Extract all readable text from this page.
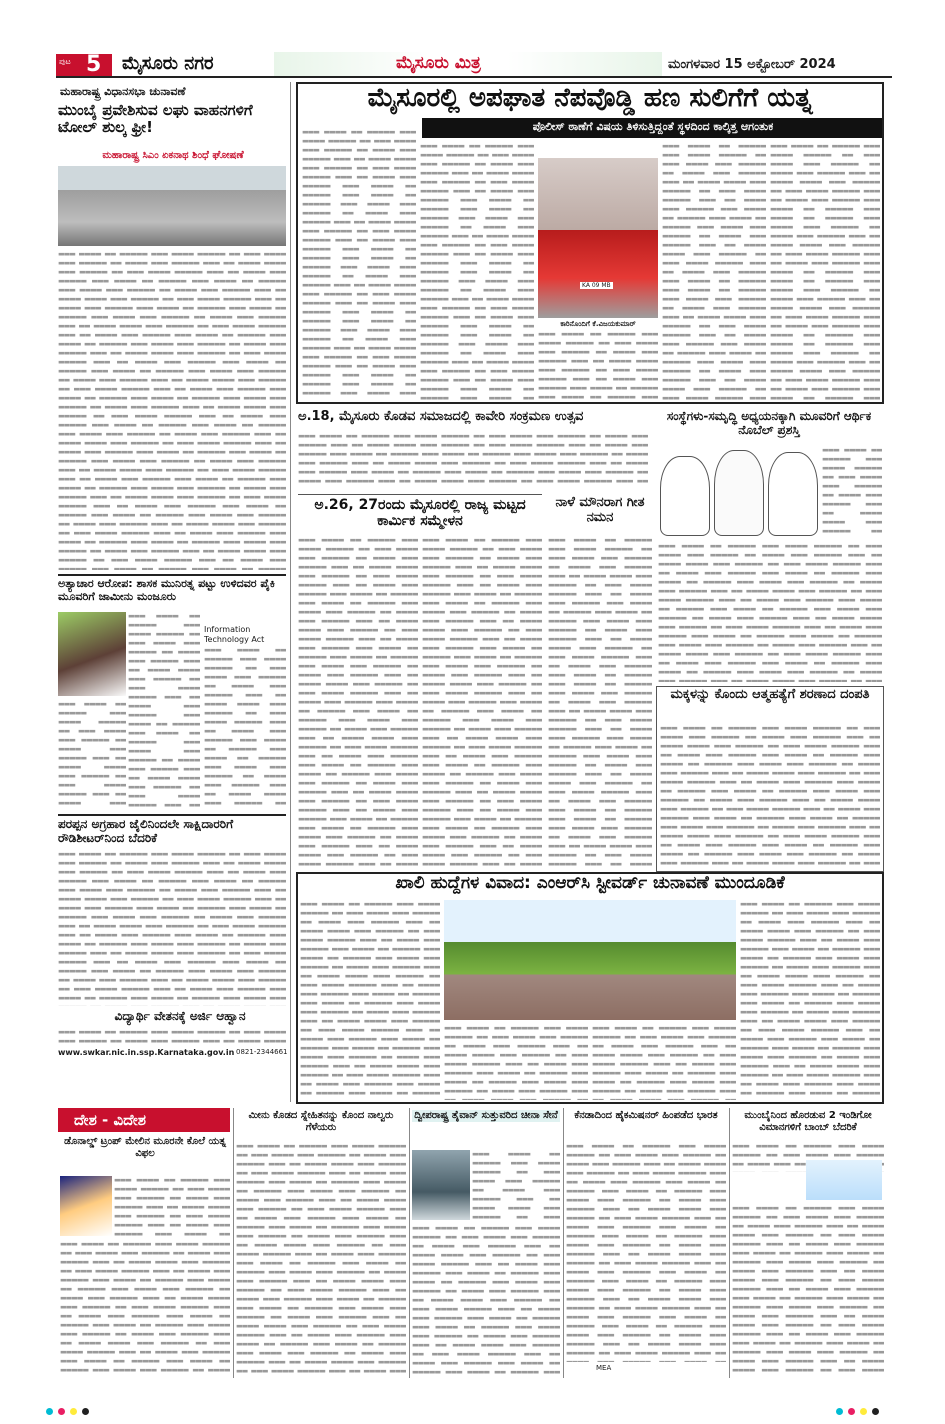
ಪುಟ 5 ಮೈಸೂರು ನಗರ	ಮೈಸೂರು ಮಿತ್ರ	ಮಂಗಳವಾರ 15 ಅಕ್ಟೋಬರ್ 2024
ಮಹಾರಾಷ್ಟ್ರ ವಿಧಾನಸಭಾ ಚುನಾವಣೆ
ಮುಂಬೈ ಪ್ರವೇಶಿಸುವ ಲಘು ವಾಹನಗಳಿಗೆ ಟೋಲ್ ಶುಲ್ಕ ಫ್ರೀ!
ಮಹಾರಾಷ್ಟ್ರ ಸಿಎಂ ಏಕನಾಥ ಶಿಂಧೆ ಘೋಷಣೆ
▬▬▬ ▬▬▬▬ ▬▬ ▬▬▬▬▬ ▬▬▬ ▬▬▬▬ ▬▬▬▬▬ ▬▬ ▬▬▬ ▬▬▬▬ ▬▬▬ ▬▬▬▬▬ ▬▬ ▬▬▬▬ ▬▬▬ ▬▬▬▬▬ ▬▬▬ ▬▬ ▬▬▬▬ ▬▬▬▬ ▬▬▬ ▬▬▬▬▬ ▬▬ ▬▬▬ ▬▬▬▬ ▬▬▬▬▬ ▬▬▬ ▬▬ ▬▬▬▬ ▬▬▬ ▬▬▬▬▬ ▬▬▬ ▬▬▬▬ ▬▬ ▬▬▬▬▬ ▬▬▬ ▬▬▬▬ ▬▬ ▬▬▬▬▬ ▬▬▬ ▬▬▬▬ ▬▬▬ ▬▬▬▬▬ ▬▬ ▬▬▬▬ ▬▬▬ ▬▬▬▬▬ ▬▬▬ ▬▬ ▬▬▬▬ ▬▬▬▬ ▬▬▬ ▬▬▬▬▬ ▬▬ ▬▬▬ ▬▬▬▬ ▬▬▬▬▬ ▬▬▬ ▬▬ ▬▬▬▬ ▬▬▬ ▬▬▬▬▬ ▬▬▬ ▬▬▬▬ ▬▬ ▬▬▬▬▬ ▬▬▬ ▬▬▬▬ ▬▬ ▬▬▬▬▬ ▬▬▬ ▬▬▬▬ ▬▬▬ ▬▬▬▬▬ ▬▬ ▬▬▬▬ ▬▬▬ ▬▬▬▬▬ ▬▬▬ ▬▬ ▬▬▬▬ ▬▬▬▬ ▬▬▬ ▬▬▬▬▬ ▬▬ ▬▬▬ ▬▬▬▬ ▬▬▬▬▬ ▬▬▬ ▬▬ ▬▬▬▬ ▬▬▬ ▬▬▬▬▬ ▬▬▬ ▬▬▬▬ ▬▬ ▬▬▬▬▬ ▬▬▬ ▬▬▬▬ ▬▬ ▬▬▬▬▬ ▬▬▬ ▬▬▬▬ ▬▬▬ ▬▬▬▬▬ ▬▬ ▬▬▬▬ ▬▬▬ ▬▬▬▬▬ ▬▬▬ ▬▬ ▬▬▬▬ ▬▬▬▬ ▬▬▬ ▬▬▬▬▬ ▬▬ ▬▬▬ ▬▬▬▬ ▬▬▬▬▬ ▬▬▬ ▬▬ ▬▬▬▬ ▬▬▬ ▬▬▬▬▬ ▬▬▬ ▬▬▬▬ ▬▬ ▬▬▬▬▬ ▬▬▬ ▬▬▬▬ ▬▬ ▬▬▬▬▬ ▬▬▬ ▬▬▬▬ ▬▬▬ ▬▬▬▬▬ ▬▬ ▬▬▬▬ ▬▬▬ ▬▬▬▬▬ ▬▬▬ ▬▬ ▬▬▬▬ ▬▬▬▬ ▬▬▬ ▬▬▬▬▬ ▬▬ ▬▬▬ ▬▬▬▬ ▬▬▬▬▬ ▬▬▬ ▬▬ ▬▬▬▬ ▬▬▬ ▬▬▬▬▬ ▬▬▬ ▬▬▬▬ ▬▬ ▬▬▬▬▬ ▬▬▬ ▬▬▬▬ ▬▬ ▬▬▬▬▬ ▬▬▬ ▬▬▬▬ ▬▬▬ ▬▬▬▬▬ ▬▬ ▬▬▬▬ ▬▬▬ ▬▬▬▬▬ ▬▬▬ ▬▬ ▬▬▬▬ ▬▬▬▬ ▬▬▬ ▬▬▬▬▬ ▬▬ ▬▬▬ ▬▬▬▬ ▬▬▬▬▬ ▬▬▬ ▬▬ ▬▬▬▬ ▬▬▬ ▬▬▬▬▬ ▬▬▬ ▬▬▬▬ ▬▬ ▬▬▬▬▬ ▬▬▬ ▬▬▬▬ ▬▬ ▬▬▬▬▬ ▬▬▬ ▬▬▬▬ ▬▬▬ ▬▬▬▬▬ ▬▬ ▬▬▬▬ ▬▬▬ ▬▬▬▬▬ ▬▬▬ ▬▬ ▬▬▬▬ ▬▬▬▬ ▬▬▬ ▬▬▬▬▬ ▬▬ ▬▬▬ ▬▬▬▬ ▬▬▬▬▬ ▬▬▬ ▬▬ ▬▬▬▬ ▬▬▬ ▬▬▬▬▬ ▬▬▬ ▬▬▬▬ ▬▬ ▬▬▬▬▬ ▬▬▬ ▬▬▬▬ ▬▬ ▬▬▬▬▬ ▬▬▬ ▬▬▬▬ ▬▬▬ ▬▬▬▬▬ ▬▬ ▬▬▬▬ ▬▬▬ ▬▬▬▬▬ ▬▬▬ ▬▬ ▬▬▬▬ ▬▬▬▬ ▬▬▬ ▬▬▬▬▬ ▬▬ ▬▬▬ ▬▬▬▬ ▬▬▬▬▬ ▬▬▬ ▬▬ ▬▬▬▬ ▬▬▬ ▬▬▬▬▬ ▬▬▬ ▬▬▬▬ ▬▬ ▬▬▬▬▬ ▬▬▬ ▬▬▬▬ ▬▬ ▬▬▬▬▬ ▬▬▬ ▬▬▬▬ ▬▬▬ ▬▬▬▬▬ ▬▬ ▬▬▬▬ ▬▬▬ ▬▬▬▬▬ ▬▬▬ ▬▬ ▬▬▬▬ ▬▬▬▬ ▬▬▬ ▬▬▬▬▬ ▬▬ ▬▬▬ ▬▬▬▬ ▬▬▬▬▬ ▬▬▬ ▬▬ ▬▬▬▬ ▬▬▬ ▬▬▬▬▬ ▬▬▬ ▬▬▬▬ ▬▬ ▬▬▬▬▬ ▬▬▬ ▬▬▬▬ ▬▬ ▬▬▬▬▬ ▬▬▬ ▬▬▬▬ ▬▬▬ ▬▬▬▬▬ ▬▬ ▬▬▬▬ ▬▬▬ ▬▬▬▬▬ ▬▬▬ ▬▬ ▬▬▬▬ ▬▬▬▬ ▬▬▬ ▬▬▬▬▬ ▬▬ ▬▬▬ ▬▬▬▬ ▬▬▬▬▬ ▬▬▬ ▬▬ ▬▬▬▬ ▬▬▬ ▬▬▬▬▬ ▬▬▬ ▬▬▬▬ ▬▬ ▬▬▬▬▬ ▬▬▬ ▬▬▬▬ ▬▬ ▬▬▬▬▬ ▬▬▬ ▬▬▬▬ ▬▬▬ ▬▬▬▬▬ ▬▬ ▬▬▬▬ ▬▬▬ ▬▬▬▬▬ ▬▬▬ ▬▬ ▬▬▬▬ ▬▬▬▬ ▬▬▬ ▬▬▬▬▬ ▬▬ ▬▬▬ ▬▬▬▬ ▬▬▬▬▬ ▬▬▬ ▬▬ ▬▬▬▬ ▬▬▬ ▬▬▬▬▬ ▬▬▬ ▬▬▬▬ ▬▬ ▬▬▬▬▬ ▬▬▬ ▬▬▬▬ ▬▬ ▬▬▬▬▬ ▬▬▬ ▬▬▬▬ ▬▬▬ ▬▬▬▬▬ ▬▬ ▬▬▬▬ ▬▬▬ ▬▬▬▬▬ ▬▬▬ ▬▬ ▬▬▬▬ ▬▬▬▬ ▬▬▬ ▬▬▬▬▬ ▬▬ ▬▬▬ ▬▬▬▬ ▬▬▬▬▬ ▬▬▬ ▬▬ ▬▬▬▬ ▬▬▬ ▬▬▬▬▬ ▬▬▬ ▬▬▬▬ ▬▬ ▬▬▬▬▬ ▬▬▬ ▬▬▬▬ ▬▬ ▬▬▬▬▬ ▬▬▬ ▬▬▬▬ ▬▬▬ ▬▬▬▬▬ ▬▬ ▬▬▬▬ ▬▬▬ ▬▬▬▬▬ ▬▬▬ ▬▬ ▬▬▬▬
ಅತ್ಯಾಚಾರ ಆರೋಪ: ಶಾಸಕ ಮುನಿರತ್ನ ಪಟ್ಟು ಉಳಿದವರ ಪೈಕಿ ಮೂವರಿಗೆ ಜಾಮೀನು ಮಂಜೂರು
▬▬▬ ▬▬▬▬ ▬▬ ▬▬▬▬▬ ▬▬▬ ▬▬▬▬ ▬▬▬▬▬ ▬▬ ▬▬▬ ▬▬▬▬ ▬▬▬ ▬▬▬▬▬ ▬▬ ▬▬▬▬ ▬▬▬ ▬▬▬▬▬ ▬▬▬ ▬▬ ▬▬▬▬ ▬▬▬▬ ▬▬▬ ▬▬▬▬▬ ▬▬ ▬▬▬ ▬▬▬▬ ▬▬▬▬▬ ▬▬▬ ▬▬ ▬▬▬▬ ▬▬▬ ▬▬▬▬▬ ▬▬▬ ▬▬▬▬ ▬▬ ▬▬▬▬▬ ▬▬▬ ▬▬▬▬ ▬▬ ▬▬▬▬▬ ▬▬▬ ▬▬▬▬ ▬▬▬ ▬▬▬▬▬ ▬▬ ▬▬▬▬ ▬▬▬ ▬▬▬▬▬ ▬▬▬ ▬▬ ▬▬▬▬ ▬▬▬▬ ▬▬▬ ▬▬▬▬▬ ▬▬ ▬▬▬ ▬▬▬▬ ▬▬▬▬▬ ▬▬▬ ▬▬ ▬▬▬▬ ▬▬▬ ▬▬▬▬▬ ▬▬▬ ▬▬▬▬ ▬▬ ▬▬▬▬▬ ▬▬▬ ▬▬▬▬ ▬▬ ▬▬▬▬▬ ▬▬▬ ▬▬▬▬ ▬▬▬ ▬▬▬▬▬ ▬▬ ▬▬▬▬ ▬▬▬ ▬▬▬▬▬ ▬▬▬ ▬▬ ▬▬▬▬ ▬▬▬▬ ▬▬▬ ▬▬▬▬▬ ▬▬ ▬▬▬ ▬▬▬▬ ▬▬▬▬▬ ▬▬▬ ▬▬ ▬▬▬▬ ▬▬▬ ▬▬▬▬▬ ▬▬▬ ▬▬▬▬ ▬▬ ▬▬▬▬▬ ▬▬▬ ▬▬▬▬ ▬▬ ▬▬▬▬▬ ▬▬▬ ▬▬▬▬ ▬▬▬ ▬▬▬▬▬ ▬▬ ▬▬▬▬ ▬▬▬ ▬▬▬▬▬ ▬▬▬ ▬▬ ▬▬▬▬ ▬▬▬▬ ▬▬▬ ▬▬▬▬▬ ▬▬ ▬▬▬ ▬▬▬▬ ▬▬▬▬▬ ▬▬▬ ▬▬ ▬▬▬▬ ▬▬▬ ▬▬▬▬▬ ▬▬▬ ▬▬▬▬ ▬▬ ▬▬▬▬▬ ▬▬▬ ▬▬▬▬ ▬▬ ▬▬▬▬▬ ▬▬▬ ▬▬▬▬ ▬▬▬ ▬▬▬▬▬ ▬▬ ▬▬▬▬ ▬▬▬ ▬▬▬▬▬ ▬▬▬ ▬▬ ▬▬▬▬ ▬▬▬▬ ▬▬▬ ▬▬▬▬▬ ▬▬ ▬▬▬ ▬▬▬▬ ▬▬▬▬▬ ▬▬▬ ▬▬ ▬▬▬▬ ▬▬▬ ▬▬▬▬▬ ▬▬▬ ▬▬▬▬ ▬▬ ▬▬▬▬▬ ▬▬▬ ▬▬▬▬ ▬▬ ▬▬▬▬▬ ▬▬▬ ▬▬▬▬ ▬▬▬ ▬▬▬▬▬ ▬▬ ▬▬▬▬ ▬▬▬ ▬▬▬▬▬ ▬▬▬ ▬▬ ▬▬▬▬ ▬▬▬▬ ▬▬▬ ▬▬▬▬▬ ▬▬ ▬▬▬ ▬▬▬▬ ▬▬▬▬▬ ▬▬▬ ▬▬ ▬▬▬▬ ▬▬▬ ▬▬▬▬▬ ▬▬▬ ▬▬▬▬ ▬▬ ▬▬▬▬▬ ▬▬▬ ▬▬▬▬ ▬▬ ▬▬▬▬▬ ▬▬▬ ▬▬▬▬ ▬▬▬ ▬▬▬▬▬ ▬▬ ▬▬▬▬ ▬▬▬ ▬▬▬▬▬ ▬▬▬ ▬▬ ▬▬▬▬ ▬▬▬▬ ▬▬▬ ▬▬▬▬▬ ▬▬ ▬▬▬ ▬▬▬▬ ▬▬▬▬▬ ▬▬▬ ▬▬ ▬▬▬▬ ▬▬▬ ▬▬▬▬▬ ▬▬▬ ▬▬▬▬ ▬▬ ▬▬▬▬▬ ▬▬▬ ▬▬▬▬ ▬▬ ▬▬▬▬▬ ▬▬▬ ▬▬▬▬ ▬▬▬ ▬▬▬▬▬ ▬▬ ▬▬▬▬ ▬▬▬ ▬▬▬▬▬ ▬▬▬ ▬▬ ▬▬▬▬ ▬▬▬▬ ▬▬▬ ▬▬▬▬▬ ▬▬ ▬▬▬ ▬▬▬▬ ▬▬▬▬▬ ▬▬▬ ▬▬ ▬▬▬▬ ▬▬▬ ▬▬▬▬▬ ▬▬▬ ▬▬▬▬ ▬▬ ▬▬▬▬▬ ▬▬▬ ▬▬▬▬ ▬▬ ▬▬▬▬▬ ▬▬▬ ▬▬▬▬ ▬▬▬ ▬▬▬▬▬ ▬▬ ▬▬▬▬ ▬▬▬ ▬▬▬▬▬ ▬▬▬ ▬▬ ▬▬▬▬ ▬▬▬▬ ▬▬▬ ▬▬▬▬▬ ▬▬ ▬▬▬ ▬▬▬▬ ▬▬▬▬▬ ▬▬▬ ▬▬ ▬▬▬▬ ▬▬▬ ▬▬▬▬▬ ▬▬▬ ▬▬▬▬ ▬▬ ▬▬▬▬▬ ▬▬▬ ▬▬▬▬ ▬▬ ▬▬▬▬▬ ▬▬▬ ▬▬▬▬ ▬▬▬ ▬▬▬▬▬ ▬▬ ▬▬▬▬ ▬▬▬ ▬▬▬▬▬ ▬▬▬ ▬▬ ▬▬▬▬ ▬▬▬▬ ▬▬▬ ▬▬▬▬▬ ▬▬ ▬▬▬ ▬▬▬▬ ▬▬▬▬▬ ▬▬▬ ▬▬ ▬▬▬▬ ▬▬▬ ▬▬▬▬▬ ▬▬▬ ▬▬▬▬ ▬▬ ▬▬▬▬▬ ▬▬▬ ▬▬▬▬ ▬▬ ▬▬▬▬▬ ▬▬▬ ▬▬▬▬ ▬▬▬ ▬▬▬▬▬ ▬▬ ▬▬▬▬ ▬▬▬ ▬▬▬▬▬ ▬▬▬ ▬▬ ▬▬▬▬ ▬▬▬▬ ▬▬▬ ▬▬▬▬▬ ▬▬ ▬▬▬ ▬▬▬▬ ▬▬▬▬▬ ▬▬▬ ▬▬ ▬▬▬▬ ▬▬▬ ▬▬▬▬▬ ▬▬▬ ▬▬▬▬ ▬▬ ▬▬▬▬▬ ▬▬▬ ▬▬▬▬ ▬▬ ▬▬▬▬▬ ▬▬▬ ▬▬▬▬ ▬▬▬ ▬▬▬▬▬ ▬▬ ▬▬▬▬ ▬▬▬ ▬▬▬▬▬ ▬▬▬ ▬▬ ▬▬▬▬ ▬▬▬▬ ▬▬▬ ▬▬▬▬▬ ▬▬ ▬▬▬ ▬▬▬▬ ▬▬▬▬▬ ▬▬▬ ▬▬ ▬▬▬▬ ▬▬▬ ▬▬▬▬▬ ▬▬▬ ▬▬▬▬ ▬▬ ▬▬▬▬▬ ▬▬▬ ▬▬▬▬ ▬▬ ▬▬▬▬▬ ▬▬▬ ▬▬▬▬ ▬▬▬ ▬▬▬▬▬ ▬▬ ▬▬▬▬ ▬▬▬ ▬▬▬▬▬ ▬▬▬ ▬▬ ▬▬▬▬
Information Technology Act
▬▬▬ ▬▬▬▬ ▬▬ ▬▬▬▬▬ ▬▬▬ ▬▬▬▬ ▬▬▬▬▬ ▬▬ ▬▬▬ ▬▬▬▬ ▬▬▬ ▬▬▬▬▬ ▬▬ ▬▬▬▬ ▬▬▬ ▬▬▬▬▬ ▬▬▬ ▬▬ ▬▬▬▬ ▬▬▬▬ ▬▬▬ ▬▬▬▬▬ ▬▬ ▬▬▬ ▬▬▬▬ ▬▬▬▬▬ ▬▬▬ ▬▬ ▬▬▬▬ ▬▬▬ ▬▬▬▬▬ ▬▬▬ ▬▬▬▬ ▬▬ ▬▬▬▬▬ ▬▬▬ ▬▬▬▬ ▬▬ ▬▬▬▬▬ ▬▬▬ ▬▬▬▬ ▬▬▬ ▬▬▬▬▬ ▬▬ ▬▬▬▬ ▬▬▬ ▬▬▬▬▬ ▬▬▬ ▬▬ ▬▬▬▬ ▬▬▬▬ ▬▬▬ ▬▬▬▬▬ ▬▬ ▬▬▬ ▬▬▬▬ ▬▬▬▬▬ ▬▬▬ ▬▬ ▬▬▬▬ ▬▬▬ ▬▬▬▬▬ ▬▬▬ ▬▬▬▬ ▬▬ ▬▬▬▬▬ ▬▬▬ ▬▬▬▬ ▬▬ ▬▬▬▬▬ ▬▬▬ ▬▬▬▬ ▬▬▬ ▬▬▬▬▬ ▬▬ ▬▬▬▬ ▬▬▬ ▬▬▬▬▬ ▬▬▬ ▬▬ ▬▬▬▬ ▬▬▬▬ ▬▬▬ ▬▬▬▬▬ ▬▬ ▬▬▬ ▬▬▬▬ ▬▬▬▬▬ ▬▬▬ ▬▬ ▬▬▬▬ ▬▬▬ ▬▬▬▬▬ ▬▬▬ ▬▬▬▬ ▬▬ ▬▬▬▬▬ ▬▬▬ ▬▬▬▬ ▬▬ ▬▬▬▬▬ ▬▬▬ ▬▬▬▬ ▬▬▬ ▬▬▬▬▬ ▬▬ ▬▬▬▬ ▬▬▬ ▬▬▬▬▬ ▬▬▬ ▬▬ ▬▬▬▬ ▬▬▬▬ ▬▬▬ ▬▬▬▬▬ ▬▬ ▬▬▬ ▬▬▬▬ ▬▬▬▬▬ ▬▬▬ ▬▬ ▬▬▬▬ ▬▬▬ ▬▬▬▬▬ ▬▬▬ ▬▬▬▬ ▬▬ ▬▬▬▬▬ ▬▬▬ ▬▬▬▬ ▬▬ ▬▬▬▬▬ ▬▬▬ ▬▬▬▬ ▬▬▬ ▬▬▬▬▬ ▬▬ ▬▬▬▬ ▬▬▬ ▬▬▬▬▬ ▬▬▬ ▬▬ ▬▬▬▬ ▬▬▬▬ ▬▬▬ ▬▬▬▬▬ ▬▬ ▬▬▬ ▬▬▬▬ ▬▬▬▬▬ ▬▬▬ ▬▬ ▬▬▬▬ ▬▬▬ ▬▬▬▬▬ ▬▬▬ ▬▬▬▬ ▬▬ ▬▬▬▬▬ ▬▬▬ ▬▬▬▬ ▬▬ ▬▬▬▬▬ ▬▬▬ ▬▬▬▬ ▬▬▬ ▬▬▬▬▬ ▬▬ ▬▬▬▬ ▬▬▬ ▬▬▬▬▬ ▬▬▬ ▬▬ ▬▬▬▬ ▬▬▬▬ ▬▬▬ ▬▬▬▬▬ ▬▬ ▬▬▬ ▬▬▬▬ ▬▬▬▬▬ ▬▬▬ ▬▬ ▬▬▬▬ ▬▬▬ ▬▬▬▬▬ ▬▬▬ ▬▬▬▬ ▬▬ ▬▬▬▬▬ ▬▬▬ ▬▬▬▬ ▬▬ ▬▬▬▬▬ ▬▬▬ ▬▬▬▬ ▬▬▬ ▬▬▬▬▬ ▬▬ ▬▬▬▬ ▬▬▬ ▬▬▬▬▬ ▬▬▬ ▬▬ ▬▬▬▬ ▬▬▬▬ ▬▬▬ ▬▬▬▬▬ ▬▬ ▬▬▬ ▬▬▬▬ ▬▬▬▬▬ ▬▬▬ ▬▬ ▬▬▬▬ ▬▬▬ ▬▬▬▬▬ ▬▬▬ ▬▬▬▬ ▬▬ ▬▬▬▬▬ ▬▬▬ ▬▬▬▬ ▬▬ ▬▬▬▬▬ ▬▬▬ ▬▬▬▬ ▬▬▬ ▬▬▬▬▬ ▬▬ ▬▬▬▬ ▬▬▬ ▬▬▬▬▬ ▬▬▬ ▬▬ ▬▬▬▬ ▬▬▬▬ ▬▬▬ ▬▬▬▬▬ ▬▬ ▬▬▬ ▬▬▬▬ ▬▬▬▬▬ ▬▬▬ ▬▬ ▬▬▬▬ ▬▬▬ ▬▬▬▬▬ ▬▬▬ ▬▬▬▬ ▬▬ ▬▬▬▬▬ ▬▬▬ ▬▬▬▬ ▬▬ ▬▬▬▬▬ ▬▬▬ ▬▬▬▬ ▬▬▬ ▬▬▬▬▬ ▬▬ ▬▬▬▬ ▬▬▬ ▬▬▬▬▬ ▬▬▬ ▬▬ ▬▬▬▬ ▬▬▬▬ ▬▬▬ ▬▬▬▬▬ ▬▬ ▬▬▬ ▬▬▬▬ ▬▬▬▬▬ ▬▬▬ ▬▬ ▬▬▬▬ ▬▬▬ ▬▬▬▬▬ ▬▬▬ ▬▬▬▬ ▬▬ ▬▬▬▬▬ ▬▬▬ ▬▬▬▬ ▬▬ ▬▬▬▬▬ ▬▬▬ ▬▬▬▬ ▬▬▬ ▬▬▬▬▬ ▬▬ ▬▬▬▬ ▬▬▬ ▬▬▬▬▬ ▬▬▬ ▬▬ ▬▬▬▬ ▬▬▬▬ ▬▬▬ ▬▬▬▬▬ ▬▬ ▬▬▬ ▬▬▬▬ ▬▬▬▬▬ ▬▬▬ ▬▬ ▬▬▬▬ ▬▬▬ ▬▬▬▬▬ ▬▬▬ ▬▬▬▬ ▬▬ ▬▬▬▬▬ ▬▬▬ ▬▬▬▬ ▬▬ ▬▬▬▬▬ ▬▬▬ ▬▬▬▬ ▬▬▬ ▬▬▬▬▬ ▬▬ ▬▬▬▬ ▬▬▬ ▬▬▬▬▬ ▬▬▬ ▬▬ ▬▬▬▬ ▬▬▬▬ ▬▬▬ ▬▬▬▬▬ ▬▬ ▬▬▬ ▬▬▬▬ ▬▬▬▬▬ ▬▬▬ ▬▬ ▬▬▬▬ ▬▬▬ ▬▬▬▬▬ ▬▬▬ ▬▬▬▬ ▬▬ ▬▬▬▬▬ ▬▬▬ ▬▬▬▬ ▬▬ ▬▬▬▬▬ ▬▬▬ ▬▬▬▬ ▬▬▬ ▬▬▬▬▬ ▬▬ ▬▬▬▬ ▬▬▬ ▬▬▬▬▬ ▬▬▬ ▬▬ ▬▬▬▬ ▬▬▬▬ ▬▬▬ ▬▬▬▬▬ ▬▬ ▬▬▬ ▬▬▬▬ ▬▬▬▬▬ ▬▬▬ ▬▬ ▬▬▬▬ ▬▬▬ ▬▬▬▬▬ ▬▬▬ ▬▬▬▬ ▬▬ ▬▬▬▬▬ ▬▬▬ ▬▬▬▬ ▬▬ ▬▬▬▬▬ ▬▬▬ ▬▬▬▬ ▬▬▬ ▬▬▬▬▬ ▬▬ ▬▬▬▬ ▬▬▬ ▬▬▬▬▬ ▬▬▬ ▬▬ ▬▬▬▬
▬▬▬ ▬▬▬▬ ▬▬ ▬▬▬▬▬ ▬▬▬ ▬▬▬▬ ▬▬▬▬▬ ▬▬ ▬▬▬ ▬▬▬▬ ▬▬▬ ▬▬▬▬▬ ▬▬ ▬▬▬▬ ▬▬▬ ▬▬▬▬▬ ▬▬▬ ▬▬ ▬▬▬▬ ▬▬▬▬ ▬▬▬ ▬▬▬▬▬ ▬▬ ▬▬▬ ▬▬▬▬ ▬▬▬▬▬ ▬▬▬ ▬▬ ▬▬▬▬ ▬▬▬ ▬▬▬▬▬ ▬▬▬ ▬▬▬▬ ▬▬ ▬▬▬▬▬ ▬▬▬ ▬▬▬▬ ▬▬ ▬▬▬▬▬ ▬▬▬ ▬▬▬▬ ▬▬▬ ▬▬▬▬▬ ▬▬ ▬▬▬▬ ▬▬▬ ▬▬▬▬▬ ▬▬▬ ▬▬ ▬▬▬▬ ▬▬▬▬ ▬▬▬ ▬▬▬▬▬ ▬▬ ▬▬▬ ▬▬▬▬ ▬▬▬▬▬ ▬▬▬ ▬▬ ▬▬▬▬ ▬▬▬ ▬▬▬▬▬ ▬▬▬ ▬▬▬▬ ▬▬ ▬▬▬▬▬ ▬▬▬ ▬▬▬▬ ▬▬ ▬▬▬▬▬ ▬▬▬ ▬▬▬▬ ▬▬▬ ▬▬▬▬▬ ▬▬ ▬▬▬▬ ▬▬▬ ▬▬▬▬▬ ▬▬▬ ▬▬ ▬▬▬▬ ▬▬▬▬ ▬▬▬ ▬▬▬▬▬ ▬▬ ▬▬▬ ▬▬▬▬ ▬▬▬▬▬ ▬▬▬ ▬▬ ▬▬▬▬ ▬▬▬ ▬▬▬▬▬ ▬▬▬ ▬▬▬▬ ▬▬ ▬▬▬▬▬ ▬▬▬ ▬▬▬▬ ▬▬ ▬▬▬▬▬ ▬▬▬ ▬▬▬▬ ▬▬▬ ▬▬▬▬▬ ▬▬ ▬▬▬▬ ▬▬▬ ▬▬▬▬▬ ▬▬▬ ▬▬ ▬▬▬▬ ▬▬▬▬ ▬▬▬ ▬▬▬▬▬ ▬▬ ▬▬▬ ▬▬▬▬ ▬▬▬▬▬ ▬▬▬ ▬▬ ▬▬▬▬ ▬▬▬ ▬▬▬▬▬ ▬▬▬ ▬▬▬▬ ▬▬ ▬▬▬▬▬ ▬▬▬ ▬▬▬▬ ▬▬ ▬▬▬▬▬ ▬▬▬ ▬▬▬▬ ▬▬▬ ▬▬▬▬▬ ▬▬ ▬▬▬▬ ▬▬▬ ▬▬▬▬▬ ▬▬▬ ▬▬ ▬▬▬▬ ▬▬▬▬ ▬▬▬ ▬▬▬▬▬ ▬▬ ▬▬▬ ▬▬▬▬ ▬▬▬▬▬ ▬▬▬ ▬▬ ▬▬▬▬ ▬▬▬ ▬▬▬▬▬ ▬▬▬ ▬▬▬▬ ▬▬ ▬▬▬▬▬ ▬▬▬ ▬▬▬▬ ▬▬ ▬▬▬▬▬ ▬▬▬ ▬▬▬▬ ▬▬▬ ▬▬▬▬▬ ▬▬ ▬▬▬▬ ▬▬▬ ▬▬▬▬▬ ▬▬▬ ▬▬ ▬▬▬▬ ▬▬▬▬ ▬▬▬ ▬▬▬▬▬ ▬▬ ▬▬▬ ▬▬▬▬ ▬▬▬▬▬ ▬▬▬ ▬▬ ▬▬▬▬ ▬▬▬ ▬▬▬▬▬ ▬▬▬ ▬▬▬▬ ▬▬ ▬▬▬▬▬ ▬▬▬ ▬▬▬▬ ▬▬ ▬▬▬▬▬ ▬▬▬ ▬▬▬▬ ▬▬▬ ▬▬▬▬▬ ▬▬ ▬▬▬▬ ▬▬▬ ▬▬▬▬▬ ▬▬▬ ▬▬ ▬▬▬▬ ▬▬▬▬ ▬▬▬ ▬▬▬▬▬ ▬▬ ▬▬▬ ▬▬▬▬ ▬▬▬▬▬ ▬▬▬ ▬▬ ▬▬▬▬ ▬▬▬ ▬▬▬▬▬ ▬▬▬ ▬▬▬▬ ▬▬ ▬▬▬▬▬ ▬▬▬ ▬▬▬▬ ▬▬ ▬▬▬▬▬ ▬▬▬ ▬▬▬▬ ▬▬▬ ▬▬▬▬▬ ▬▬ ▬▬▬▬ ▬▬▬ ▬▬▬▬▬ ▬▬▬ ▬▬ ▬▬▬▬ ▬▬▬▬ ▬▬▬ ▬▬▬▬▬ ▬▬ ▬▬▬ ▬▬▬▬ ▬▬▬▬▬ ▬▬▬ ▬▬ ▬▬▬▬ ▬▬▬ ▬▬▬▬▬ ▬▬▬ ▬▬▬▬ ▬▬ ▬▬▬▬▬ ▬▬▬ ▬▬▬▬ ▬▬ ▬▬▬▬▬ ▬▬▬ ▬▬▬▬ ▬▬▬ ▬▬▬▬▬ ▬▬ ▬▬▬▬ ▬▬▬ ▬▬▬▬▬ ▬▬▬ ▬▬ ▬▬▬▬ ▬▬▬▬ ▬▬▬ ▬▬▬▬▬ ▬▬ ▬▬▬ ▬▬▬▬ ▬▬▬▬▬ ▬▬▬ ▬▬ ▬▬▬▬ ▬▬▬ ▬▬▬▬▬ ▬▬▬ ▬▬▬▬ ▬▬ ▬▬▬▬▬ ▬▬▬ ▬▬▬▬ ▬▬ ▬▬▬▬▬ ▬▬▬ ▬▬▬▬ ▬▬▬ ▬▬▬▬▬ ▬▬ ▬▬▬▬ ▬▬▬ ▬▬▬▬▬ ▬▬▬ ▬▬ ▬▬▬▬ ▬▬▬▬ ▬▬▬ ▬▬▬▬▬ ▬▬ ▬▬▬ ▬▬▬▬ ▬▬▬▬▬ ▬▬▬ ▬▬ ▬▬▬▬ ▬▬▬ ▬▬▬▬▬ ▬▬▬ ▬▬▬▬ ▬▬ ▬▬▬▬▬ ▬▬▬ ▬▬▬▬ ▬▬ ▬▬▬▬▬ ▬▬▬ ▬▬▬▬ ▬▬▬ ▬▬▬▬▬ ▬▬ ▬▬▬▬ ▬▬▬ ▬▬▬▬▬ ▬▬▬ ▬▬ ▬▬▬▬ ▬▬▬▬ ▬▬▬ ▬▬▬▬▬ ▬▬ ▬▬▬ ▬▬▬▬ ▬▬▬▬▬ ▬▬▬ ▬▬ ▬▬▬▬ ▬▬▬ ▬▬▬▬▬ ▬▬▬ ▬▬▬▬ ▬▬ ▬▬▬▬▬ ▬▬▬ ▬▬▬▬ ▬▬ ▬▬▬▬▬ ▬▬▬ ▬▬▬▬ ▬▬▬ ▬▬▬▬▬ ▬▬ ▬▬▬▬ ▬▬▬ ▬▬▬▬▬ ▬▬▬ ▬▬ ▬▬▬▬ ▬▬▬▬ ▬▬▬ ▬▬▬▬▬ ▬▬ ▬▬▬ ▬▬▬▬ ▬▬▬▬▬ ▬▬▬ ▬▬ ▬▬▬▬ ▬▬▬ ▬▬▬▬▬ ▬▬▬ ▬▬▬▬ ▬▬ ▬▬▬▬▬ ▬▬▬ ▬▬▬▬ ▬▬ ▬▬▬▬▬ ▬▬▬ ▬▬▬▬ ▬▬▬ ▬▬▬▬▬ ▬▬ ▬▬▬▬ ▬▬▬ ▬▬▬▬▬ ▬▬▬ ▬▬ ▬▬▬▬
ಪರಪ್ಪನ ಅಗ್ರಹಾರ ಜೈಲಿನಿಂದಲೇ ಸಾಕ್ಷಿದಾರರಿಗೆ ರೌಡಿಶೀಟರ್‌ನಿಂದ ಬೆದರಿಕೆ
▬▬▬ ▬▬▬▬ ▬▬ ▬▬▬▬▬ ▬▬▬ ▬▬▬▬ ▬▬▬▬▬ ▬▬ ▬▬▬ ▬▬▬▬ ▬▬▬ ▬▬▬▬▬ ▬▬ ▬▬▬▬ ▬▬▬ ▬▬▬▬▬ ▬▬▬ ▬▬ ▬▬▬▬ ▬▬▬▬ ▬▬▬ ▬▬▬▬▬ ▬▬ ▬▬▬ ▬▬▬▬ ▬▬▬▬▬ ▬▬▬ ▬▬ ▬▬▬▬ ▬▬▬ ▬▬▬▬▬ ▬▬▬ ▬▬▬▬ ▬▬ ▬▬▬▬▬ ▬▬▬ ▬▬▬▬ ▬▬ ▬▬▬▬▬ ▬▬▬ ▬▬▬▬ ▬▬▬ ▬▬▬▬▬ ▬▬ ▬▬▬▬ ▬▬▬ ▬▬▬▬▬ ▬▬▬ ▬▬ ▬▬▬▬ ▬▬▬▬ ▬▬▬ ▬▬▬▬▬ ▬▬ ▬▬▬ ▬▬▬▬ ▬▬▬▬▬ ▬▬▬ ▬▬ ▬▬▬▬ ▬▬▬ ▬▬▬▬▬ ▬▬▬ ▬▬▬▬ ▬▬ ▬▬▬▬▬ ▬▬▬ ▬▬▬▬ ▬▬ ▬▬▬▬▬ ▬▬▬ ▬▬▬▬ ▬▬▬ ▬▬▬▬▬ ▬▬ ▬▬▬▬ ▬▬▬ ▬▬▬▬▬ ▬▬▬ ▬▬ ▬▬▬▬ ▬▬▬▬ ▬▬▬ ▬▬▬▬▬ ▬▬ ▬▬▬ ▬▬▬▬ ▬▬▬▬▬ ▬▬▬ ▬▬ ▬▬▬▬ ▬▬▬ ▬▬▬▬▬ ▬▬▬ ▬▬▬▬ ▬▬ ▬▬▬▬▬ ▬▬▬ ▬▬▬▬ ▬▬ ▬▬▬▬▬ ▬▬▬ ▬▬▬▬ ▬▬▬ ▬▬▬▬▬ ▬▬ ▬▬▬▬ ▬▬▬ ▬▬▬▬▬ ▬▬▬ ▬▬ ▬▬▬▬ ▬▬▬▬ ▬▬▬ ▬▬▬▬▬ ▬▬ ▬▬▬ ▬▬▬▬ ▬▬▬▬▬ ▬▬▬ ▬▬ ▬▬▬▬ ▬▬▬ ▬▬▬▬▬ ▬▬▬ ▬▬▬▬ ▬▬ ▬▬▬▬▬ ▬▬▬ ▬▬▬▬ ▬▬ ▬▬▬▬▬ ▬▬▬ ▬▬▬▬ ▬▬▬ ▬▬▬▬▬ ▬▬ ▬▬▬▬ ▬▬▬ ▬▬▬▬▬ ▬▬▬ ▬▬ ▬▬▬▬ ▬▬▬▬ ▬▬▬ ▬▬▬▬▬ ▬▬ ▬▬▬ ▬▬▬▬ ▬▬▬▬▬ ▬▬▬ ▬▬ ▬▬▬▬ ▬▬▬ ▬▬▬▬▬ ▬▬▬ ▬▬▬▬ ▬▬ ▬▬▬▬▬ ▬▬▬ ▬▬▬▬ ▬▬ ▬▬▬▬▬ ▬▬▬ ▬▬▬▬ ▬▬▬ ▬▬▬▬▬ ▬▬ ▬▬▬▬ ▬▬▬ ▬▬▬▬▬ ▬▬▬ ▬▬ ▬▬▬▬ ▬▬▬▬ ▬▬▬ ▬▬▬▬▬ ▬▬ ▬▬▬ ▬▬▬▬ ▬▬▬▬▬ ▬▬▬ ▬▬ ▬▬▬▬ ▬▬▬ ▬▬▬▬▬ ▬▬▬ ▬▬▬▬ ▬▬ ▬▬▬▬▬ ▬▬▬ ▬▬▬▬ ▬▬ ▬▬▬▬▬ ▬▬▬ ▬▬▬▬ ▬▬▬ ▬▬▬▬▬ ▬▬ ▬▬▬▬ ▬▬▬ ▬▬▬▬▬ ▬▬▬ ▬▬ ▬▬▬▬ ▬▬▬▬ ▬▬▬ ▬▬▬▬▬ ▬▬ ▬▬▬ ▬▬▬▬ ▬▬▬▬▬ ▬▬▬ ▬▬ ▬▬▬▬ ▬▬▬ ▬▬▬▬▬ ▬▬▬ ▬▬▬▬ ▬▬ ▬▬▬▬▬ ▬▬▬ ▬▬▬▬ ▬▬ ▬▬▬▬▬ ▬▬▬ ▬▬▬▬ ▬▬▬ ▬▬▬▬▬ ▬▬ ▬▬▬▬ ▬▬▬ ▬▬▬▬▬ ▬▬▬ ▬▬ ▬▬▬▬ ▬▬▬▬ ▬▬▬ ▬▬▬▬▬ ▬▬ ▬▬▬ ▬▬▬▬ ▬▬▬▬▬ ▬▬▬ ▬▬ ▬▬▬▬ ▬▬▬ ▬▬▬▬▬ ▬▬▬ ▬▬▬▬ ▬▬ ▬▬▬▬▬ ▬▬▬ ▬▬▬▬ ▬▬ ▬▬▬▬▬ ▬▬▬ ▬▬▬▬ ▬▬▬ ▬▬▬▬▬ ▬▬ ▬▬▬▬ ▬▬▬ ▬▬▬▬▬ ▬▬▬ ▬▬ ▬▬▬▬ ▬▬▬▬ ▬▬▬ ▬▬▬▬▬ ▬▬ ▬▬▬ ▬▬▬▬ ▬▬▬▬▬ ▬▬▬ ▬▬ ▬▬▬▬ ▬▬▬ ▬▬▬▬▬ ▬▬▬ ▬▬▬▬ ▬▬ ▬▬▬▬▬ ▬▬▬ ▬▬▬▬ ▬▬ ▬▬▬▬▬ ▬▬▬ ▬▬▬▬ ▬▬▬ ▬▬▬▬▬ ▬▬ ▬▬▬▬ ▬▬▬ ▬▬▬▬▬ ▬▬▬ ▬▬ ▬▬▬▬ ▬▬▬▬ ▬▬▬ ▬▬▬▬▬ ▬▬ ▬▬▬ ▬▬▬▬ ▬▬▬▬▬ ▬▬▬ ▬▬ ▬▬▬▬ ▬▬▬ ▬▬▬▬▬ ▬▬▬ ▬▬▬▬ ▬▬ ▬▬▬▬▬ ▬▬▬ ▬▬▬▬ ▬▬ ▬▬▬▬▬ ▬▬▬ ▬▬▬▬ ▬▬▬ ▬▬▬▬▬ ▬▬ ▬▬▬▬ ▬▬▬ ▬▬▬▬▬ ▬▬▬ ▬▬ ▬▬▬▬ ▬▬▬▬ ▬▬▬ ▬▬▬▬▬ ▬▬ ▬▬▬ ▬▬▬▬ ▬▬▬▬▬ ▬▬▬ ▬▬ ▬▬▬▬ ▬▬▬ ▬▬▬▬▬ ▬▬▬ ▬▬▬▬ ▬▬ ▬▬▬▬▬ ▬▬▬ ▬▬▬▬ ▬▬ ▬▬▬▬▬ ▬▬▬ ▬▬▬▬ ▬▬▬ ▬▬▬▬▬ ▬▬ ▬▬▬▬ ▬▬▬ ▬▬▬▬▬ ▬▬▬ ▬▬ ▬▬▬▬ ▬▬▬▬ ▬▬▬ ▬▬▬▬▬ ▬▬ ▬▬▬ ▬▬▬▬ ▬▬▬▬▬ ▬▬▬ ▬▬ ▬▬▬▬ ▬▬▬ ▬▬▬▬▬ ▬▬▬ ▬▬▬▬ ▬▬ ▬▬▬▬▬ ▬▬▬ ▬▬▬▬ ▬▬ ▬▬▬▬▬ ▬▬▬ ▬▬▬▬ ▬▬▬ ▬▬▬▬▬ ▬▬ ▬▬▬▬ ▬▬▬ ▬▬▬▬▬ ▬▬▬ ▬▬ ▬▬▬▬
ವಿದ್ಯಾರ್ಥಿ ವೇತನಕ್ಕೆ ಅರ್ಜಿ ಆಹ್ವಾನ
▬▬▬ ▬▬▬▬ ▬▬ ▬▬▬▬▬ ▬▬▬ ▬▬▬▬ ▬▬▬▬▬ ▬▬ ▬▬▬ ▬▬▬▬ ▬▬▬ ▬▬▬▬▬ ▬▬ ▬▬▬▬ ▬▬▬ ▬▬▬▬▬ ▬▬▬ ▬▬ ▬▬▬▬ ▬▬▬▬ ▬▬▬ ▬▬▬▬▬ ▬▬ ▬▬▬ ▬▬▬▬ ▬▬▬▬▬ ▬▬▬ ▬▬ ▬▬▬▬ ▬▬▬ ▬▬▬▬▬ ▬▬▬ ▬▬▬▬ ▬▬ ▬▬▬▬▬ ▬▬▬ ▬▬▬▬ ▬▬ ▬▬▬▬▬ ▬▬▬ ▬▬▬▬ ▬▬▬ ▬▬▬▬▬ ▬▬ ▬▬▬▬ ▬▬▬ ▬▬▬▬▬ ▬▬▬ ▬▬ ▬▬▬▬ ▬▬▬▬ ▬▬▬ ▬▬▬▬▬ ▬▬ ▬▬▬ ▬▬▬▬ ▬▬▬▬▬ ▬▬▬ ▬▬ ▬▬▬▬ ▬▬▬ ▬▬▬▬▬ ▬▬▬ ▬▬▬▬ ▬▬ ▬▬▬▬▬ ▬▬▬ ▬▬▬▬ ▬▬ ▬▬▬▬▬ ▬▬▬ ▬▬▬▬ ▬▬▬ ▬▬▬▬▬ ▬▬ ▬▬▬▬ ▬▬▬ ▬▬▬▬▬ ▬▬▬ ▬▬ ▬▬▬▬ ▬▬▬▬ ▬▬▬ ▬▬▬▬▬ ▬▬ ▬▬▬ ▬▬▬▬ ▬▬▬▬▬ ▬▬▬ ▬▬ ▬▬▬▬ ▬▬▬ ▬▬▬▬▬ ▬▬▬ ▬▬▬▬ ▬▬ ▬▬▬▬▬ ▬▬▬ ▬▬▬▬ ▬▬ ▬▬▬▬▬ ▬▬▬ ▬▬▬▬ ▬▬▬ ▬▬▬▬▬ ▬▬ ▬▬▬▬ ▬▬▬ ▬▬▬▬▬ ▬▬▬ ▬▬ ▬▬▬▬ ▬▬▬▬ ▬▬▬ ▬▬▬▬▬ ▬▬ ▬▬▬ ▬▬▬▬ ▬▬▬▬▬ ▬▬▬ ▬▬ ▬▬▬▬ ▬▬▬ ▬▬▬▬▬ ▬▬▬ ▬▬▬▬ ▬▬ ▬▬▬▬▬ ▬▬▬ ▬▬▬▬ ▬▬ ▬▬▬▬▬ ▬▬▬ ▬▬▬▬ ▬▬▬ ▬▬▬▬▬ ▬▬ ▬▬▬▬ ▬▬▬ ▬▬▬▬▬ ▬▬▬ ▬▬ ▬▬▬▬ ▬▬▬▬ ▬▬▬ ▬▬▬▬▬ ▬▬ ▬▬▬ ▬▬▬▬ ▬▬▬▬▬ ▬▬▬ ▬▬ ▬▬▬▬ ▬▬▬ ▬▬▬▬▬ ▬▬▬ ▬▬▬▬ ▬▬ ▬▬▬▬▬ ▬▬▬ ▬▬▬▬ ▬▬ ▬▬▬▬▬ ▬▬▬ ▬▬▬▬ ▬▬▬ ▬▬▬▬▬ ▬▬ ▬▬▬▬ ▬▬▬ ▬▬▬▬▬ ▬▬▬ ▬▬ ▬▬▬▬ ▬▬▬▬ ▬▬▬ ▬▬▬▬▬ ▬▬ ▬▬▬ ▬▬▬▬ ▬▬▬▬▬ ▬▬▬ ▬▬ ▬▬▬▬ ▬▬▬ ▬▬▬▬▬ ▬▬▬ ▬▬▬▬ ▬▬ ▬▬▬▬▬ ▬▬▬ ▬▬▬▬ ▬▬ ▬▬▬▬▬ ▬▬▬ ▬▬▬▬ ▬▬▬ ▬▬▬▬▬ ▬▬ ▬▬▬▬ ▬▬▬ ▬▬▬▬▬ ▬▬▬ ▬▬ ▬▬▬▬ ▬▬▬▬ ▬▬▬ ▬▬▬▬▬ ▬▬ ▬▬▬ ▬▬▬▬ ▬▬▬▬▬ ▬▬▬ ▬▬ ▬▬▬▬ ▬▬▬ ▬▬▬▬▬ ▬▬▬ ▬▬▬▬ ▬▬ ▬▬▬▬▬ ▬▬▬ ▬▬▬▬ ▬▬ ▬▬▬▬▬ ▬▬▬ ▬▬▬▬ ▬▬▬ ▬▬▬▬▬ ▬▬ ▬▬▬▬ ▬▬▬ ▬▬▬▬▬ ▬▬▬ ▬▬ ▬▬▬▬ ▬▬▬▬ ▬▬▬ ▬▬▬▬▬ ▬▬ ▬▬▬ ▬▬▬▬ ▬▬▬▬▬ ▬▬▬ ▬▬ ▬▬▬▬ ▬▬▬ ▬▬▬▬▬ ▬▬▬ ▬▬▬▬ ▬▬ ▬▬▬▬▬ ▬▬▬ ▬▬▬▬ ▬▬ ▬▬▬▬▬ ▬▬▬ ▬▬▬▬ ▬▬▬ ▬▬▬▬▬ ▬▬ ▬▬▬▬ ▬▬▬ ▬▬▬▬▬ ▬▬▬ ▬▬ ▬▬▬▬ ▬▬▬▬ ▬▬▬ ▬▬▬▬▬ ▬▬ ▬▬▬ ▬▬▬▬ ▬▬▬▬▬ ▬▬▬ ▬▬ ▬▬▬▬ ▬▬▬ ▬▬▬▬▬ ▬▬▬ ▬▬▬▬ ▬▬ ▬▬▬▬▬ ▬▬▬ ▬▬▬▬ ▬▬ ▬▬▬▬▬ ▬▬▬ ▬▬▬▬ ▬▬▬ ▬▬▬▬▬ ▬▬ ▬▬▬▬ ▬▬▬ ▬▬▬▬▬ ▬▬▬ ▬▬ ▬▬▬▬ ▬▬▬▬ ▬▬▬ ▬▬▬▬▬ ▬▬ ▬▬▬ ▬▬▬▬ ▬▬▬▬▬ ▬▬▬ ▬▬ ▬▬▬▬ ▬▬▬ ▬▬▬▬▬ ▬▬▬ ▬▬▬▬ ▬▬ ▬▬▬▬▬ ▬▬▬ ▬▬▬▬ ▬▬ ▬▬▬▬▬ ▬▬▬ ▬▬▬▬ ▬▬▬ ▬▬▬▬▬ ▬▬ ▬▬▬▬ ▬▬▬ ▬▬▬▬▬ ▬▬▬ ▬▬ ▬▬▬▬ ▬▬▬▬ ▬▬▬ ▬▬▬▬▬ ▬▬ ▬▬▬ ▬▬▬▬ ▬▬▬▬▬ ▬▬▬ ▬▬ ▬▬▬▬ ▬▬▬ ▬▬▬▬▬ ▬▬▬ ▬▬▬▬ ▬▬ ▬▬▬▬▬ ▬▬▬ ▬▬▬▬ ▬▬ ▬▬▬▬▬ ▬▬▬ ▬▬▬▬ ▬▬▬ ▬▬▬▬▬ ▬▬ ▬▬▬▬ ▬▬▬ ▬▬▬▬▬ ▬▬▬ ▬▬ ▬▬▬▬ ▬▬▬▬ ▬▬▬ ▬▬▬▬▬ ▬▬ ▬▬▬ ▬▬▬▬ ▬▬▬▬▬ ▬▬▬ ▬▬ ▬▬▬▬ ▬▬▬ ▬▬▬▬▬ ▬▬▬ ▬▬▬▬ ▬▬ ▬▬▬▬▬ ▬▬▬ ▬▬▬▬ ▬▬ ▬▬▬▬▬ ▬▬▬ ▬▬▬▬ ▬▬▬ ▬▬▬▬▬ ▬▬ ▬▬▬▬ ▬▬▬ ▬▬▬▬▬ ▬▬▬ ▬▬ ▬▬▬▬
www.swkar.nic.in.ssp.Karnataka.gov.in 0821-2344661
ಮೈಸೂರಲ್ಲಿ ಅಪಘಾತ ನೆಪವೊಡ್ಡಿ ಹಣ ಸುಲಿಗೆಗೆ ಯತ್ನ
ಪೊಲೀಸ್ ಠಾಣೆಗೆ ವಿಷಯ ತಿಳಿಸುತ್ತಿದ್ದಂತೆ ಸ್ಥಳದಿಂದ ಕಾಲ್ಕಿತ್ತ ಆಗಂತುಕ
▬▬▬ ▬▬▬▬ ▬▬ ▬▬▬▬▬ ▬▬▬ ▬▬▬▬ ▬▬▬▬▬ ▬▬ ▬▬▬ ▬▬▬▬ ▬▬▬ ▬▬▬▬▬ ▬▬ ▬▬▬▬ ▬▬▬ ▬▬▬▬▬ ▬▬▬ ▬▬ ▬▬▬▬ ▬▬▬▬ ▬▬▬ ▬▬▬▬▬ ▬▬ ▬▬▬ ▬▬▬▬ ▬▬▬▬▬ ▬▬▬ ▬▬ ▬▬▬▬ ▬▬▬ ▬▬▬▬▬ ▬▬▬ ▬▬▬▬ ▬▬ ▬▬▬▬▬ ▬▬▬ ▬▬▬▬ ▬▬ ▬▬▬▬▬ ▬▬▬ ▬▬▬▬ ▬▬▬ ▬▬▬▬▬ ▬▬ ▬▬▬▬ ▬▬▬ ▬▬▬▬▬ ▬▬▬ ▬▬ ▬▬▬▬ ▬▬▬▬ ▬▬▬ ▬▬▬▬▬ ▬▬ ▬▬▬ ▬▬▬▬ ▬▬▬▬▬ ▬▬▬ ▬▬ ▬▬▬▬ ▬▬▬ ▬▬▬▬▬ ▬▬▬ ▬▬▬▬ ▬▬ ▬▬▬▬▬ ▬▬▬ ▬▬▬▬ ▬▬ ▬▬▬▬▬ ▬▬▬ ▬▬▬▬ ▬▬▬ ▬▬▬▬▬ ▬▬ ▬▬▬▬ ▬▬▬ ▬▬▬▬▬ ▬▬▬ ▬▬ ▬▬▬▬ ▬▬▬▬ ▬▬▬ ▬▬▬▬▬ ▬▬ ▬▬▬ ▬▬▬▬ ▬▬▬▬▬ ▬▬▬ ▬▬ ▬▬▬▬ ▬▬▬ ▬▬▬▬▬ ▬▬▬ ▬▬▬▬ ▬▬ ▬▬▬▬▬ ▬▬▬ ▬▬▬▬ ▬▬ ▬▬▬▬▬ ▬▬▬ ▬▬▬▬ ▬▬▬ ▬▬▬▬▬ ▬▬ ▬▬▬▬ ▬▬▬ ▬▬▬▬▬ ▬▬▬ ▬▬ ▬▬▬▬ ▬▬▬▬ ▬▬▬ ▬▬▬▬▬ ▬▬ ▬▬▬ ▬▬▬▬ ▬▬▬▬▬ ▬▬▬ ▬▬ ▬▬▬▬ ▬▬▬ ▬▬▬▬▬ ▬▬▬ ▬▬▬▬ ▬▬ ▬▬▬▬▬ ▬▬▬ ▬▬▬▬ ▬▬ ▬▬▬▬▬ ▬▬▬ ▬▬▬▬ ▬▬▬ ▬▬▬▬▬ ▬▬ ▬▬▬▬ ▬▬▬ ▬▬▬▬▬ ▬▬▬ ▬▬ ▬▬▬▬ ▬▬▬▬ ▬▬▬ ▬▬▬▬▬ ▬▬ ▬▬▬ ▬▬▬▬ ▬▬▬▬▬ ▬▬▬ ▬▬ ▬▬▬▬ ▬▬▬ ▬▬▬▬▬ ▬▬▬ ▬▬▬▬ ▬▬ ▬▬▬▬▬ ▬▬▬ ▬▬▬▬ ▬▬ ▬▬▬▬▬ ▬▬▬ ▬▬▬▬ ▬▬▬ ▬▬▬▬▬ ▬▬ ▬▬▬▬ ▬▬▬ ▬▬▬▬▬ ▬▬▬ ▬▬ ▬▬▬▬ ▬▬▬▬ ▬▬▬ ▬▬▬▬▬ ▬▬ ▬▬▬ ▬▬▬▬ ▬▬▬▬▬ ▬▬▬ ▬▬ ▬▬▬▬ ▬▬▬ ▬▬▬▬▬ ▬▬▬ ▬▬▬▬ ▬▬ ▬▬▬▬▬ ▬▬▬ ▬▬▬▬ ▬▬ ▬▬▬▬▬ ▬▬▬ ▬▬▬▬ ▬▬▬ ▬▬▬▬▬ ▬▬ ▬▬▬▬ ▬▬▬ ▬▬▬▬▬ ▬▬▬ ▬▬ ▬▬▬▬ ▬▬▬▬ ▬▬▬ ▬▬▬▬▬ ▬▬ ▬▬▬ ▬▬▬▬ ▬▬▬▬▬ ▬▬▬ ▬▬ ▬▬▬▬ ▬▬▬ ▬▬▬▬▬ ▬▬▬ ▬▬▬▬ ▬▬ ▬▬▬▬▬ ▬▬▬ ▬▬▬▬ ▬▬ ▬▬▬▬▬ ▬▬▬ ▬▬▬▬ ▬▬▬ ▬▬▬▬▬ ▬▬ ▬▬▬▬ ▬▬▬ ▬▬▬▬▬ ▬▬▬ ▬▬ ▬▬▬▬ ▬▬▬▬ ▬▬▬ ▬▬▬▬▬ ▬▬ ▬▬▬ ▬▬▬▬ ▬▬▬▬▬ ▬▬▬ ▬▬ ▬▬▬▬ ▬▬▬ ▬▬▬▬▬ ▬▬▬ ▬▬▬▬ ▬▬ ▬▬▬▬▬ ▬▬▬ ▬▬▬▬ ▬▬ ▬▬▬▬▬ ▬▬▬ ▬▬▬▬ ▬▬▬ ▬▬▬▬▬ ▬▬ ▬▬▬▬ ▬▬▬ ▬▬▬▬▬ ▬▬▬ ▬▬ ▬▬▬▬ ▬▬▬▬ ▬▬▬ ▬▬▬▬▬ ▬▬ ▬▬▬ ▬▬▬▬ ▬▬▬▬▬ ▬▬▬ ▬▬ ▬▬▬▬ ▬▬▬ ▬▬▬▬▬ ▬▬▬ ▬▬▬▬ ▬▬ ▬▬▬▬▬ ▬▬▬ ▬▬▬▬ ▬▬ ▬▬▬▬▬ ▬▬▬ ▬▬▬▬ ▬▬▬ ▬▬▬▬▬ ▬▬ ▬▬▬▬ ▬▬▬ ▬▬▬▬▬ ▬▬▬ ▬▬ ▬▬▬▬ ▬▬▬▬ ▬▬▬ ▬▬▬▬▬ ▬▬ ▬▬▬ ▬▬▬▬ ▬▬▬▬▬ ▬▬▬ ▬▬ ▬▬▬▬ ▬▬▬ ▬▬▬▬▬ ▬▬▬ ▬▬▬▬ ▬▬ ▬▬▬▬▬ ▬▬▬ ▬▬▬▬ ▬▬ ▬▬▬▬▬ ▬▬▬ ▬▬▬▬ ▬▬▬ ▬▬▬▬▬ ▬▬ ▬▬▬▬ ▬▬▬ ▬▬▬▬▬ ▬▬▬ ▬▬ ▬▬▬▬ ▬▬▬▬ ▬▬▬ ▬▬▬▬▬ ▬▬ ▬▬▬ ▬▬▬▬ ▬▬▬▬▬ ▬▬▬ ▬▬ ▬▬▬▬ ▬▬▬ ▬▬▬▬▬ ▬▬▬ ▬▬▬▬ ▬▬ ▬▬▬▬▬ ▬▬▬ ▬▬▬▬ ▬▬ ▬▬▬▬▬ ▬▬▬ ▬▬▬▬ ▬▬▬ ▬▬▬▬▬ ▬▬ ▬▬▬▬ ▬▬▬ ▬▬▬▬▬ ▬▬▬ ▬▬ ▬▬▬▬ ▬▬▬▬ ▬▬▬ ▬▬▬▬▬ ▬▬ ▬▬▬ ▬▬▬▬ ▬▬▬▬▬ ▬▬▬ ▬▬ ▬▬▬▬ ▬▬▬ ▬▬▬▬▬ ▬▬▬ ▬▬▬▬ ▬▬ ▬▬▬▬▬ ▬▬▬ ▬▬▬▬ ▬▬ ▬▬▬▬▬ ▬▬▬ ▬▬▬▬ ▬▬▬ ▬▬▬▬▬ ▬▬ ▬▬▬▬ ▬▬▬ ▬▬▬▬▬ ▬▬▬ ▬▬ ▬▬▬▬
▬▬▬ ▬▬▬▬ ▬▬ ▬▬▬▬▬ ▬▬▬ ▬▬▬▬ ▬▬▬▬▬ ▬▬ ▬▬▬ ▬▬▬▬ ▬▬▬ ▬▬▬▬▬ ▬▬ ▬▬▬▬ ▬▬▬ ▬▬▬▬▬ ▬▬▬ ▬▬ ▬▬▬▬ ▬▬▬▬ ▬▬▬ ▬▬▬▬▬ ▬▬ ▬▬▬ ▬▬▬▬ ▬▬▬▬▬ ▬▬▬ ▬▬ ▬▬▬▬ ▬▬▬ ▬▬▬▬▬ ▬▬▬ ▬▬▬▬ ▬▬ ▬▬▬▬▬ ▬▬▬ ▬▬▬▬ ▬▬ ▬▬▬▬▬ ▬▬▬ ▬▬▬▬ ▬▬▬ ▬▬▬▬▬ ▬▬ ▬▬▬▬ ▬▬▬ ▬▬▬▬▬ ▬▬▬ ▬▬ ▬▬▬▬ ▬▬▬▬ ▬▬▬ ▬▬▬▬▬ ▬▬ ▬▬▬ ▬▬▬▬ ▬▬▬▬▬ ▬▬▬ ▬▬ ▬▬▬▬ ▬▬▬ ▬▬▬▬▬ ▬▬▬ ▬▬▬▬ ▬▬ ▬▬▬▬▬ ▬▬▬ ▬▬▬▬ ▬▬ ▬▬▬▬▬ ▬▬▬ ▬▬▬▬ ▬▬▬ ▬▬▬▬▬ ▬▬ ▬▬▬▬ ▬▬▬ ▬▬▬▬▬ ▬▬▬ ▬▬ ▬▬▬▬ ▬▬▬▬ ▬▬▬ ▬▬▬▬▬ ▬▬ ▬▬▬ ▬▬▬▬ ▬▬▬▬▬ ▬▬▬ ▬▬ ▬▬▬▬ ▬▬▬ ▬▬▬▬▬ ▬▬▬ ▬▬▬▬ ▬▬ ▬▬▬▬▬ ▬▬▬ ▬▬▬▬ ▬▬ ▬▬▬▬▬ ▬▬▬ ▬▬▬▬ ▬▬▬ ▬▬▬▬▬ ▬▬ ▬▬▬▬ ▬▬▬ ▬▬▬▬▬ ▬▬▬ ▬▬ ▬▬▬▬ ▬▬▬▬ ▬▬▬ ▬▬▬▬▬ ▬▬ ▬▬▬ ▬▬▬▬ ▬▬▬▬▬ ▬▬▬ ▬▬ ▬▬▬▬ ▬▬▬ ▬▬▬▬▬ ▬▬▬ ▬▬▬▬ ▬▬ ▬▬▬▬▬ ▬▬▬ ▬▬▬▬ ▬▬ ▬▬▬▬▬ ▬▬▬ ▬▬▬▬ ▬▬▬ ▬▬▬▬▬ ▬▬ ▬▬▬▬ ▬▬▬ ▬▬▬▬▬ ▬▬▬ ▬▬ ▬▬▬▬ ▬▬▬▬ ▬▬▬ ▬▬▬▬▬ ▬▬ ▬▬▬ ▬▬▬▬ ▬▬▬▬▬ ▬▬▬ ▬▬ ▬▬▬▬ ▬▬▬ ▬▬▬▬▬ ▬▬▬ ▬▬▬▬ ▬▬ ▬▬▬▬▬ ▬▬▬ ▬▬▬▬ ▬▬ ▬▬▬▬▬ ▬▬▬ ▬▬▬▬ ▬▬▬ ▬▬▬▬▬ ▬▬ ▬▬▬▬ ▬▬▬ ▬▬▬▬▬ ▬▬▬ ▬▬ ▬▬▬▬ ▬▬▬▬ ▬▬▬ ▬▬▬▬▬ ▬▬ ▬▬▬ ▬▬▬▬ ▬▬▬▬▬ ▬▬▬ ▬▬ ▬▬▬▬ ▬▬▬ ▬▬▬▬▬ ▬▬▬ ▬▬▬▬ ▬▬ ▬▬▬▬▬ ▬▬▬ ▬▬▬▬ ▬▬ ▬▬▬▬▬ ▬▬▬ ▬▬▬▬ ▬▬▬ ▬▬▬▬▬ ▬▬ ▬▬▬▬ ▬▬▬ ▬▬▬▬▬ ▬▬▬ ▬▬ ▬▬▬▬ ▬▬▬▬ ▬▬▬ ▬▬▬▬▬ ▬▬ ▬▬▬ ▬▬▬▬ ▬▬▬▬▬ ▬▬▬ ▬▬ ▬▬▬▬ ▬▬▬ ▬▬▬▬▬ ▬▬▬ ▬▬▬▬ ▬▬ ▬▬▬▬▬ ▬▬▬ ▬▬▬▬ ▬▬ ▬▬▬▬▬ ▬▬▬ ▬▬▬▬ ▬▬▬ ▬▬▬▬▬ ▬▬ ▬▬▬▬ ▬▬▬ ▬▬▬▬▬ ▬▬▬ ▬▬ ▬▬▬▬ ▬▬▬▬ ▬▬▬ ▬▬▬▬▬ ▬▬ ▬▬▬ ▬▬▬▬ ▬▬▬▬▬ ▬▬▬ ▬▬ ▬▬▬▬ ▬▬▬ ▬▬▬▬▬ ▬▬▬ ▬▬▬▬ ▬▬ ▬▬▬▬▬ ▬▬▬ ▬▬▬▬ ▬▬ ▬▬▬▬▬ ▬▬▬ ▬▬▬▬ ▬▬▬ ▬▬▬▬▬ ▬▬ ▬▬▬▬ ▬▬▬ ▬▬▬▬▬ ▬▬▬ ▬▬ ▬▬▬▬ ▬▬▬▬ ▬▬▬ ▬▬▬▬▬ ▬▬ ▬▬▬ ▬▬▬▬ ▬▬▬▬▬ ▬▬▬ ▬▬ ▬▬▬▬ ▬▬▬ ▬▬▬▬▬ ▬▬▬ ▬▬▬▬ ▬▬ ▬▬▬▬▬ ▬▬▬ ▬▬▬▬ ▬▬ ▬▬▬▬▬ ▬▬▬ ▬▬▬▬ ▬▬▬ ▬▬▬▬▬ ▬▬ ▬▬▬▬ ▬▬▬ ▬▬▬▬▬ ▬▬▬ ▬▬ ▬▬▬▬ ▬▬▬▬ ▬▬▬ ▬▬▬▬▬ ▬▬ ▬▬▬ ▬▬▬▬ ▬▬▬▬▬ ▬▬▬ ▬▬ ▬▬▬▬ ▬▬▬ ▬▬▬▬▬ ▬▬▬ ▬▬▬▬ ▬▬ ▬▬▬▬▬ ▬▬▬ ▬▬▬▬ ▬▬ ▬▬▬▬▬ ▬▬▬ ▬▬▬▬ ▬▬▬ ▬▬▬▬▬ ▬▬ ▬▬▬▬ ▬▬▬ ▬▬▬▬▬ ▬▬▬ ▬▬ ▬▬▬▬ ▬▬▬▬ ▬▬▬ ▬▬▬▬▬ ▬▬ ▬▬▬ ▬▬▬▬ ▬▬▬▬▬ ▬▬▬ ▬▬ ▬▬▬▬ ▬▬▬ ▬▬▬▬▬ ▬▬▬ ▬▬▬▬ ▬▬ ▬▬▬▬▬ ▬▬▬ ▬▬▬▬ ▬▬ ▬▬▬▬▬ ▬▬▬ ▬▬▬▬ ▬▬▬ ▬▬▬▬▬ ▬▬ ▬▬▬▬ ▬▬▬ ▬▬▬▬▬ ▬▬▬ ▬▬ ▬▬▬▬ ▬▬▬▬ ▬▬▬ ▬▬▬▬▬ ▬▬ ▬▬▬ ▬▬▬▬ ▬▬▬▬▬ ▬▬▬ ▬▬ ▬▬▬▬ ▬▬▬ ▬▬▬▬▬ ▬▬▬ ▬▬▬▬ ▬▬ ▬▬▬▬▬ ▬▬▬ ▬▬▬▬ ▬▬ ▬▬▬▬▬ ▬▬▬ ▬▬▬▬ ▬▬▬ ▬▬▬▬▬ ▬▬ ▬▬▬▬ ▬▬▬ ▬▬▬▬▬ ▬▬▬ ▬▬ ▬▬▬▬
KA 09 MB
ಕಾರಿನೊಂದಿಗೆ ಕೆ.ವಿಜಯಕುಮಾರ್
▬▬▬ ▬▬▬▬ ▬▬ ▬▬▬▬▬ ▬▬▬ ▬▬▬▬ ▬▬▬▬▬ ▬▬ ▬▬▬ ▬▬▬▬ ▬▬▬ ▬▬▬▬▬ ▬▬ ▬▬▬▬ ▬▬▬ ▬▬▬▬▬ ▬▬▬ ▬▬ ▬▬▬▬ ▬▬▬▬ ▬▬▬ ▬▬▬▬▬ ▬▬ ▬▬▬ ▬▬▬▬ ▬▬▬▬▬ ▬▬▬ ▬▬ ▬▬▬▬ ▬▬▬ ▬▬▬▬▬ ▬▬▬ ▬▬▬▬ ▬▬ ▬▬▬▬▬ ▬▬▬ ▬▬▬▬ ▬▬ ▬▬▬▬▬ ▬▬▬ ▬▬▬▬ ▬▬▬ ▬▬▬▬▬ ▬▬ ▬▬▬▬ ▬▬▬ ▬▬▬▬▬ ▬▬▬ ▬▬ ▬▬▬▬ ▬▬▬▬ ▬▬▬ ▬▬▬▬▬ ▬▬ ▬▬▬ ▬▬▬▬ ▬▬▬▬▬ ▬▬▬ ▬▬ ▬▬▬▬ ▬▬▬ ▬▬▬▬▬ ▬▬▬ ▬▬▬▬ ▬▬ ▬▬▬▬▬ ▬▬▬ ▬▬▬▬ ▬▬ ▬▬▬▬▬ ▬▬▬ ▬▬▬▬ ▬▬▬ ▬▬▬▬▬ ▬▬ ▬▬▬▬ ▬▬▬ ▬▬▬▬▬ ▬▬▬ ▬▬ ▬▬▬▬ ▬▬▬▬ ▬▬▬ ▬▬▬▬▬ ▬▬ ▬▬▬ ▬▬▬▬ ▬▬▬▬▬ ▬▬▬ ▬▬ ▬▬▬▬ ▬▬▬ ▬▬▬▬▬ ▬▬▬ ▬▬▬▬ ▬▬ ▬▬▬▬▬ ▬▬▬ ▬▬▬▬ ▬▬ ▬▬▬▬▬ ▬▬▬ ▬▬▬▬ ▬▬▬ ▬▬▬▬▬ ▬▬ ▬▬▬▬ ▬▬▬ ▬▬▬▬▬ ▬▬▬ ▬▬ ▬▬▬▬ ▬▬▬▬ ▬▬▬ ▬▬▬▬▬ ▬▬ ▬▬▬ ▬▬▬▬ ▬▬▬▬▬ ▬▬▬ ▬▬ ▬▬▬▬ ▬▬▬ ▬▬▬▬▬ ▬▬▬ ▬▬▬▬ ▬▬ ▬▬▬▬▬ ▬▬▬ ▬▬▬▬ ▬▬ ▬▬▬▬▬ ▬▬▬ ▬▬▬▬ ▬▬▬ ▬▬▬▬▬ ▬▬ ▬▬▬▬ ▬▬▬ ▬▬▬▬▬ ▬▬▬ ▬▬ ▬▬▬▬ ▬▬▬▬ ▬▬▬ ▬▬▬▬▬ ▬▬ ▬▬▬ ▬▬▬▬ ▬▬▬▬▬ ▬▬▬ ▬▬ ▬▬▬▬ ▬▬▬ ▬▬▬▬▬ ▬▬▬ ▬▬▬▬ ▬▬ ▬▬▬▬▬ ▬▬▬ ▬▬▬▬ ▬▬ ▬▬▬▬▬ ▬▬▬ ▬▬▬▬ ▬▬▬ ▬▬▬▬▬ ▬▬ ▬▬▬▬ ▬▬▬ ▬▬▬▬▬ ▬▬▬ ▬▬ ▬▬▬▬ ▬▬▬▬ ▬▬▬ ▬▬▬▬▬ ▬▬ ▬▬▬ ▬▬▬▬ ▬▬▬▬▬ ▬▬▬ ▬▬ ▬▬▬▬ ▬▬▬ ▬▬▬▬▬ ▬▬▬ ▬▬▬▬ ▬▬ ▬▬▬▬▬ ▬▬▬ ▬▬▬▬ ▬▬ ▬▬▬▬▬ ▬▬▬ ▬▬▬▬ ▬▬▬ ▬▬▬▬▬ ▬▬ ▬▬▬▬ ▬▬▬ ▬▬▬▬▬ ▬▬▬ ▬▬ ▬▬▬▬ ▬▬▬▬ ▬▬▬ ▬▬▬▬▬ ▬▬ ▬▬▬ ▬▬▬▬ ▬▬▬▬▬ ▬▬▬ ▬▬ ▬▬▬▬ ▬▬▬ ▬▬▬▬▬ ▬▬▬ ▬▬▬▬ ▬▬ ▬▬▬▬▬ ▬▬▬ ▬▬▬▬ ▬▬ ▬▬▬▬▬ ▬▬▬ ▬▬▬▬ ▬▬▬ ▬▬▬▬▬ ▬▬ ▬▬▬▬ ▬▬▬ ▬▬▬▬▬ ▬▬▬ ▬▬ ▬▬▬▬ ▬▬▬▬ ▬▬▬ ▬▬▬▬▬ ▬▬ ▬▬▬ ▬▬▬▬ ▬▬▬▬▬ ▬▬▬ ▬▬ ▬▬▬▬ ▬▬▬ ▬▬▬▬▬ ▬▬▬ ▬▬▬▬ ▬▬ ▬▬▬▬▬ ▬▬▬ ▬▬▬▬ ▬▬ ▬▬▬▬▬ ▬▬▬ ▬▬▬▬ ▬▬▬ ▬▬▬▬▬ ▬▬ ▬▬▬▬ ▬▬▬ ▬▬▬▬▬ ▬▬▬ ▬▬ ▬▬▬▬ ▬▬▬▬ ▬▬▬ ▬▬▬▬▬ ▬▬ ▬▬▬ ▬▬▬▬ ▬▬▬▬▬ ▬▬▬ ▬▬ ▬▬▬▬ ▬▬▬ ▬▬▬▬▬ ▬▬▬ ▬▬▬▬ ▬▬ ▬▬▬▬▬ ▬▬▬ ▬▬▬▬ ▬▬ ▬▬▬▬▬ ▬▬▬ ▬▬▬▬ ▬▬▬ ▬▬▬▬▬ ▬▬ ▬▬▬▬ ▬▬▬ ▬▬▬▬▬ ▬▬▬ ▬▬ ▬▬▬▬ ▬▬▬▬ ▬▬▬ ▬▬▬▬▬ ▬▬ ▬▬▬ ▬▬▬▬ ▬▬▬▬▬ ▬▬▬ ▬▬ ▬▬▬▬ ▬▬▬ ▬▬▬▬▬ ▬▬▬ ▬▬▬▬ ▬▬ ▬▬▬▬▬ ▬▬▬ ▬▬▬▬ ▬▬ ▬▬▬▬▬ ▬▬▬ ▬▬▬▬ ▬▬▬ ▬▬▬▬▬ ▬▬ ▬▬▬▬ ▬▬▬ ▬▬▬▬▬ ▬▬▬ ▬▬ ▬▬▬▬ ▬▬▬▬ ▬▬▬ ▬▬▬▬▬ ▬▬ ▬▬▬ ▬▬▬▬ ▬▬▬▬▬ ▬▬▬ ▬▬ ▬▬▬▬ ▬▬▬ ▬▬▬▬▬ ▬▬▬ ▬▬▬▬ ▬▬ ▬▬▬▬▬ ▬▬▬ ▬▬▬▬ ▬▬ ▬▬▬▬▬ ▬▬▬ ▬▬▬▬ ▬▬▬ ▬▬▬▬▬ ▬▬ ▬▬▬▬ ▬▬▬ ▬▬▬▬▬ ▬▬▬ ▬▬ ▬▬▬▬ ▬▬▬▬ ▬▬▬ ▬▬▬▬▬ ▬▬ ▬▬▬ ▬▬▬▬ ▬▬▬▬▬ ▬▬▬ ▬▬ ▬▬▬▬ ▬▬▬ ▬▬▬▬▬ ▬▬▬ ▬▬▬▬ ▬▬ ▬▬▬▬▬ ▬▬▬ ▬▬▬▬ ▬▬ ▬▬▬▬▬ ▬▬▬ ▬▬▬▬ ▬▬▬ ▬▬▬▬▬ ▬▬ ▬▬▬▬ ▬▬▬ ▬▬▬▬▬ ▬▬▬ ▬▬ ▬▬▬▬
▬▬▬ ▬▬▬▬ ▬▬ ▬▬▬▬▬ ▬▬▬ ▬▬▬▬ ▬▬▬▬▬ ▬▬ ▬▬▬ ▬▬▬▬ ▬▬▬ ▬▬▬▬▬ ▬▬ ▬▬▬▬ ▬▬▬ ▬▬▬▬▬ ▬▬▬ ▬▬ ▬▬▬▬ ▬▬▬▬ ▬▬▬ ▬▬▬▬▬ ▬▬ ▬▬▬ ▬▬▬▬ ▬▬▬▬▬ ▬▬▬ ▬▬ ▬▬▬▬ ▬▬▬ ▬▬▬▬▬ ▬▬▬ ▬▬▬▬ ▬▬ ▬▬▬▬▬ ▬▬▬ ▬▬▬▬ ▬▬ ▬▬▬▬▬ ▬▬▬ ▬▬▬▬ ▬▬▬ ▬▬▬▬▬ ▬▬ ▬▬▬▬ ▬▬▬ ▬▬▬▬▬ ▬▬▬ ▬▬ ▬▬▬▬ ▬▬▬▬ ▬▬▬ ▬▬▬▬▬ ▬▬ ▬▬▬ ▬▬▬▬ ▬▬▬▬▬ ▬▬▬ ▬▬ ▬▬▬▬ ▬▬▬ ▬▬▬▬▬ ▬▬▬ ▬▬▬▬ ▬▬ ▬▬▬▬▬ ▬▬▬ ▬▬▬▬ ▬▬ ▬▬▬▬▬ ▬▬▬ ▬▬▬▬ ▬▬▬ ▬▬▬▬▬ ▬▬ ▬▬▬▬ ▬▬▬ ▬▬▬▬▬ ▬▬▬ ▬▬ ▬▬▬▬ ▬▬▬▬ ▬▬▬ ▬▬▬▬▬ ▬▬ ▬▬▬ ▬▬▬▬ ▬▬▬▬▬ ▬▬▬ ▬▬ ▬▬▬▬ ▬▬▬ ▬▬▬▬▬ ▬▬▬ ▬▬▬▬ ▬▬ ▬▬▬▬▬ ▬▬▬ ▬▬▬▬ ▬▬ ▬▬▬▬▬ ▬▬▬ ▬▬▬▬ ▬▬▬ ▬▬▬▬▬ ▬▬ ▬▬▬▬ ▬▬▬ ▬▬▬▬▬ ▬▬▬ ▬▬ ▬▬▬▬ ▬▬▬▬ ▬▬▬ ▬▬▬▬▬ ▬▬ ▬▬▬ ▬▬▬▬ ▬▬▬▬▬ ▬▬▬ ▬▬ ▬▬▬▬ ▬▬▬ ▬▬▬▬▬ ▬▬▬ ▬▬▬▬ ▬▬ ▬▬▬▬▬ ▬▬▬ ▬▬▬▬ ▬▬ ▬▬▬▬▬ ▬▬▬ ▬▬▬▬ ▬▬▬ ▬▬▬▬▬ ▬▬ ▬▬▬▬ ▬▬▬ ▬▬▬▬▬ ▬▬▬ ▬▬ ▬▬▬▬ ▬▬▬▬ ▬▬▬ ▬▬▬▬▬ ▬▬ ▬▬▬ ▬▬▬▬ ▬▬▬▬▬ ▬▬▬ ▬▬ ▬▬▬▬ ▬▬▬ ▬▬▬▬▬ ▬▬▬ ▬▬▬▬ ▬▬ ▬▬▬▬▬ ▬▬▬ ▬▬▬▬ ▬▬ ▬▬▬▬▬ ▬▬▬ ▬▬▬▬ ▬▬▬ ▬▬▬▬▬ ▬▬ ▬▬▬▬ ▬▬▬ ▬▬▬▬▬ ▬▬▬ ▬▬ ▬▬▬▬ ▬▬▬▬ ▬▬▬ ▬▬▬▬▬ ▬▬ ▬▬▬ ▬▬▬▬ ▬▬▬▬▬ ▬▬▬ ▬▬ ▬▬▬▬ ▬▬▬ ▬▬▬▬▬ ▬▬▬ ▬▬▬▬ ▬▬ ▬▬▬▬▬ ▬▬▬ ▬▬▬▬ ▬▬ ▬▬▬▬▬ ▬▬▬ ▬▬▬▬ ▬▬▬ ▬▬▬▬▬ ▬▬ ▬▬▬▬ ▬▬▬ ▬▬▬▬▬ ▬▬▬ ▬▬ ▬▬▬▬ ▬▬▬▬ ▬▬▬ ▬▬▬▬▬ ▬▬ ▬▬▬ ▬▬▬▬ ▬▬▬▬▬ ▬▬▬ ▬▬ ▬▬▬▬ ▬▬▬ ▬▬▬▬▬ ▬▬▬ ▬▬▬▬ ▬▬ ▬▬▬▬▬ ▬▬▬ ▬▬▬▬ ▬▬ ▬▬▬▬▬ ▬▬▬ ▬▬▬▬ ▬▬▬ ▬▬▬▬▬ ▬▬ ▬▬▬▬ ▬▬▬ ▬▬▬▬▬ ▬▬▬ ▬▬ ▬▬▬▬ ▬▬▬▬ ▬▬▬ ▬▬▬▬▬ ▬▬ ▬▬▬ ▬▬▬▬ ▬▬▬▬▬ ▬▬▬ ▬▬ ▬▬▬▬ ▬▬▬ ▬▬▬▬▬ ▬▬▬ ▬▬▬▬ ▬▬ ▬▬▬▬▬ ▬▬▬ ▬▬▬▬ ▬▬ ▬▬▬▬▬ ▬▬▬ ▬▬▬▬ ▬▬▬ ▬▬▬▬▬ ▬▬ ▬▬▬▬ ▬▬▬ ▬▬▬▬▬ ▬▬▬ ▬▬ ▬▬▬▬ ▬▬▬▬ ▬▬▬ ▬▬▬▬▬ ▬▬ ▬▬▬ ▬▬▬▬ ▬▬▬▬▬ ▬▬▬ ▬▬ ▬▬▬▬ ▬▬▬ ▬▬▬▬▬ ▬▬▬ ▬▬▬▬ ▬▬ ▬▬▬▬▬ ▬▬▬ ▬▬▬▬ ▬▬ ▬▬▬▬▬ ▬▬▬ ▬▬▬▬ ▬▬▬ ▬▬▬▬▬ ▬▬ ▬▬▬▬ ▬▬▬ ▬▬▬▬▬ ▬▬▬ ▬▬ ▬▬▬▬ ▬▬▬▬ ▬▬▬ ▬▬▬▬▬ ▬▬ ▬▬▬ ▬▬▬▬ ▬▬▬▬▬ ▬▬▬ ▬▬ ▬▬▬▬ ▬▬▬ ▬▬▬▬▬ ▬▬▬ ▬▬▬▬ ▬▬ ▬▬▬▬▬ ▬▬▬ ▬▬▬▬ ▬▬ ▬▬▬▬▬ ▬▬▬ ▬▬▬▬ ▬▬▬ ▬▬▬▬▬ ▬▬ ▬▬▬▬ ▬▬▬ ▬▬▬▬▬ ▬▬▬ ▬▬ ▬▬▬▬ ▬▬▬▬ ▬▬▬ ▬▬▬▬▬ ▬▬ ▬▬▬ ▬▬▬▬ ▬▬▬▬▬ ▬▬▬ ▬▬ ▬▬▬▬ ▬▬▬ ▬▬▬▬▬ ▬▬▬ ▬▬▬▬ ▬▬ ▬▬▬▬▬ ▬▬▬ ▬▬▬▬ ▬▬ ▬▬▬▬▬ ▬▬▬ ▬▬▬▬ ▬▬▬ ▬▬▬▬▬ ▬▬ ▬▬▬▬ ▬▬▬ ▬▬▬▬▬ ▬▬▬ ▬▬ ▬▬▬▬ ▬▬▬▬ ▬▬▬ ▬▬▬▬▬ ▬▬ ▬▬▬ ▬▬▬▬ ▬▬▬▬▬ ▬▬▬ ▬▬ ▬▬▬▬ ▬▬▬ ▬▬▬▬▬ ▬▬▬ ▬▬▬▬ ▬▬ ▬▬▬▬▬ ▬▬▬ ▬▬▬▬ ▬▬ ▬▬▬▬▬ ▬▬▬ ▬▬▬▬ ▬▬▬ ▬▬▬▬▬ ▬▬ ▬▬▬▬ ▬▬▬ ▬▬▬▬▬ ▬▬▬ ▬▬ ▬▬▬▬
▬▬▬ ▬▬▬▬ ▬▬ ▬▬▬▬▬ ▬▬▬ ▬▬▬▬ ▬▬▬▬▬ ▬▬ ▬▬▬ ▬▬▬▬ ▬▬▬ ▬▬▬▬▬ ▬▬ ▬▬▬▬ ▬▬▬ ▬▬▬▬▬ ▬▬▬ ▬▬ ▬▬▬▬ ▬▬▬▬ ▬▬▬ ▬▬▬▬▬ ▬▬ ▬▬▬ ▬▬▬▬ ▬▬▬▬▬ ▬▬▬ ▬▬ ▬▬▬▬ ▬▬▬ ▬▬▬▬▬ ▬▬▬ ▬▬▬▬ ▬▬ ▬▬▬▬▬ ▬▬▬ ▬▬▬▬ ▬▬ ▬▬▬▬▬ ▬▬▬ ▬▬▬▬ ▬▬▬ ▬▬▬▬▬ ▬▬ ▬▬▬▬ ▬▬▬ ▬▬▬▬▬ ▬▬▬ ▬▬ ▬▬▬▬ ▬▬▬▬ ▬▬▬ ▬▬▬▬▬ ▬▬ ▬▬▬ ▬▬▬▬ ▬▬▬▬▬ ▬▬▬ ▬▬ ▬▬▬▬ ▬▬▬ ▬▬▬▬▬ ▬▬▬ ▬▬▬▬ ▬▬ ▬▬▬▬▬ ▬▬▬ ▬▬▬▬ ▬▬ ▬▬▬▬▬ ▬▬▬ ▬▬▬▬ ▬▬▬ ▬▬▬▬▬ ▬▬ ▬▬▬▬ ▬▬▬ ▬▬▬▬▬ ▬▬▬ ▬▬ ▬▬▬▬ ▬▬▬▬ ▬▬▬ ▬▬▬▬▬ ▬▬ ▬▬▬ ▬▬▬▬ ▬▬▬▬▬ ▬▬▬ ▬▬ ▬▬▬▬ ▬▬▬ ▬▬▬▬▬ ▬▬▬ ▬▬▬▬ ▬▬ ▬▬▬▬▬ ▬▬▬ ▬▬▬▬ ▬▬ ▬▬▬▬▬ ▬▬▬ ▬▬▬▬ ▬▬▬ ▬▬▬▬▬ ▬▬ ▬▬▬▬ ▬▬▬ ▬▬▬▬▬ ▬▬▬ ▬▬ ▬▬▬▬ ▬▬▬▬ ▬▬▬ ▬▬▬▬▬ ▬▬ ▬▬▬ ▬▬▬▬ ▬▬▬▬▬ ▬▬▬ ▬▬ ▬▬▬▬ ▬▬▬ ▬▬▬▬▬ ▬▬▬ ▬▬▬▬ ▬▬ ▬▬▬▬▬ ▬▬▬ ▬▬▬▬ ▬▬ ▬▬▬▬▬ ▬▬▬ ▬▬▬▬ ▬▬▬ ▬▬▬▬▬ ▬▬ ▬▬▬▬ ▬▬▬ ▬▬▬▬▬ ▬▬▬ ▬▬ ▬▬▬▬ ▬▬▬▬ ▬▬▬ ▬▬▬▬▬ ▬▬ ▬▬▬ ▬▬▬▬ ▬▬▬▬▬ ▬▬▬ ▬▬ ▬▬▬▬ ▬▬▬ ▬▬▬▬▬ ▬▬▬ ▬▬▬▬ ▬▬ ▬▬▬▬▬ ▬▬▬ ▬▬▬▬ ▬▬ ▬▬▬▬▬ ▬▬▬ ▬▬▬▬ ▬▬▬ ▬▬▬▬▬ ▬▬ ▬▬▬▬ ▬▬▬ ▬▬▬▬▬ ▬▬▬ ▬▬ ▬▬▬▬ ▬▬▬▬ ▬▬▬ ▬▬▬▬▬ ▬▬ ▬▬▬ ▬▬▬▬ ▬▬▬▬▬ ▬▬▬ ▬▬ ▬▬▬▬ ▬▬▬ ▬▬▬▬▬ ▬▬▬ ▬▬▬▬ ▬▬ ▬▬▬▬▬ ▬▬▬ ▬▬▬▬ ▬▬ ▬▬▬▬▬ ▬▬▬ ▬▬▬▬ ▬▬▬ ▬▬▬▬▬ ▬▬ ▬▬▬▬ ▬▬▬ ▬▬▬▬▬ ▬▬▬ ▬▬ ▬▬▬▬ ▬▬▬▬ ▬▬▬ ▬▬▬▬▬ ▬▬ ▬▬▬ ▬▬▬▬ ▬▬▬▬▬ ▬▬▬ ▬▬ ▬▬▬▬ ▬▬▬ ▬▬▬▬▬ ▬▬▬ ▬▬▬▬ ▬▬ ▬▬▬▬▬ ▬▬▬ ▬▬▬▬ ▬▬ ▬▬▬▬▬ ▬▬▬ ▬▬▬▬ ▬▬▬ ▬▬▬▬▬ ▬▬ ▬▬▬▬ ▬▬▬ ▬▬▬▬▬ ▬▬▬ ▬▬ ▬▬▬▬ ▬▬▬▬ ▬▬▬ ▬▬▬▬▬ ▬▬ ▬▬▬ ▬▬▬▬ ▬▬▬▬▬ ▬▬▬ ▬▬ ▬▬▬▬ ▬▬▬ ▬▬▬▬▬ ▬▬▬ ▬▬▬▬ ▬▬ ▬▬▬▬▬ ▬▬▬ ▬▬▬▬ ▬▬ ▬▬▬▬▬ ▬▬▬ ▬▬▬▬ ▬▬▬ ▬▬▬▬▬ ▬▬ ▬▬▬▬ ▬▬▬ ▬▬▬▬▬ ▬▬▬ ▬▬ ▬▬▬▬ ▬▬▬▬ ▬▬▬ ▬▬▬▬▬ ▬▬ ▬▬▬ ▬▬▬▬ ▬▬▬▬▬ ▬▬▬ ▬▬ ▬▬▬▬ ▬▬▬ ▬▬▬▬▬ ▬▬▬ ▬▬▬▬ ▬▬ ▬▬▬▬▬ ▬▬▬ ▬▬▬▬ ▬▬ ▬▬▬▬▬ ▬▬▬ ▬▬▬▬ ▬▬▬ ▬▬▬▬▬ ▬▬ ▬▬▬▬ ▬▬▬ ▬▬▬▬▬ ▬▬▬ ▬▬ ▬▬▬▬ ▬▬▬▬ ▬▬▬ ▬▬▬▬▬ ▬▬ ▬▬▬ ▬▬▬▬ ▬▬▬▬▬ ▬▬▬ ▬▬ ▬▬▬▬ ▬▬▬ ▬▬▬▬▬ ▬▬▬ ▬▬▬▬ ▬▬ ▬▬▬▬▬ ▬▬▬ ▬▬▬▬ ▬▬ ▬▬▬▬▬ ▬▬▬ ▬▬▬▬ ▬▬▬ ▬▬▬▬▬ ▬▬ ▬▬▬▬ ▬▬▬ ▬▬▬▬▬ ▬▬▬ ▬▬ ▬▬▬▬ ▬▬▬▬ ▬▬▬ ▬▬▬▬▬ ▬▬ ▬▬▬ ▬▬▬▬ ▬▬▬▬▬ ▬▬▬ ▬▬ ▬▬▬▬ ▬▬▬ ▬▬▬▬▬ ▬▬▬ ▬▬▬▬ ▬▬ ▬▬▬▬▬ ▬▬▬ ▬▬▬▬ ▬▬ ▬▬▬▬▬ ▬▬▬ ▬▬▬▬ ▬▬▬ ▬▬▬▬▬ ▬▬ ▬▬▬▬ ▬▬▬ ▬▬▬▬▬ ▬▬▬ ▬▬ ▬▬▬▬ ▬▬▬▬ ▬▬▬ ▬▬▬▬▬ ▬▬ ▬▬▬ ▬▬▬▬ ▬▬▬▬▬ ▬▬▬ ▬▬ ▬▬▬▬ ▬▬▬ ▬▬▬▬▬ ▬▬▬ ▬▬▬▬ ▬▬ ▬▬▬▬▬ ▬▬▬ ▬▬▬▬ ▬▬ ▬▬▬▬▬ ▬▬▬ ▬▬▬▬ ▬▬▬ ▬▬▬▬▬ ▬▬ ▬▬▬▬ ▬▬▬ ▬▬▬▬▬ ▬▬▬ ▬▬ ▬▬▬▬
ಅ.18, ಮೈಸೂರು ಕೊಡವ ಸಮಾಜದಲ್ಲಿ ಕಾವೇರಿ ಸಂಕ್ರಮಣ ಉತ್ಸವ
▬▬▬ ▬▬▬▬ ▬▬ ▬▬▬▬▬ ▬▬▬ ▬▬▬▬ ▬▬▬▬▬ ▬▬ ▬▬▬ ▬▬▬▬ ▬▬▬ ▬▬▬▬▬ ▬▬ ▬▬▬▬ ▬▬▬ ▬▬▬▬▬ ▬▬▬ ▬▬ ▬▬▬▬ ▬▬▬▬ ▬▬▬ ▬▬▬▬▬ ▬▬ ▬▬▬ ▬▬▬▬ ▬▬▬▬▬ ▬▬▬ ▬▬ ▬▬▬▬ ▬▬▬ ▬▬▬▬▬ ▬▬▬ ▬▬▬▬ ▬▬ ▬▬▬▬▬ ▬▬▬ ▬▬▬▬ ▬▬ ▬▬▬▬▬ ▬▬▬ ▬▬▬▬ ▬▬▬ ▬▬▬▬▬ ▬▬ ▬▬▬▬ ▬▬▬ ▬▬▬▬▬ ▬▬▬ ▬▬ ▬▬▬▬ ▬▬▬▬ ▬▬▬ ▬▬▬▬▬ ▬▬ ▬▬▬ ▬▬▬▬ ▬▬▬▬▬ ▬▬▬ ▬▬ ▬▬▬▬ ▬▬▬ ▬▬▬▬▬ ▬▬▬ ▬▬▬▬ ▬▬ ▬▬▬▬▬ ▬▬▬ ▬▬▬▬ ▬▬ ▬▬▬▬▬ ▬▬▬ ▬▬▬▬ ▬▬▬ ▬▬▬▬▬ ▬▬ ▬▬▬▬ ▬▬▬ ▬▬▬▬▬ ▬▬▬ ▬▬ ▬▬▬▬ ▬▬▬▬ ▬▬▬ ▬▬▬▬▬ ▬▬ ▬▬▬ ▬▬▬▬ ▬▬▬▬▬ ▬▬▬ ▬▬ ▬▬▬▬ ▬▬▬ ▬▬▬▬▬ ▬▬▬ ▬▬▬▬ ▬▬ ▬▬▬▬▬ ▬▬▬ ▬▬▬▬ ▬▬ ▬▬▬▬▬ ▬▬▬ ▬▬▬▬ ▬▬▬ ▬▬▬▬▬ ▬▬ ▬▬▬▬ ▬▬▬ ▬▬▬▬▬ ▬▬▬ ▬▬ ▬▬▬▬ ▬▬▬▬ ▬▬▬ ▬▬▬▬▬ ▬▬ ▬▬▬ ▬▬▬▬ ▬▬▬▬▬ ▬▬▬ ▬▬ ▬▬▬▬ ▬▬▬ ▬▬▬▬▬ ▬▬▬ ▬▬▬▬ ▬▬ ▬▬▬▬▬ ▬▬▬ ▬▬▬▬ ▬▬ ▬▬▬▬▬ ▬▬▬ ▬▬▬▬ ▬▬▬ ▬▬▬▬▬ ▬▬ ▬▬▬▬ ▬▬▬ ▬▬▬▬▬ ▬▬▬ ▬▬ ▬▬▬▬ ▬▬▬▬ ▬▬▬ ▬▬▬▬▬ ▬▬ ▬▬▬ ▬▬▬▬ ▬▬▬▬▬ ▬▬▬ ▬▬ ▬▬▬▬ ▬▬▬ ▬▬▬▬▬ ▬▬▬ ▬▬▬▬ ▬▬ ▬▬▬▬▬ ▬▬▬ ▬▬▬▬ ▬▬ ▬▬▬▬▬ ▬▬▬ ▬▬▬▬ ▬▬▬ ▬▬▬▬▬ ▬▬ ▬▬▬▬ ▬▬▬ ▬▬▬▬▬ ▬▬▬ ▬▬ ▬▬▬▬ ▬▬▬▬ ▬▬▬ ▬▬▬▬▬ ▬▬ ▬▬▬ ▬▬▬▬ ▬▬▬▬▬ ▬▬▬ ▬▬ ▬▬▬▬ ▬▬▬ ▬▬▬▬▬ ▬▬▬ ▬▬▬▬ ▬▬ ▬▬▬▬▬ ▬▬▬ ▬▬▬▬ ▬▬ ▬▬▬▬▬ ▬▬▬ ▬▬▬▬ ▬▬▬ ▬▬▬▬▬ ▬▬ ▬▬▬▬ ▬▬▬ ▬▬▬▬▬ ▬▬▬ ▬▬ ▬▬▬▬ ▬▬▬▬ ▬▬▬ ▬▬▬▬▬ ▬▬ ▬▬▬ ▬▬▬▬ ▬▬▬▬▬ ▬▬▬ ▬▬ ▬▬▬▬ ▬▬▬ ▬▬▬▬▬ ▬▬▬ ▬▬▬▬ ▬▬ ▬▬▬▬▬ ▬▬▬ ▬▬▬▬ ▬▬ ▬▬▬▬▬ ▬▬▬ ▬▬▬▬ ▬▬▬ ▬▬▬▬▬ ▬▬ ▬▬▬▬ ▬▬▬ ▬▬▬▬▬ ▬▬▬ ▬▬ ▬▬▬▬ ▬▬▬▬ ▬▬▬ ▬▬▬▬▬ ▬▬ ▬▬▬ ▬▬▬▬ ▬▬▬▬▬ ▬▬▬ ▬▬ ▬▬▬▬ ▬▬▬ ▬▬▬▬▬ ▬▬▬ ▬▬▬▬ ▬▬ ▬▬▬▬▬ ▬▬▬ ▬▬▬▬ ▬▬ ▬▬▬▬▬ ▬▬▬ ▬▬▬▬ ▬▬▬ ▬▬▬▬▬ ▬▬ ▬▬▬▬ ▬▬▬ ▬▬▬▬▬ ▬▬▬ ▬▬ ▬▬▬▬ ▬▬▬▬ ▬▬▬ ▬▬▬▬▬ ▬▬ ▬▬▬ ▬▬▬▬ ▬▬▬▬▬ ▬▬▬ ▬▬ ▬▬▬▬ ▬▬▬ ▬▬▬▬▬ ▬▬▬ ▬▬▬▬ ▬▬ ▬▬▬▬▬ ▬▬▬ ▬▬▬▬ ▬▬ ▬▬▬▬▬ ▬▬▬ ▬▬▬▬ ▬▬▬ ▬▬▬▬▬ ▬▬ ▬▬▬▬ ▬▬▬ ▬▬▬▬▬ ▬▬▬ ▬▬ ▬▬▬▬ ▬▬▬▬ ▬▬▬ ▬▬▬▬▬ ▬▬ ▬▬▬ ▬▬▬▬ ▬▬▬▬▬ ▬▬▬ ▬▬ ▬▬▬▬ ▬▬▬ ▬▬▬▬▬ ▬▬▬ ▬▬▬▬ ▬▬ ▬▬▬▬▬ ▬▬▬ ▬▬▬▬ ▬▬ ▬▬▬▬▬ ▬▬▬ ▬▬▬▬ ▬▬▬ ▬▬▬▬▬ ▬▬ ▬▬▬▬ ▬▬▬ ▬▬▬▬▬ ▬▬▬ ▬▬ ▬▬▬▬ ▬▬▬▬ ▬▬▬ ▬▬▬▬▬ ▬▬ ▬▬▬ ▬▬▬▬ ▬▬▬▬▬ ▬▬▬ ▬▬ ▬▬▬▬ ▬▬▬ ▬▬▬▬▬ ▬▬▬ ▬▬▬▬ ▬▬ ▬▬▬▬▬ ▬▬▬ ▬▬▬▬ ▬▬ ▬▬▬▬▬ ▬▬▬ ▬▬▬▬ ▬▬▬ ▬▬▬▬▬ ▬▬ ▬▬▬▬ ▬▬▬ ▬▬▬▬▬ ▬▬▬ ▬▬ ▬▬▬▬ ▬▬▬▬ ▬▬▬ ▬▬▬▬▬ ▬▬ ▬▬▬ ▬▬▬▬ ▬▬▬▬▬ ▬▬▬ ▬▬ ▬▬▬▬ ▬▬▬ ▬▬▬▬▬ ▬▬▬ ▬▬▬▬ ▬▬ ▬▬▬▬▬ ▬▬▬ ▬▬▬▬ ▬▬ ▬▬▬▬▬ ▬▬▬ ▬▬▬▬ ▬▬▬ ▬▬▬▬▬ ▬▬ ▬▬▬▬ ▬▬▬ ▬▬▬▬▬ ▬▬▬ ▬▬ ▬▬▬▬	ಸಂಸ್ಥೆಗಳು-ಸಮೃದ್ಧಿ ಅಧ್ಯಯನಕ್ಕಾಗಿ ಮೂವರಿಗೆ ಆರ್ಥಿಕ ನೊಬೆಲ್ ಪ್ರಶಸ್ತಿ
▬▬▬ ▬▬▬▬ ▬▬ ▬▬▬▬▬ ▬▬▬ ▬▬▬▬ ▬▬▬▬▬ ▬▬ ▬▬▬ ▬▬▬▬ ▬▬▬ ▬▬▬▬▬ ▬▬ ▬▬▬▬ ▬▬▬ ▬▬▬▬▬ ▬▬▬ ▬▬ ▬▬▬▬ ▬▬▬▬ ▬▬▬ ▬▬▬▬▬ ▬▬ ▬▬▬ ▬▬▬▬ ▬▬▬▬▬ ▬▬▬ ▬▬ ▬▬▬▬ ▬▬▬ ▬▬▬▬▬ ▬▬▬ ▬▬▬▬ ▬▬ ▬▬▬▬▬ ▬▬▬ ▬▬▬▬ ▬▬ ▬▬▬▬▬ ▬▬▬ ▬▬▬▬ ▬▬▬ ▬▬▬▬▬ ▬▬ ▬▬▬▬ ▬▬▬ ▬▬▬▬▬ ▬▬▬ ▬▬ ▬▬▬▬ ▬▬▬▬ ▬▬▬ ▬▬▬▬▬ ▬▬ ▬▬▬ ▬▬▬▬ ▬▬▬▬▬ ▬▬▬ ▬▬ ▬▬▬▬ ▬▬▬ ▬▬▬▬▬ ▬▬▬ ▬▬▬▬ ▬▬ ▬▬▬▬▬ ▬▬▬ ▬▬▬▬ ▬▬ ▬▬▬▬▬ ▬▬▬ ▬▬▬▬ ▬▬▬ ▬▬▬▬▬ ▬▬ ▬▬▬▬ ▬▬▬ ▬▬▬▬▬ ▬▬▬ ▬▬ ▬▬▬▬ ▬▬▬▬ ▬▬▬ ▬▬▬▬▬ ▬▬ ▬▬▬ ▬▬▬▬ ▬▬▬▬▬ ▬▬▬ ▬▬ ▬▬▬▬ ▬▬▬ ▬▬▬▬▬ ▬▬▬ ▬▬▬▬ ▬▬ ▬▬▬▬▬ ▬▬▬ ▬▬▬▬ ▬▬ ▬▬▬▬▬ ▬▬▬ ▬▬▬▬ ▬▬▬ ▬▬▬▬▬ ▬▬ ▬▬▬▬ ▬▬▬ ▬▬▬▬▬ ▬▬▬ ▬▬ ▬▬▬▬ ▬▬▬▬ ▬▬▬ ▬▬▬▬▬ ▬▬ ▬▬▬ ▬▬▬▬ ▬▬▬▬▬ ▬▬▬ ▬▬ ▬▬▬▬ ▬▬▬ ▬▬▬▬▬ ▬▬▬ ▬▬▬▬ ▬▬ ▬▬▬▬▬ ▬▬▬ ▬▬▬▬ ▬▬ ▬▬▬▬▬ ▬▬▬ ▬▬▬▬ ▬▬▬ ▬▬▬▬▬ ▬▬ ▬▬▬▬ ▬▬▬ ▬▬▬▬▬ ▬▬▬ ▬▬ ▬▬▬▬ ▬▬▬▬ ▬▬▬ ▬▬▬▬▬ ▬▬ ▬▬▬ ▬▬▬▬ ▬▬▬▬▬ ▬▬▬ ▬▬ ▬▬▬▬ ▬▬▬ ▬▬▬▬▬ ▬▬▬ ▬▬▬▬ ▬▬ ▬▬▬▬▬ ▬▬▬ ▬▬▬▬ ▬▬ ▬▬▬▬▬ ▬▬▬ ▬▬▬▬ ▬▬▬ ▬▬▬▬▬ ▬▬ ▬▬▬▬ ▬▬▬ ▬▬▬▬▬ ▬▬▬ ▬▬ ▬▬▬▬ ▬▬▬▬ ▬▬▬ ▬▬▬▬▬ ▬▬ ▬▬▬ ▬▬▬▬ ▬▬▬▬▬ ▬▬▬ ▬▬ ▬▬▬▬ ▬▬▬ ▬▬▬▬▬ ▬▬▬ ▬▬▬▬ ▬▬ ▬▬▬▬▬ ▬▬▬ ▬▬▬▬ ▬▬ ▬▬▬▬▬ ▬▬▬ ▬▬▬▬ ▬▬▬ ▬▬▬▬▬ ▬▬ ▬▬▬▬ ▬▬▬ ▬▬▬▬▬ ▬▬▬ ▬▬ ▬▬▬▬ ▬▬▬▬ ▬▬▬ ▬▬▬▬▬ ▬▬ ▬▬▬ ▬▬▬▬ ▬▬▬▬▬ ▬▬▬ ▬▬ ▬▬▬▬ ▬▬▬ ▬▬▬▬▬ ▬▬▬ ▬▬▬▬ ▬▬ ▬▬▬▬▬ ▬▬▬ ▬▬▬▬ ▬▬ ▬▬▬▬▬ ▬▬▬ ▬▬▬▬ ▬▬▬ ▬▬▬▬▬ ▬▬ ▬▬▬▬ ▬▬▬ ▬▬▬▬▬ ▬▬▬ ▬▬ ▬▬▬▬ ▬▬▬▬ ▬▬▬ ▬▬▬▬▬ ▬▬ ▬▬▬ ▬▬▬▬ ▬▬▬▬▬ ▬▬▬ ▬▬ ▬▬▬▬ ▬▬▬ ▬▬▬▬▬ ▬▬▬ ▬▬▬▬ ▬▬ ▬▬▬▬▬ ▬▬▬ ▬▬▬▬ ▬▬ ▬▬▬▬▬ ▬▬▬ ▬▬▬▬ ▬▬▬ ▬▬▬▬▬ ▬▬ ▬▬▬▬ ▬▬▬ ▬▬▬▬▬ ▬▬▬ ▬▬ ▬▬▬▬ ▬▬▬▬ ▬▬▬ ▬▬▬▬▬ ▬▬ ▬▬▬ ▬▬▬▬ ▬▬▬▬▬ ▬▬▬ ▬▬ ▬▬▬▬ ▬▬▬ ▬▬▬▬▬ ▬▬▬ ▬▬▬▬ ▬▬ ▬▬▬▬▬ ▬▬▬ ▬▬▬▬ ▬▬ ▬▬▬▬▬ ▬▬▬ ▬▬▬▬ ▬▬▬ ▬▬▬▬▬ ▬▬ ▬▬▬▬ ▬▬▬ ▬▬▬▬▬ ▬▬▬ ▬▬ ▬▬▬▬ ▬▬▬▬ ▬▬▬ ▬▬▬▬▬ ▬▬ ▬▬▬ ▬▬▬▬ ▬▬▬▬▬ ▬▬▬ ▬▬ ▬▬▬▬ ▬▬▬ ▬▬▬▬▬ ▬▬▬ ▬▬▬▬ ▬▬ ▬▬▬▬▬ ▬▬▬ ▬▬▬▬ ▬▬ ▬▬▬▬▬ ▬▬▬ ▬▬▬▬ ▬▬▬ ▬▬▬▬▬ ▬▬ ▬▬▬▬ ▬▬▬ ▬▬▬▬▬ ▬▬▬ ▬▬ ▬▬▬▬ ▬▬▬▬ ▬▬▬ ▬▬▬▬▬ ▬▬ ▬▬▬ ▬▬▬▬ ▬▬▬▬▬ ▬▬▬ ▬▬ ▬▬▬▬ ▬▬▬ ▬▬▬▬▬ ▬▬▬ ▬▬▬▬ ▬▬ ▬▬▬▬▬ ▬▬▬ ▬▬▬▬ ▬▬ ▬▬▬▬▬ ▬▬▬ ▬▬▬▬ ▬▬▬ ▬▬▬▬▬ ▬▬ ▬▬▬▬ ▬▬▬ ▬▬▬▬▬ ▬▬▬ ▬▬ ▬▬▬▬ ▬▬▬▬ ▬▬▬ ▬▬▬▬▬ ▬▬ ▬▬▬ ▬▬▬▬ ▬▬▬▬▬ ▬▬▬ ▬▬ ▬▬▬▬ ▬▬▬ ▬▬▬▬▬ ▬▬▬ ▬▬▬▬ ▬▬ ▬▬▬▬▬ ▬▬▬ ▬▬▬▬ ▬▬ ▬▬▬▬▬ ▬▬▬ ▬▬▬▬ ▬▬▬ ▬▬▬▬▬ ▬▬ ▬▬▬▬ ▬▬▬ ▬▬▬▬▬ ▬▬▬ ▬▬ ▬▬▬▬
▬▬▬ ▬▬▬▬ ▬▬ ▬▬▬▬▬ ▬▬▬ ▬▬▬▬ ▬▬▬▬▬ ▬▬ ▬▬▬ ▬▬▬▬ ▬▬▬ ▬▬▬▬▬ ▬▬ ▬▬▬▬ ▬▬▬ ▬▬▬▬▬ ▬▬▬ ▬▬ ▬▬▬▬ ▬▬▬▬ ▬▬▬ ▬▬▬▬▬ ▬▬ ▬▬▬ ▬▬▬▬ ▬▬▬▬▬ ▬▬▬ ▬▬ ▬▬▬▬ ▬▬▬ ▬▬▬▬▬ ▬▬▬ ▬▬▬▬ ▬▬ ▬▬▬▬▬ ▬▬▬ ▬▬▬▬ ▬▬ ▬▬▬▬▬ ▬▬▬ ▬▬▬▬ ▬▬▬ ▬▬▬▬▬ ▬▬ ▬▬▬▬ ▬▬▬ ▬▬▬▬▬ ▬▬▬ ▬▬ ▬▬▬▬ ▬▬▬▬ ▬▬▬ ▬▬▬▬▬ ▬▬ ▬▬▬ ▬▬▬▬ ▬▬▬▬▬ ▬▬▬ ▬▬ ▬▬▬▬ ▬▬▬ ▬▬▬▬▬ ▬▬▬ ▬▬▬▬ ▬▬ ▬▬▬▬▬ ▬▬▬ ▬▬▬▬ ▬▬ ▬▬▬▬▬ ▬▬▬ ▬▬▬▬ ▬▬▬ ▬▬▬▬▬ ▬▬ ▬▬▬▬ ▬▬▬ ▬▬▬▬▬ ▬▬▬ ▬▬ ▬▬▬▬ ▬▬▬▬ ▬▬▬ ▬▬▬▬▬ ▬▬ ▬▬▬ ▬▬▬▬ ▬▬▬▬▬ ▬▬▬ ▬▬ ▬▬▬▬ ▬▬▬ ▬▬▬▬▬ ▬▬▬ ▬▬▬▬ ▬▬ ▬▬▬▬▬ ▬▬▬ ▬▬▬▬ ▬▬ ▬▬▬▬▬ ▬▬▬ ▬▬▬▬ ▬▬▬ ▬▬▬▬▬ ▬▬ ▬▬▬▬ ▬▬▬ ▬▬▬▬▬ ▬▬▬ ▬▬ ▬▬▬▬ ▬▬▬▬ ▬▬▬ ▬▬▬▬▬ ▬▬ ▬▬▬ ▬▬▬▬ ▬▬▬▬▬ ▬▬▬ ▬▬ ▬▬▬▬ ▬▬▬ ▬▬▬▬▬ ▬▬▬ ▬▬▬▬ ▬▬ ▬▬▬▬▬ ▬▬▬ ▬▬▬▬ ▬▬ ▬▬▬▬▬ ▬▬▬ ▬▬▬▬ ▬▬▬ ▬▬▬▬▬ ▬▬ ▬▬▬▬ ▬▬▬ ▬▬▬▬▬ ▬▬▬ ▬▬ ▬▬▬▬ ▬▬▬▬ ▬▬▬ ▬▬▬▬▬ ▬▬ ▬▬▬ ▬▬▬▬ ▬▬▬▬▬ ▬▬▬ ▬▬ ▬▬▬▬ ▬▬▬ ▬▬▬▬▬ ▬▬▬ ▬▬▬▬ ▬▬ ▬▬▬▬▬ ▬▬▬ ▬▬▬▬ ▬▬ ▬▬▬▬▬ ▬▬▬ ▬▬▬▬ ▬▬▬ ▬▬▬▬▬ ▬▬ ▬▬▬▬ ▬▬▬ ▬▬▬▬▬ ▬▬▬ ▬▬ ▬▬▬▬ ▬▬▬▬ ▬▬▬ ▬▬▬▬▬ ▬▬ ▬▬▬ ▬▬▬▬ ▬▬▬▬▬ ▬▬▬ ▬▬ ▬▬▬▬ ▬▬▬ ▬▬▬▬▬ ▬▬▬ ▬▬▬▬ ▬▬ ▬▬▬▬▬ ▬▬▬ ▬▬▬▬ ▬▬ ▬▬▬▬▬ ▬▬▬ ▬▬▬▬ ▬▬▬ ▬▬▬▬▬ ▬▬ ▬▬▬▬ ▬▬▬ ▬▬▬▬▬ ▬▬▬ ▬▬ ▬▬▬▬ ▬▬▬▬ ▬▬▬ ▬▬▬▬▬ ▬▬ ▬▬▬ ▬▬▬▬ ▬▬▬▬▬ ▬▬▬ ▬▬ ▬▬▬▬ ▬▬▬ ▬▬▬▬▬ ▬▬▬ ▬▬▬▬ ▬▬ ▬▬▬▬▬ ▬▬▬ ▬▬▬▬ ▬▬ ▬▬▬▬▬ ▬▬▬ ▬▬▬▬ ▬▬▬ ▬▬▬▬▬ ▬▬ ▬▬▬▬ ▬▬▬ ▬▬▬▬▬ ▬▬▬ ▬▬ ▬▬▬▬ ▬▬▬▬ ▬▬▬ ▬▬▬▬▬ ▬▬ ▬▬▬ ▬▬▬▬ ▬▬▬▬▬ ▬▬▬ ▬▬ ▬▬▬▬ ▬▬▬ ▬▬▬▬▬ ▬▬▬ ▬▬▬▬ ▬▬ ▬▬▬▬▬ ▬▬▬ ▬▬▬▬ ▬▬ ▬▬▬▬▬ ▬▬▬ ▬▬▬▬ ▬▬▬ ▬▬▬▬▬ ▬▬ ▬▬▬▬ ▬▬▬ ▬▬▬▬▬ ▬▬▬ ▬▬ ▬▬▬▬ ▬▬▬▬ ▬▬▬ ▬▬▬▬▬ ▬▬ ▬▬▬ ▬▬▬▬ ▬▬▬▬▬ ▬▬▬ ▬▬ ▬▬▬▬ ▬▬▬ ▬▬▬▬▬ ▬▬▬ ▬▬▬▬ ▬▬ ▬▬▬▬▬ ▬▬▬ ▬▬▬▬ ▬▬ ▬▬▬▬▬ ▬▬▬ ▬▬▬▬ ▬▬▬ ▬▬▬▬▬ ▬▬ ▬▬▬▬ ▬▬▬ ▬▬▬▬▬ ▬▬▬ ▬▬ ▬▬▬▬ ▬▬▬▬ ▬▬▬ ▬▬▬▬▬ ▬▬ ▬▬▬ ▬▬▬▬ ▬▬▬▬▬ ▬▬▬ ▬▬ ▬▬▬▬ ▬▬▬ ▬▬▬▬▬ ▬▬▬ ▬▬▬▬ ▬▬ ▬▬▬▬▬ ▬▬▬ ▬▬▬▬ ▬▬ ▬▬▬▬▬ ▬▬▬ ▬▬▬▬ ▬▬▬ ▬▬▬▬▬ ▬▬ ▬▬▬▬ ▬▬▬ ▬▬▬▬▬ ▬▬▬ ▬▬ ▬▬▬▬ ▬▬▬▬ ▬▬▬ ▬▬▬▬▬ ▬▬ ▬▬▬ ▬▬▬▬ ▬▬▬▬▬ ▬▬▬ ▬▬ ▬▬▬▬ ▬▬▬ ▬▬▬▬▬ ▬▬▬ ▬▬▬▬ ▬▬ ▬▬▬▬▬ ▬▬▬ ▬▬▬▬ ▬▬ ▬▬▬▬▬ ▬▬▬ ▬▬▬▬ ▬▬▬ ▬▬▬▬▬ ▬▬ ▬▬▬▬ ▬▬▬ ▬▬▬▬▬ ▬▬▬ ▬▬ ▬▬▬▬ ▬▬▬▬ ▬▬▬ ▬▬▬▬▬ ▬▬ ▬▬▬ ▬▬▬▬ ▬▬▬▬▬ ▬▬▬ ▬▬ ▬▬▬▬ ▬▬▬ ▬▬▬▬▬ ▬▬▬ ▬▬▬▬ ▬▬ ▬▬▬▬▬ ▬▬▬ ▬▬▬▬ ▬▬ ▬▬▬▬▬ ▬▬▬ ▬▬▬▬ ▬▬▬ ▬▬▬▬▬ ▬▬ ▬▬▬▬ ▬▬▬ ▬▬▬▬▬ ▬▬▬ ▬▬ ▬▬▬▬
ಅ.26, 27ರಂದು ಮೈಸೂರಲ್ಲಿ ರಾಜ್ಯ ಮಟ್ಟದ ಕಾರ್ಮಿಕ ಸಮ್ಮೇಳನ
▬▬▬ ▬▬▬▬ ▬▬ ▬▬▬▬▬ ▬▬▬ ▬▬▬▬ ▬▬▬▬▬ ▬▬ ▬▬▬ ▬▬▬▬ ▬▬▬ ▬▬▬▬▬ ▬▬ ▬▬▬▬ ▬▬▬ ▬▬▬▬▬ ▬▬▬ ▬▬ ▬▬▬▬ ▬▬▬▬ ▬▬▬ ▬▬▬▬▬ ▬▬ ▬▬▬ ▬▬▬▬ ▬▬▬▬▬ ▬▬▬ ▬▬ ▬▬▬▬ ▬▬▬ ▬▬▬▬▬ ▬▬▬ ▬▬▬▬ ▬▬ ▬▬▬▬▬ ▬▬▬ ▬▬▬▬ ▬▬ ▬▬▬▬▬ ▬▬▬ ▬▬▬▬ ▬▬▬ ▬▬▬▬▬ ▬▬ ▬▬▬▬ ▬▬▬ ▬▬▬▬▬ ▬▬▬ ▬▬ ▬▬▬▬ ▬▬▬▬ ▬▬▬ ▬▬▬▬▬ ▬▬ ▬▬▬ ▬▬▬▬ ▬▬▬▬▬ ▬▬▬ ▬▬ ▬▬▬▬ ▬▬▬ ▬▬▬▬▬ ▬▬▬ ▬▬▬▬ ▬▬ ▬▬▬▬▬ ▬▬▬ ▬▬▬▬ ▬▬ ▬▬▬▬▬ ▬▬▬ ▬▬▬▬ ▬▬▬ ▬▬▬▬▬ ▬▬ ▬▬▬▬ ▬▬▬ ▬▬▬▬▬ ▬▬▬ ▬▬ ▬▬▬▬ ▬▬▬▬ ▬▬▬ ▬▬▬▬▬ ▬▬ ▬▬▬ ▬▬▬▬ ▬▬▬▬▬ ▬▬▬ ▬▬ ▬▬▬▬ ▬▬▬ ▬▬▬▬▬ ▬▬▬ ▬▬▬▬ ▬▬ ▬▬▬▬▬ ▬▬▬ ▬▬▬▬ ▬▬ ▬▬▬▬▬ ▬▬▬ ▬▬▬▬ ▬▬▬ ▬▬▬▬▬ ▬▬ ▬▬▬▬ ▬▬▬ ▬▬▬▬▬ ▬▬▬ ▬▬ ▬▬▬▬ ▬▬▬▬ ▬▬▬ ▬▬▬▬▬ ▬▬ ▬▬▬ ▬▬▬▬ ▬▬▬▬▬ ▬▬▬ ▬▬ ▬▬▬▬ ▬▬▬ ▬▬▬▬▬ ▬▬▬ ▬▬▬▬ ▬▬ ▬▬▬▬▬ ▬▬▬ ▬▬▬▬ ▬▬ ▬▬▬▬▬ ▬▬▬ ▬▬▬▬ ▬▬▬ ▬▬▬▬▬ ▬▬ ▬▬▬▬ ▬▬▬ ▬▬▬▬▬ ▬▬▬ ▬▬ ▬▬▬▬ ▬▬▬▬ ▬▬▬ ▬▬▬▬▬ ▬▬ ▬▬▬ ▬▬▬▬ ▬▬▬▬▬ ▬▬▬ ▬▬ ▬▬▬▬ ▬▬▬ ▬▬▬▬▬ ▬▬▬ ▬▬▬▬ ▬▬ ▬▬▬▬▬ ▬▬▬ ▬▬▬▬ ▬▬ ▬▬▬▬▬ ▬▬▬ ▬▬▬▬ ▬▬▬ ▬▬▬▬▬ ▬▬ ▬▬▬▬ ▬▬▬ ▬▬▬▬▬ ▬▬▬ ▬▬ ▬▬▬▬ ▬▬▬▬ ▬▬▬ ▬▬▬▬▬ ▬▬ ▬▬▬ ▬▬▬▬ ▬▬▬▬▬ ▬▬▬ ▬▬ ▬▬▬▬ ▬▬▬ ▬▬▬▬▬ ▬▬▬ ▬▬▬▬ ▬▬ ▬▬▬▬▬ ▬▬▬ ▬▬▬▬ ▬▬ ▬▬▬▬▬ ▬▬▬ ▬▬▬▬ ▬▬▬ ▬▬▬▬▬ ▬▬ ▬▬▬▬ ▬▬▬ ▬▬▬▬▬ ▬▬▬ ▬▬ ▬▬▬▬ ▬▬▬▬ ▬▬▬ ▬▬▬▬▬ ▬▬ ▬▬▬ ▬▬▬▬ ▬▬▬▬▬ ▬▬▬ ▬▬ ▬▬▬▬ ▬▬▬ ▬▬▬▬▬ ▬▬▬ ▬▬▬▬ ▬▬ ▬▬▬▬▬ ▬▬▬ ▬▬▬▬ ▬▬ ▬▬▬▬▬ ▬▬▬ ▬▬▬▬ ▬▬▬ ▬▬▬▬▬ ▬▬ ▬▬▬▬ ▬▬▬ ▬▬▬▬▬ ▬▬▬ ▬▬ ▬▬▬▬ ▬▬▬▬ ▬▬▬ ▬▬▬▬▬ ▬▬ ▬▬▬ ▬▬▬▬ ▬▬▬▬▬ ▬▬▬ ▬▬ ▬▬▬▬ ▬▬▬ ▬▬▬▬▬ ▬▬▬ ▬▬▬▬ ▬▬ ▬▬▬▬▬ ▬▬▬ ▬▬▬▬ ▬▬ ▬▬▬▬▬ ▬▬▬ ▬▬▬▬ ▬▬▬ ▬▬▬▬▬ ▬▬ ▬▬▬▬ ▬▬▬ ▬▬▬▬▬ ▬▬▬ ▬▬ ▬▬▬▬ ▬▬▬▬ ▬▬▬ ▬▬▬▬▬ ▬▬ ▬▬▬ ▬▬▬▬ ▬▬▬▬▬ ▬▬▬ ▬▬ ▬▬▬▬ ▬▬▬ ▬▬▬▬▬ ▬▬▬ ▬▬▬▬ ▬▬ ▬▬▬▬▬ ▬▬▬ ▬▬▬▬ ▬▬ ▬▬▬▬▬ ▬▬▬ ▬▬▬▬ ▬▬▬ ▬▬▬▬▬ ▬▬ ▬▬▬▬ ▬▬▬ ▬▬▬▬▬ ▬▬▬ ▬▬ ▬▬▬▬ ▬▬▬▬ ▬▬▬ ▬▬▬▬▬ ▬▬ ▬▬▬ ▬▬▬▬ ▬▬▬▬▬ ▬▬▬ ▬▬ ▬▬▬▬ ▬▬▬ ▬▬▬▬▬ ▬▬▬ ▬▬▬▬ ▬▬ ▬▬▬▬▬ ▬▬▬ ▬▬▬▬ ▬▬ ▬▬▬▬▬ ▬▬▬ ▬▬▬▬ ▬▬▬ ▬▬▬▬▬ ▬▬ ▬▬▬▬ ▬▬▬ ▬▬▬▬▬ ▬▬▬ ▬▬ ▬▬▬▬ ▬▬▬▬ ▬▬▬ ▬▬▬▬▬ ▬▬ ▬▬▬ ▬▬▬▬ ▬▬▬▬▬ ▬▬▬ ▬▬ ▬▬▬▬ ▬▬▬ ▬▬▬▬▬ ▬▬▬ ▬▬▬▬ ▬▬ ▬▬▬▬▬ ▬▬▬ ▬▬▬▬ ▬▬ ▬▬▬▬▬ ▬▬▬ ▬▬▬▬ ▬▬▬ ▬▬▬▬▬ ▬▬ ▬▬▬▬ ▬▬▬ ▬▬▬▬▬ ▬▬▬ ▬▬ ▬▬▬▬ ▬▬▬▬ ▬▬▬ ▬▬▬▬▬ ▬▬ ▬▬▬ ▬▬▬▬ ▬▬▬▬▬ ▬▬▬ ▬▬ ▬▬▬▬ ▬▬▬ ▬▬▬▬▬ ▬▬▬ ▬▬▬▬ ▬▬ ▬▬▬▬▬ ▬▬▬ ▬▬▬▬ ▬▬ ▬▬▬▬▬ ▬▬▬ ▬▬▬▬ ▬▬▬ ▬▬▬▬▬ ▬▬ ▬▬▬▬ ▬▬▬ ▬▬▬▬▬ ▬▬▬ ▬▬ ▬▬▬▬
▬▬▬ ▬▬▬▬ ▬▬ ▬▬▬▬▬ ▬▬▬ ▬▬▬▬ ▬▬▬▬▬ ▬▬ ▬▬▬ ▬▬▬▬ ▬▬▬ ▬▬▬▬▬ ▬▬ ▬▬▬▬ ▬▬▬ ▬▬▬▬▬ ▬▬▬ ▬▬ ▬▬▬▬ ▬▬▬▬ ▬▬▬ ▬▬▬▬▬ ▬▬ ▬▬▬ ▬▬▬▬ ▬▬▬▬▬ ▬▬▬ ▬▬ ▬▬▬▬ ▬▬▬ ▬▬▬▬▬ ▬▬▬ ▬▬▬▬ ▬▬ ▬▬▬▬▬ ▬▬▬ ▬▬▬▬ ▬▬ ▬▬▬▬▬ ▬▬▬ ▬▬▬▬ ▬▬▬ ▬▬▬▬▬ ▬▬ ▬▬▬▬ ▬▬▬ ▬▬▬▬▬ ▬▬▬ ▬▬ ▬▬▬▬ ▬▬▬▬ ▬▬▬ ▬▬▬▬▬ ▬▬ ▬▬▬ ▬▬▬▬ ▬▬▬▬▬ ▬▬▬ ▬▬ ▬▬▬▬ ▬▬▬ ▬▬▬▬▬ ▬▬▬ ▬▬▬▬ ▬▬ ▬▬▬▬▬ ▬▬▬ ▬▬▬▬ ▬▬ ▬▬▬▬▬ ▬▬▬ ▬▬▬▬ ▬▬▬ ▬▬▬▬▬ ▬▬ ▬▬▬▬ ▬▬▬ ▬▬▬▬▬ ▬▬▬ ▬▬ ▬▬▬▬ ▬▬▬▬ ▬▬▬ ▬▬▬▬▬ ▬▬ ▬▬▬ ▬▬▬▬ ▬▬▬▬▬ ▬▬▬ ▬▬ ▬▬▬▬ ▬▬▬ ▬▬▬▬▬ ▬▬▬ ▬▬▬▬ ▬▬ ▬▬▬▬▬ ▬▬▬ ▬▬▬▬ ▬▬ ▬▬▬▬▬ ▬▬▬ ▬▬▬▬ ▬▬▬ ▬▬▬▬▬ ▬▬ ▬▬▬▬ ▬▬▬ ▬▬▬▬▬ ▬▬▬ ▬▬ ▬▬▬▬ ▬▬▬▬ ▬▬▬ ▬▬▬▬▬ ▬▬ ▬▬▬ ▬▬▬▬ ▬▬▬▬▬ ▬▬▬ ▬▬ ▬▬▬▬ ▬▬▬ ▬▬▬▬▬ ▬▬▬ ▬▬▬▬ ▬▬ ▬▬▬▬▬ ▬▬▬ ▬▬▬▬ ▬▬ ▬▬▬▬▬ ▬▬▬ ▬▬▬▬ ▬▬▬ ▬▬▬▬▬ ▬▬ ▬▬▬▬ ▬▬▬ ▬▬▬▬▬ ▬▬▬ ▬▬ ▬▬▬▬ ▬▬▬▬ ▬▬▬ ▬▬▬▬▬ ▬▬ ▬▬▬ ▬▬▬▬ ▬▬▬▬▬ ▬▬▬ ▬▬ ▬▬▬▬ ▬▬▬ ▬▬▬▬▬ ▬▬▬ ▬▬▬▬ ▬▬ ▬▬▬▬▬ ▬▬▬ ▬▬▬▬ ▬▬ ▬▬▬▬▬ ▬▬▬ ▬▬▬▬ ▬▬▬ ▬▬▬▬▬ ▬▬ ▬▬▬▬ ▬▬▬ ▬▬▬▬▬ ▬▬▬ ▬▬ ▬▬▬▬ ▬▬▬▬ ▬▬▬ ▬▬▬▬▬ ▬▬ ▬▬▬ ▬▬▬▬ ▬▬▬▬▬ ▬▬▬ ▬▬ ▬▬▬▬ ▬▬▬ ▬▬▬▬▬ ▬▬▬ ▬▬▬▬ ▬▬ ▬▬▬▬▬ ▬▬▬ ▬▬▬▬ ▬▬ ▬▬▬▬▬ ▬▬▬ ▬▬▬▬ ▬▬▬ ▬▬▬▬▬ ▬▬ ▬▬▬▬ ▬▬▬ ▬▬▬▬▬ ▬▬▬ ▬▬ ▬▬▬▬ ▬▬▬▬ ▬▬▬ ▬▬▬▬▬ ▬▬ ▬▬▬ ▬▬▬▬ ▬▬▬▬▬ ▬▬▬ ▬▬ ▬▬▬▬ ▬▬▬ ▬▬▬▬▬ ▬▬▬ ▬▬▬▬ ▬▬ ▬▬▬▬▬ ▬▬▬ ▬▬▬▬ ▬▬ ▬▬▬▬▬ ▬▬▬ ▬▬▬▬ ▬▬▬ ▬▬▬▬▬ ▬▬ ▬▬▬▬ ▬▬▬ ▬▬▬▬▬ ▬▬▬ ▬▬ ▬▬▬▬ ▬▬▬▬ ▬▬▬ ▬▬▬▬▬ ▬▬ ▬▬▬ ▬▬▬▬ ▬▬▬▬▬ ▬▬▬ ▬▬ ▬▬▬▬ ▬▬▬ ▬▬▬▬▬ ▬▬▬ ▬▬▬▬ ▬▬ ▬▬▬▬▬ ▬▬▬ ▬▬▬▬ ▬▬ ▬▬▬▬▬ ▬▬▬ ▬▬▬▬ ▬▬▬ ▬▬▬▬▬ ▬▬ ▬▬▬▬ ▬▬▬ ▬▬▬▬▬ ▬▬▬ ▬▬ ▬▬▬▬ ▬▬▬▬ ▬▬▬ ▬▬▬▬▬ ▬▬ ▬▬▬ ▬▬▬▬ ▬▬▬▬▬ ▬▬▬ ▬▬ ▬▬▬▬ ▬▬▬ ▬▬▬▬▬ ▬▬▬ ▬▬▬▬ ▬▬ ▬▬▬▬▬ ▬▬▬ ▬▬▬▬ ▬▬ ▬▬▬▬▬ ▬▬▬ ▬▬▬▬ ▬▬▬ ▬▬▬▬▬ ▬▬ ▬▬▬▬ ▬▬▬ ▬▬▬▬▬ ▬▬▬ ▬▬ ▬▬▬▬ ▬▬▬▬ ▬▬▬ ▬▬▬▬▬ ▬▬ ▬▬▬ ▬▬▬▬ ▬▬▬▬▬ ▬▬▬ ▬▬ ▬▬▬▬ ▬▬▬ ▬▬▬▬▬ ▬▬▬ ▬▬▬▬ ▬▬ ▬▬▬▬▬ ▬▬▬ ▬▬▬▬ ▬▬ ▬▬▬▬▬ ▬▬▬ ▬▬▬▬ ▬▬▬ ▬▬▬▬▬ ▬▬ ▬▬▬▬ ▬▬▬ ▬▬▬▬▬ ▬▬▬ ▬▬ ▬▬▬▬ ▬▬▬▬ ▬▬▬ ▬▬▬▬▬ ▬▬ ▬▬▬ ▬▬▬▬ ▬▬▬▬▬ ▬▬▬ ▬▬ ▬▬▬▬ ▬▬▬ ▬▬▬▬▬ ▬▬▬ ▬▬▬▬ ▬▬ ▬▬▬▬▬ ▬▬▬ ▬▬▬▬ ▬▬ ▬▬▬▬▬ ▬▬▬ ▬▬▬▬ ▬▬▬ ▬▬▬▬▬ ▬▬ ▬▬▬▬ ▬▬▬ ▬▬▬▬▬ ▬▬▬ ▬▬ ▬▬▬▬ ▬▬▬▬ ▬▬▬ ▬▬▬▬▬ ▬▬ ▬▬▬ ▬▬▬▬ ▬▬▬▬▬ ▬▬▬ ▬▬ ▬▬▬▬ ▬▬▬ ▬▬▬▬▬ ▬▬▬ ▬▬▬▬ ▬▬ ▬▬▬▬▬ ▬▬▬ ▬▬▬▬ ▬▬ ▬▬▬▬▬ ▬▬▬ ▬▬▬▬ ▬▬▬ ▬▬▬▬▬ ▬▬ ▬▬▬▬ ▬▬▬ ▬▬▬▬▬ ▬▬▬ ▬▬ ▬▬▬▬
ನಾಳೆ ಮೌನರಾಗ ಗೀತ ನಮನ
▬▬▬ ▬▬▬▬ ▬▬ ▬▬▬▬▬ ▬▬▬ ▬▬▬▬ ▬▬▬▬▬ ▬▬ ▬▬▬ ▬▬▬▬ ▬▬▬ ▬▬▬▬▬ ▬▬ ▬▬▬▬ ▬▬▬ ▬▬▬▬▬ ▬▬▬ ▬▬ ▬▬▬▬ ▬▬▬▬ ▬▬▬ ▬▬▬▬▬ ▬▬ ▬▬▬ ▬▬▬▬ ▬▬▬▬▬ ▬▬▬ ▬▬ ▬▬▬▬ ▬▬▬ ▬▬▬▬▬ ▬▬▬ ▬▬▬▬ ▬▬ ▬▬▬▬▬ ▬▬▬ ▬▬▬▬ ▬▬ ▬▬▬▬▬ ▬▬▬ ▬▬▬▬ ▬▬▬ ▬▬▬▬▬ ▬▬ ▬▬▬▬ ▬▬▬ ▬▬▬▬▬ ▬▬▬ ▬▬ ▬▬▬▬ ▬▬▬▬ ▬▬▬ ▬▬▬▬▬ ▬▬ ▬▬▬ ▬▬▬▬ ▬▬▬▬▬ ▬▬▬ ▬▬ ▬▬▬▬ ▬▬▬ ▬▬▬▬▬ ▬▬▬ ▬▬▬▬ ▬▬ ▬▬▬▬▬ ▬▬▬ ▬▬▬▬ ▬▬ ▬▬▬▬▬ ▬▬▬ ▬▬▬▬ ▬▬▬ ▬▬▬▬▬ ▬▬ ▬▬▬▬ ▬▬▬ ▬▬▬▬▬ ▬▬▬ ▬▬ ▬▬▬▬ ▬▬▬▬ ▬▬▬ ▬▬▬▬▬ ▬▬ ▬▬▬ ▬▬▬▬ ▬▬▬▬▬ ▬▬▬ ▬▬ ▬▬▬▬ ▬▬▬ ▬▬▬▬▬ ▬▬▬ ▬▬▬▬ ▬▬ ▬▬▬▬▬ ▬▬▬ ▬▬▬▬ ▬▬ ▬▬▬▬▬ ▬▬▬ ▬▬▬▬ ▬▬▬ ▬▬▬▬▬ ▬▬ ▬▬▬▬ ▬▬▬ ▬▬▬▬▬ ▬▬▬ ▬▬ ▬▬▬▬ ▬▬▬▬ ▬▬▬ ▬▬▬▬▬ ▬▬ ▬▬▬ ▬▬▬▬ ▬▬▬▬▬ ▬▬▬ ▬▬ ▬▬▬▬ ▬▬▬ ▬▬▬▬▬ ▬▬▬ ▬▬▬▬ ▬▬ ▬▬▬▬▬ ▬▬▬ ▬▬▬▬ ▬▬ ▬▬▬▬▬ ▬▬▬ ▬▬▬▬ ▬▬▬ ▬▬▬▬▬ ▬▬ ▬▬▬▬ ▬▬▬ ▬▬▬▬▬ ▬▬▬ ▬▬ ▬▬▬▬ ▬▬▬▬ ▬▬▬ ▬▬▬▬▬ ▬▬ ▬▬▬ ▬▬▬▬ ▬▬▬▬▬ ▬▬▬ ▬▬ ▬▬▬▬ ▬▬▬ ▬▬▬▬▬ ▬▬▬ ▬▬▬▬ ▬▬ ▬▬▬▬▬ ▬▬▬ ▬▬▬▬ ▬▬ ▬▬▬▬▬ ▬▬▬ ▬▬▬▬ ▬▬▬ ▬▬▬▬▬ ▬▬ ▬▬▬▬ ▬▬▬ ▬▬▬▬▬ ▬▬▬ ▬▬ ▬▬▬▬ ▬▬▬▬ ▬▬▬ ▬▬▬▬▬ ▬▬ ▬▬▬ ▬▬▬▬ ▬▬▬▬▬ ▬▬▬ ▬▬ ▬▬▬▬ ▬▬▬ ▬▬▬▬▬ ▬▬▬ ▬▬▬▬ ▬▬ ▬▬▬▬▬ ▬▬▬ ▬▬▬▬ ▬▬ ▬▬▬▬▬ ▬▬▬ ▬▬▬▬ ▬▬▬ ▬▬▬▬▬ ▬▬ ▬▬▬▬ ▬▬▬ ▬▬▬▬▬ ▬▬▬ ▬▬ ▬▬▬▬ ▬▬▬▬ ▬▬▬ ▬▬▬▬▬ ▬▬ ▬▬▬ ▬▬▬▬ ▬▬▬▬▬ ▬▬▬ ▬▬ ▬▬▬▬ ▬▬▬ ▬▬▬▬▬ ▬▬▬ ▬▬▬▬ ▬▬ ▬▬▬▬▬ ▬▬▬ ▬▬▬▬ ▬▬ ▬▬▬▬▬ ▬▬▬ ▬▬▬▬ ▬▬▬ ▬▬▬▬▬ ▬▬ ▬▬▬▬ ▬▬▬ ▬▬▬▬▬ ▬▬▬ ▬▬ ▬▬▬▬ ▬▬▬▬ ▬▬▬ ▬▬▬▬▬ ▬▬ ▬▬▬ ▬▬▬▬ ▬▬▬▬▬ ▬▬▬ ▬▬ ▬▬▬▬ ▬▬▬ ▬▬▬▬▬ ▬▬▬ ▬▬▬▬ ▬▬ ▬▬▬▬▬ ▬▬▬ ▬▬▬▬ ▬▬ ▬▬▬▬▬ ▬▬▬ ▬▬▬▬ ▬▬▬ ▬▬▬▬▬ ▬▬ ▬▬▬▬ ▬▬▬ ▬▬▬▬▬ ▬▬▬ ▬▬ ▬▬▬▬ ▬▬▬▬ ▬▬▬ ▬▬▬▬▬ ▬▬ ▬▬▬ ▬▬▬▬ ▬▬▬▬▬ ▬▬▬ ▬▬ ▬▬▬▬ ▬▬▬ ▬▬▬▬▬ ▬▬▬ ▬▬▬▬ ▬▬ ▬▬▬▬▬ ▬▬▬ ▬▬▬▬ ▬▬ ▬▬▬▬▬ ▬▬▬ ▬▬▬▬ ▬▬▬ ▬▬▬▬▬ ▬▬ ▬▬▬▬ ▬▬▬ ▬▬▬▬▬ ▬▬▬ ▬▬ ▬▬▬▬ ▬▬▬▬ ▬▬▬ ▬▬▬▬▬ ▬▬ ▬▬▬ ▬▬▬▬ ▬▬▬▬▬ ▬▬▬ ▬▬ ▬▬▬▬ ▬▬▬ ▬▬▬▬▬ ▬▬▬ ▬▬▬▬ ▬▬ ▬▬▬▬▬ ▬▬▬ ▬▬▬▬ ▬▬ ▬▬▬▬▬ ▬▬▬ ▬▬▬▬ ▬▬▬ ▬▬▬▬▬ ▬▬ ▬▬▬▬ ▬▬▬ ▬▬▬▬▬ ▬▬▬ ▬▬ ▬▬▬▬ ▬▬▬▬ ▬▬▬ ▬▬▬▬▬ ▬▬ ▬▬▬ ▬▬▬▬ ▬▬▬▬▬ ▬▬▬ ▬▬ ▬▬▬▬ ▬▬▬ ▬▬▬▬▬ ▬▬▬ ▬▬▬▬ ▬▬ ▬▬▬▬▬ ▬▬▬ ▬▬▬▬ ▬▬ ▬▬▬▬▬ ▬▬▬ ▬▬▬▬ ▬▬▬ ▬▬▬▬▬ ▬▬ ▬▬▬▬ ▬▬▬ ▬▬▬▬▬ ▬▬▬ ▬▬ ▬▬▬▬ ▬▬▬▬ ▬▬▬ ▬▬▬▬▬ ▬▬ ▬▬▬ ▬▬▬▬ ▬▬▬▬▬ ▬▬▬ ▬▬ ▬▬▬▬ ▬▬▬ ▬▬▬▬▬ ▬▬▬ ▬▬▬▬ ▬▬ ▬▬▬▬▬ ▬▬▬ ▬▬▬▬ ▬▬ ▬▬▬▬▬ ▬▬▬ ▬▬▬▬ ▬▬▬ ▬▬▬▬▬ ▬▬ ▬▬▬▬ ▬▬▬ ▬▬▬▬▬ ▬▬▬ ▬▬ ▬▬▬▬
ಮಕ್ಕಳನ್ನು ಕೊಂದು ಆತ್ಮಹತ್ಯೆಗೆ ಶರಣಾದ ದಂಪತಿ
▬▬▬ ▬▬▬▬ ▬▬ ▬▬▬▬▬ ▬▬▬ ▬▬▬▬ ▬▬▬▬▬ ▬▬ ▬▬▬ ▬▬▬▬ ▬▬▬ ▬▬▬▬▬ ▬▬ ▬▬▬▬ ▬▬▬ ▬▬▬▬▬ ▬▬▬ ▬▬ ▬▬▬▬ ▬▬▬▬ ▬▬▬ ▬▬▬▬▬ ▬▬ ▬▬▬ ▬▬▬▬ ▬▬▬▬▬ ▬▬▬ ▬▬ ▬▬▬▬ ▬▬▬ ▬▬▬▬▬ ▬▬▬ ▬▬▬▬ ▬▬ ▬▬▬▬▬ ▬▬▬ ▬▬▬▬ ▬▬ ▬▬▬▬▬ ▬▬▬ ▬▬▬▬ ▬▬▬ ▬▬▬▬▬ ▬▬ ▬▬▬▬ ▬▬▬ ▬▬▬▬▬ ▬▬▬ ▬▬ ▬▬▬▬ ▬▬▬▬ ▬▬▬ ▬▬▬▬▬ ▬▬ ▬▬▬ ▬▬▬▬ ▬▬▬▬▬ ▬▬▬ ▬▬ ▬▬▬▬ ▬▬▬ ▬▬▬▬▬ ▬▬▬ ▬▬▬▬ ▬▬ ▬▬▬▬▬ ▬▬▬ ▬▬▬▬ ▬▬ ▬▬▬▬▬ ▬▬▬ ▬▬▬▬ ▬▬▬ ▬▬▬▬▬ ▬▬ ▬▬▬▬ ▬▬▬ ▬▬▬▬▬ ▬▬▬ ▬▬ ▬▬▬▬ ▬▬▬▬ ▬▬▬ ▬▬▬▬▬ ▬▬ ▬▬▬ ▬▬▬▬ ▬▬▬▬▬ ▬▬▬ ▬▬ ▬▬▬▬ ▬▬▬ ▬▬▬▬▬ ▬▬▬ ▬▬▬▬ ▬▬ ▬▬▬▬▬ ▬▬▬ ▬▬▬▬ ▬▬ ▬▬▬▬▬ ▬▬▬ ▬▬▬▬ ▬▬▬ ▬▬▬▬▬ ▬▬ ▬▬▬▬ ▬▬▬ ▬▬▬▬▬ ▬▬▬ ▬▬ ▬▬▬▬ ▬▬▬▬ ▬▬▬ ▬▬▬▬▬ ▬▬ ▬▬▬ ▬▬▬▬ ▬▬▬▬▬ ▬▬▬ ▬▬ ▬▬▬▬ ▬▬▬ ▬▬▬▬▬ ▬▬▬ ▬▬▬▬ ▬▬ ▬▬▬▬▬ ▬▬▬ ▬▬▬▬ ▬▬ ▬▬▬▬▬ ▬▬▬ ▬▬▬▬ ▬▬▬ ▬▬▬▬▬ ▬▬ ▬▬▬▬ ▬▬▬ ▬▬▬▬▬ ▬▬▬ ▬▬ ▬▬▬▬ ▬▬▬▬ ▬▬▬ ▬▬▬▬▬ ▬▬ ▬▬▬ ▬▬▬▬ ▬▬▬▬▬ ▬▬▬ ▬▬ ▬▬▬▬ ▬▬▬ ▬▬▬▬▬ ▬▬▬ ▬▬▬▬ ▬▬ ▬▬▬▬▬ ▬▬▬ ▬▬▬▬ ▬▬ ▬▬▬▬▬ ▬▬▬ ▬▬▬▬ ▬▬▬ ▬▬▬▬▬ ▬▬ ▬▬▬▬ ▬▬▬ ▬▬▬▬▬ ▬▬▬ ▬▬ ▬▬▬▬ ▬▬▬▬ ▬▬▬ ▬▬▬▬▬ ▬▬ ▬▬▬ ▬▬▬▬ ▬▬▬▬▬ ▬▬▬ ▬▬ ▬▬▬▬ ▬▬▬ ▬▬▬▬▬ ▬▬▬ ▬▬▬▬ ▬▬ ▬▬▬▬▬ ▬▬▬ ▬▬▬▬ ▬▬ ▬▬▬▬▬ ▬▬▬ ▬▬▬▬ ▬▬▬ ▬▬▬▬▬ ▬▬ ▬▬▬▬ ▬▬▬ ▬▬▬▬▬ ▬▬▬ ▬▬ ▬▬▬▬ ▬▬▬▬ ▬▬▬ ▬▬▬▬▬ ▬▬ ▬▬▬ ▬▬▬▬ ▬▬▬▬▬ ▬▬▬ ▬▬ ▬▬▬▬ ▬▬▬ ▬▬▬▬▬ ▬▬▬ ▬▬▬▬ ▬▬ ▬▬▬▬▬ ▬▬▬ ▬▬▬▬ ▬▬ ▬▬▬▬▬ ▬▬▬ ▬▬▬▬ ▬▬▬ ▬▬▬▬▬ ▬▬ ▬▬▬▬ ▬▬▬ ▬▬▬▬▬ ▬▬▬ ▬▬ ▬▬▬▬ ▬▬▬▬ ▬▬▬ ▬▬▬▬▬ ▬▬ ▬▬▬ ▬▬▬▬ ▬▬▬▬▬ ▬▬▬ ▬▬ ▬▬▬▬ ▬▬▬ ▬▬▬▬▬ ▬▬▬ ▬▬▬▬ ▬▬ ▬▬▬▬▬ ▬▬▬ ▬▬▬▬ ▬▬ ▬▬▬▬▬ ▬▬▬ ▬▬▬▬ ▬▬▬ ▬▬▬▬▬ ▬▬ ▬▬▬▬ ▬▬▬ ▬▬▬▬▬ ▬▬▬ ▬▬ ▬▬▬▬ ▬▬▬▬ ▬▬▬ ▬▬▬▬▬ ▬▬ ▬▬▬ ▬▬▬▬ ▬▬▬▬▬ ▬▬▬ ▬▬ ▬▬▬▬ ▬▬▬ ▬▬▬▬▬ ▬▬▬ ▬▬▬▬ ▬▬ ▬▬▬▬▬ ▬▬▬ ▬▬▬▬ ▬▬ ▬▬▬▬▬ ▬▬▬ ▬▬▬▬ ▬▬▬ ▬▬▬▬▬ ▬▬ ▬▬▬▬ ▬▬▬ ▬▬▬▬▬ ▬▬▬ ▬▬ ▬▬▬▬ ▬▬▬▬ ▬▬▬ ▬▬▬▬▬ ▬▬ ▬▬▬ ▬▬▬▬ ▬▬▬▬▬ ▬▬▬ ▬▬ ▬▬▬▬ ▬▬▬ ▬▬▬▬▬ ▬▬▬ ▬▬▬▬ ▬▬ ▬▬▬▬▬ ▬▬▬ ▬▬▬▬ ▬▬ ▬▬▬▬▬ ▬▬▬ ▬▬▬▬ ▬▬▬ ▬▬▬▬▬ ▬▬ ▬▬▬▬ ▬▬▬ ▬▬▬▬▬ ▬▬▬ ▬▬ ▬▬▬▬ ▬▬▬▬ ▬▬▬ ▬▬▬▬▬ ▬▬ ▬▬▬ ▬▬▬▬ ▬▬▬▬▬ ▬▬▬ ▬▬ ▬▬▬▬ ▬▬▬ ▬▬▬▬▬ ▬▬▬ ▬▬▬▬ ▬▬ ▬▬▬▬▬ ▬▬▬ ▬▬▬▬ ▬▬ ▬▬▬▬▬ ▬▬▬ ▬▬▬▬ ▬▬▬ ▬▬▬▬▬ ▬▬ ▬▬▬▬ ▬▬▬ ▬▬▬▬▬ ▬▬▬ ▬▬ ▬▬▬▬ ▬▬▬▬ ▬▬▬ ▬▬▬▬▬ ▬▬ ▬▬▬ ▬▬▬▬ ▬▬▬▬▬ ▬▬▬ ▬▬ ▬▬▬▬ ▬▬▬ ▬▬▬▬▬ ▬▬▬ ▬▬▬▬ ▬▬ ▬▬▬▬▬ ▬▬▬ ▬▬▬▬ ▬▬ ▬▬▬▬▬ ▬▬▬ ▬▬▬▬ ▬▬▬ ▬▬▬▬▬ ▬▬ ▬▬▬▬ ▬▬▬ ▬▬▬▬▬ ▬▬▬ ▬▬ ▬▬▬▬
ಖಾಲಿ ಹುದ್ದೆಗಳ ವಿವಾದ: ಎಂಆರ್‌ಸಿ ಸ್ಟೀವರ್ಡ್ ಚುನಾವಣೆ ಮುಂದೂಡಿಕೆ
▬▬▬ ▬▬▬▬ ▬▬ ▬▬▬▬▬ ▬▬▬ ▬▬▬▬ ▬▬▬▬▬ ▬▬ ▬▬▬ ▬▬▬▬ ▬▬▬ ▬▬▬▬▬ ▬▬ ▬▬▬▬ ▬▬▬ ▬▬▬▬▬ ▬▬▬ ▬▬ ▬▬▬▬ ▬▬▬▬ ▬▬▬ ▬▬▬▬▬ ▬▬ ▬▬▬ ▬▬▬▬ ▬▬▬▬▬ ▬▬▬ ▬▬ ▬▬▬▬ ▬▬▬ ▬▬▬▬▬ ▬▬▬ ▬▬▬▬ ▬▬ ▬▬▬▬▬ ▬▬▬ ▬▬▬▬ ▬▬ ▬▬▬▬▬ ▬▬▬ ▬▬▬▬ ▬▬▬ ▬▬▬▬▬ ▬▬ ▬▬▬▬ ▬▬▬ ▬▬▬▬▬ ▬▬▬ ▬▬ ▬▬▬▬ ▬▬▬▬ ▬▬▬ ▬▬▬▬▬ ▬▬ ▬▬▬ ▬▬▬▬ ▬▬▬▬▬ ▬▬▬ ▬▬ ▬▬▬▬ ▬▬▬ ▬▬▬▬▬ ▬▬▬ ▬▬▬▬ ▬▬ ▬▬▬▬▬ ▬▬▬ ▬▬▬▬ ▬▬ ▬▬▬▬▬ ▬▬▬ ▬▬▬▬ ▬▬▬ ▬▬▬▬▬ ▬▬ ▬▬▬▬ ▬▬▬ ▬▬▬▬▬ ▬▬▬ ▬▬ ▬▬▬▬ ▬▬▬▬ ▬▬▬ ▬▬▬▬▬ ▬▬ ▬▬▬ ▬▬▬▬ ▬▬▬▬▬ ▬▬▬ ▬▬ ▬▬▬▬ ▬▬▬ ▬▬▬▬▬ ▬▬▬ ▬▬▬▬ ▬▬ ▬▬▬▬▬ ▬▬▬ ▬▬▬▬ ▬▬ ▬▬▬▬▬ ▬▬▬ ▬▬▬▬ ▬▬▬ ▬▬▬▬▬ ▬▬ ▬▬▬▬ ▬▬▬ ▬▬▬▬▬ ▬▬▬ ▬▬ ▬▬▬▬ ▬▬▬▬ ▬▬▬ ▬▬▬▬▬ ▬▬ ▬▬▬ ▬▬▬▬ ▬▬▬▬▬ ▬▬▬ ▬▬ ▬▬▬▬ ▬▬▬ ▬▬▬▬▬ ▬▬▬ ▬▬▬▬ ▬▬ ▬▬▬▬▬ ▬▬▬ ▬▬▬▬ ▬▬ ▬▬▬▬▬ ▬▬▬ ▬▬▬▬ ▬▬▬ ▬▬▬▬▬ ▬▬ ▬▬▬▬ ▬▬▬ ▬▬▬▬▬ ▬▬▬ ▬▬ ▬▬▬▬ ▬▬▬▬ ▬▬▬ ▬▬▬▬▬ ▬▬ ▬▬▬ ▬▬▬▬ ▬▬▬▬▬ ▬▬▬ ▬▬ ▬▬▬▬ ▬▬▬ ▬▬▬▬▬ ▬▬▬ ▬▬▬▬ ▬▬ ▬▬▬▬▬ ▬▬▬ ▬▬▬▬ ▬▬ ▬▬▬▬▬ ▬▬▬ ▬▬▬▬ ▬▬▬ ▬▬▬▬▬ ▬▬ ▬▬▬▬ ▬▬▬ ▬▬▬▬▬ ▬▬▬ ▬▬ ▬▬▬▬ ▬▬▬▬ ▬▬▬ ▬▬▬▬▬ ▬▬ ▬▬▬ ▬▬▬▬ ▬▬▬▬▬ ▬▬▬ ▬▬ ▬▬▬▬ ▬▬▬ ▬▬▬▬▬ ▬▬▬ ▬▬▬▬ ▬▬ ▬▬▬▬▬ ▬▬▬ ▬▬▬▬ ▬▬ ▬▬▬▬▬ ▬▬▬ ▬▬▬▬ ▬▬▬ ▬▬▬▬▬ ▬▬ ▬▬▬▬ ▬▬▬ ▬▬▬▬▬ ▬▬▬ ▬▬ ▬▬▬▬ ▬▬▬▬ ▬▬▬ ▬▬▬▬▬ ▬▬ ▬▬▬ ▬▬▬▬ ▬▬▬▬▬ ▬▬▬ ▬▬ ▬▬▬▬ ▬▬▬ ▬▬▬▬▬ ▬▬▬ ▬▬▬▬ ▬▬ ▬▬▬▬▬ ▬▬▬ ▬▬▬▬ ▬▬ ▬▬▬▬▬ ▬▬▬ ▬▬▬▬ ▬▬▬ ▬▬▬▬▬ ▬▬ ▬▬▬▬ ▬▬▬ ▬▬▬▬▬ ▬▬▬ ▬▬ ▬▬▬▬ ▬▬▬▬ ▬▬▬ ▬▬▬▬▬ ▬▬ ▬▬▬ ▬▬▬▬ ▬▬▬▬▬ ▬▬▬ ▬▬ ▬▬▬▬ ▬▬▬ ▬▬▬▬▬ ▬▬▬ ▬▬▬▬ ▬▬ ▬▬▬▬▬ ▬▬▬ ▬▬▬▬ ▬▬ ▬▬▬▬▬ ▬▬▬ ▬▬▬▬ ▬▬▬ ▬▬▬▬▬ ▬▬ ▬▬▬▬ ▬▬▬ ▬▬▬▬▬ ▬▬▬ ▬▬ ▬▬▬▬ ▬▬▬▬ ▬▬▬ ▬▬▬▬▬ ▬▬ ▬▬▬ ▬▬▬▬ ▬▬▬▬▬ ▬▬▬ ▬▬ ▬▬▬▬ ▬▬▬ ▬▬▬▬▬ ▬▬▬ ▬▬▬▬ ▬▬ ▬▬▬▬▬ ▬▬▬ ▬▬▬▬ ▬▬ ▬▬▬▬▬ ▬▬▬ ▬▬▬▬ ▬▬▬ ▬▬▬▬▬ ▬▬ ▬▬▬▬ ▬▬▬ ▬▬▬▬▬ ▬▬▬ ▬▬ ▬▬▬▬ ▬▬▬▬ ▬▬▬ ▬▬▬▬▬ ▬▬ ▬▬▬ ▬▬▬▬ ▬▬▬▬▬ ▬▬▬ ▬▬ ▬▬▬▬ ▬▬▬ ▬▬▬▬▬ ▬▬▬ ▬▬▬▬ ▬▬ ▬▬▬▬▬ ▬▬▬ ▬▬▬▬ ▬▬ ▬▬▬▬▬ ▬▬▬ ▬▬▬▬ ▬▬▬ ▬▬▬▬▬ ▬▬ ▬▬▬▬ ▬▬▬ ▬▬▬▬▬ ▬▬▬ ▬▬ ▬▬▬▬ ▬▬▬▬ ▬▬▬ ▬▬▬▬▬ ▬▬ ▬▬▬ ▬▬▬▬ ▬▬▬▬▬ ▬▬▬ ▬▬ ▬▬▬▬ ▬▬▬ ▬▬▬▬▬ ▬▬▬ ▬▬▬▬ ▬▬ ▬▬▬▬▬ ▬▬▬ ▬▬▬▬ ▬▬ ▬▬▬▬▬ ▬▬▬ ▬▬▬▬ ▬▬▬ ▬▬▬▬▬ ▬▬ ▬▬▬▬ ▬▬▬ ▬▬▬▬▬ ▬▬▬ ▬▬ ▬▬▬▬ ▬▬▬▬ ▬▬▬ ▬▬▬▬▬ ▬▬ ▬▬▬ ▬▬▬▬ ▬▬▬▬▬ ▬▬▬ ▬▬ ▬▬▬▬ ▬▬▬ ▬▬▬▬▬ ▬▬▬ ▬▬▬▬ ▬▬ ▬▬▬▬▬ ▬▬▬ ▬▬▬▬ ▬▬ ▬▬▬▬▬ ▬▬▬ ▬▬▬▬ ▬▬▬ ▬▬▬▬▬ ▬▬ ▬▬▬▬ ▬▬▬ ▬▬▬▬▬ ▬▬▬ ▬▬ ▬▬▬▬
▬▬▬ ▬▬▬▬ ▬▬ ▬▬▬▬▬ ▬▬▬ ▬▬▬▬ ▬▬▬▬▬ ▬▬ ▬▬▬ ▬▬▬▬ ▬▬▬ ▬▬▬▬▬ ▬▬ ▬▬▬▬ ▬▬▬ ▬▬▬▬▬ ▬▬▬ ▬▬ ▬▬▬▬ ▬▬▬▬ ▬▬▬ ▬▬▬▬▬ ▬▬ ▬▬▬ ▬▬▬▬ ▬▬▬▬▬ ▬▬▬ ▬▬ ▬▬▬▬ ▬▬▬ ▬▬▬▬▬ ▬▬▬ ▬▬▬▬ ▬▬ ▬▬▬▬▬ ▬▬▬ ▬▬▬▬ ▬▬ ▬▬▬▬▬ ▬▬▬ ▬▬▬▬ ▬▬▬ ▬▬▬▬▬ ▬▬ ▬▬▬▬ ▬▬▬ ▬▬▬▬▬ ▬▬▬ ▬▬ ▬▬▬▬ ▬▬▬▬ ▬▬▬ ▬▬▬▬▬ ▬▬ ▬▬▬ ▬▬▬▬ ▬▬▬▬▬ ▬▬▬ ▬▬ ▬▬▬▬ ▬▬▬ ▬▬▬▬▬ ▬▬▬ ▬▬▬▬ ▬▬ ▬▬▬▬▬ ▬▬▬ ▬▬▬▬ ▬▬ ▬▬▬▬▬ ▬▬▬ ▬▬▬▬ ▬▬▬ ▬▬▬▬▬ ▬▬ ▬▬▬▬ ▬▬▬ ▬▬▬▬▬ ▬▬▬ ▬▬ ▬▬▬▬ ▬▬▬▬ ▬▬▬ ▬▬▬▬▬ ▬▬ ▬▬▬ ▬▬▬▬ ▬▬▬▬▬ ▬▬▬ ▬▬ ▬▬▬▬ ▬▬▬ ▬▬▬▬▬ ▬▬▬ ▬▬▬▬ ▬▬ ▬▬▬▬▬ ▬▬▬ ▬▬▬▬ ▬▬ ▬▬▬▬▬ ▬▬▬ ▬▬▬▬ ▬▬▬ ▬▬▬▬▬ ▬▬ ▬▬▬▬ ▬▬▬ ▬▬▬▬▬ ▬▬▬ ▬▬ ▬▬▬▬ ▬▬▬▬ ▬▬▬ ▬▬▬▬▬ ▬▬ ▬▬▬ ▬▬▬▬ ▬▬▬▬▬ ▬▬▬ ▬▬ ▬▬▬▬ ▬▬▬ ▬▬▬▬▬ ▬▬▬ ▬▬▬▬ ▬▬ ▬▬▬▬▬ ▬▬▬ ▬▬▬▬ ▬▬ ▬▬▬▬▬ ▬▬▬ ▬▬▬▬ ▬▬▬ ▬▬▬▬▬ ▬▬ ▬▬▬▬ ▬▬▬ ▬▬▬▬▬ ▬▬▬ ▬▬ ▬▬▬▬ ▬▬▬▬ ▬▬▬ ▬▬▬▬▬ ▬▬ ▬▬▬ ▬▬▬▬ ▬▬▬▬▬ ▬▬▬ ▬▬ ▬▬▬▬ ▬▬▬ ▬▬▬▬▬ ▬▬▬ ▬▬▬▬ ▬▬ ▬▬▬▬▬ ▬▬▬ ▬▬▬▬ ▬▬ ▬▬▬▬▬ ▬▬▬ ▬▬▬▬ ▬▬▬ ▬▬▬▬▬ ▬▬ ▬▬▬▬ ▬▬▬ ▬▬▬▬▬ ▬▬▬ ▬▬ ▬▬▬▬ ▬▬▬▬ ▬▬▬ ▬▬▬▬▬ ▬▬ ▬▬▬ ▬▬▬▬ ▬▬▬▬▬ ▬▬▬ ▬▬ ▬▬▬▬ ▬▬▬ ▬▬▬▬▬ ▬▬▬ ▬▬▬▬ ▬▬ ▬▬▬▬▬ ▬▬▬ ▬▬▬▬ ▬▬ ▬▬▬▬▬ ▬▬▬ ▬▬▬▬ ▬▬▬ ▬▬▬▬▬ ▬▬ ▬▬▬▬ ▬▬▬ ▬▬▬▬▬ ▬▬▬ ▬▬ ▬▬▬▬ ▬▬▬▬ ▬▬▬ ▬▬▬▬▬ ▬▬ ▬▬▬ ▬▬▬▬ ▬▬▬▬▬ ▬▬▬ ▬▬ ▬▬▬▬ ▬▬▬ ▬▬▬▬▬ ▬▬▬ ▬▬▬▬ ▬▬ ▬▬▬▬▬ ▬▬▬ ▬▬▬▬ ▬▬ ▬▬▬▬▬ ▬▬▬ ▬▬▬▬ ▬▬▬ ▬▬▬▬▬ ▬▬ ▬▬▬▬ ▬▬▬ ▬▬▬▬▬ ▬▬▬ ▬▬ ▬▬▬▬ ▬▬▬▬ ▬▬▬ ▬▬▬▬▬ ▬▬ ▬▬▬ ▬▬▬▬ ▬▬▬▬▬ ▬▬▬ ▬▬ ▬▬▬▬ ▬▬▬ ▬▬▬▬▬ ▬▬▬ ▬▬▬▬ ▬▬ ▬▬▬▬▬ ▬▬▬ ▬▬▬▬ ▬▬ ▬▬▬▬▬ ▬▬▬ ▬▬▬▬ ▬▬▬ ▬▬▬▬▬ ▬▬ ▬▬▬▬ ▬▬▬ ▬▬▬▬▬ ▬▬▬ ▬▬ ▬▬▬▬ ▬▬▬▬ ▬▬▬ ▬▬▬▬▬ ▬▬ ▬▬▬ ▬▬▬▬ ▬▬▬▬▬ ▬▬▬ ▬▬ ▬▬▬▬ ▬▬▬ ▬▬▬▬▬ ▬▬▬ ▬▬▬▬ ▬▬ ▬▬▬▬▬ ▬▬▬ ▬▬▬▬ ▬▬ ▬▬▬▬▬ ▬▬▬ ▬▬▬▬ ▬▬▬ ▬▬▬▬▬ ▬▬ ▬▬▬▬ ▬▬▬ ▬▬▬▬▬ ▬▬▬ ▬▬ ▬▬▬▬ ▬▬▬▬ ▬▬▬ ▬▬▬▬▬ ▬▬ ▬▬▬ ▬▬▬▬ ▬▬▬▬▬ ▬▬▬ ▬▬ ▬▬▬▬ ▬▬▬ ▬▬▬▬▬ ▬▬▬ ▬▬▬▬ ▬▬ ▬▬▬▬▬ ▬▬▬ ▬▬▬▬ ▬▬ ▬▬▬▬▬ ▬▬▬ ▬▬▬▬ ▬▬▬ ▬▬▬▬▬ ▬▬ ▬▬▬▬ ▬▬▬ ▬▬▬▬▬ ▬▬▬ ▬▬ ▬▬▬▬ ▬▬▬▬ ▬▬▬ ▬▬▬▬▬ ▬▬ ▬▬▬ ▬▬▬▬ ▬▬▬▬▬ ▬▬▬ ▬▬ ▬▬▬▬ ▬▬▬ ▬▬▬▬▬ ▬▬▬ ▬▬▬▬ ▬▬ ▬▬▬▬▬ ▬▬▬ ▬▬▬▬ ▬▬ ▬▬▬▬▬ ▬▬▬ ▬▬▬▬ ▬▬▬ ▬▬▬▬▬ ▬▬ ▬▬▬▬ ▬▬▬ ▬▬▬▬▬ ▬▬▬ ▬▬ ▬▬▬▬ ▬▬▬▬ ▬▬▬ ▬▬▬▬▬ ▬▬ ▬▬▬ ▬▬▬▬ ▬▬▬▬▬ ▬▬▬ ▬▬ ▬▬▬▬ ▬▬▬ ▬▬▬▬▬ ▬▬▬ ▬▬▬▬ ▬▬ ▬▬▬▬▬ ▬▬▬ ▬▬▬▬ ▬▬ ▬▬▬▬▬ ▬▬▬ ▬▬▬▬ ▬▬▬ ▬▬▬▬▬ ▬▬ ▬▬▬▬ ▬▬▬ ▬▬▬▬▬ ▬▬▬ ▬▬ ▬▬▬▬
▬▬▬ ▬▬▬▬ ▬▬ ▬▬▬▬▬ ▬▬▬ ▬▬▬▬ ▬▬▬▬▬ ▬▬ ▬▬▬ ▬▬▬▬ ▬▬▬ ▬▬▬▬▬ ▬▬ ▬▬▬▬ ▬▬▬ ▬▬▬▬▬ ▬▬▬ ▬▬ ▬▬▬▬ ▬▬▬▬ ▬▬▬ ▬▬▬▬▬ ▬▬ ▬▬▬ ▬▬▬▬ ▬▬▬▬▬ ▬▬▬ ▬▬ ▬▬▬▬ ▬▬▬ ▬▬▬▬▬ ▬▬▬ ▬▬▬▬ ▬▬ ▬▬▬▬▬ ▬▬▬ ▬▬▬▬ ▬▬ ▬▬▬▬▬ ▬▬▬ ▬▬▬▬ ▬▬▬ ▬▬▬▬▬ ▬▬ ▬▬▬▬ ▬▬▬ ▬▬▬▬▬ ▬▬▬ ▬▬ ▬▬▬▬ ▬▬▬▬ ▬▬▬ ▬▬▬▬▬ ▬▬ ▬▬▬ ▬▬▬▬ ▬▬▬▬▬ ▬▬▬ ▬▬ ▬▬▬▬ ▬▬▬ ▬▬▬▬▬ ▬▬▬ ▬▬▬▬ ▬▬ ▬▬▬▬▬ ▬▬▬ ▬▬▬▬ ▬▬ ▬▬▬▬▬ ▬▬▬ ▬▬▬▬ ▬▬▬ ▬▬▬▬▬ ▬▬ ▬▬▬▬ ▬▬▬ ▬▬▬▬▬ ▬▬▬ ▬▬ ▬▬▬▬ ▬▬▬▬ ▬▬▬ ▬▬▬▬▬ ▬▬ ▬▬▬ ▬▬▬▬ ▬▬▬▬▬ ▬▬▬ ▬▬ ▬▬▬▬ ▬▬▬ ▬▬▬▬▬ ▬▬▬ ▬▬▬▬ ▬▬ ▬▬▬▬▬ ▬▬▬ ▬▬▬▬ ▬▬ ▬▬▬▬▬ ▬▬▬ ▬▬▬▬ ▬▬▬ ▬▬▬▬▬ ▬▬ ▬▬▬▬ ▬▬▬ ▬▬▬▬▬ ▬▬▬ ▬▬ ▬▬▬▬ ▬▬▬▬ ▬▬▬ ▬▬▬▬▬ ▬▬ ▬▬▬ ▬▬▬▬ ▬▬▬▬▬ ▬▬▬ ▬▬ ▬▬▬▬ ▬▬▬ ▬▬▬▬▬ ▬▬▬ ▬▬▬▬ ▬▬ ▬▬▬▬▬ ▬▬▬ ▬▬▬▬ ▬▬ ▬▬▬▬▬ ▬▬▬ ▬▬▬▬ ▬▬▬ ▬▬▬▬▬ ▬▬ ▬▬▬▬ ▬▬▬ ▬▬▬▬▬ ▬▬▬ ▬▬ ▬▬▬▬ ▬▬▬▬ ▬▬▬ ▬▬▬▬▬ ▬▬ ▬▬▬ ▬▬▬▬ ▬▬▬▬▬ ▬▬▬ ▬▬ ▬▬▬▬ ▬▬▬ ▬▬▬▬▬ ▬▬▬ ▬▬▬▬ ▬▬ ▬▬▬▬▬ ▬▬▬ ▬▬▬▬ ▬▬ ▬▬▬▬▬ ▬▬▬ ▬▬▬▬ ▬▬▬ ▬▬▬▬▬ ▬▬ ▬▬▬▬ ▬▬▬ ▬▬▬▬▬ ▬▬▬ ▬▬ ▬▬▬▬ ▬▬▬▬ ▬▬▬ ▬▬▬▬▬ ▬▬ ▬▬▬ ▬▬▬▬ ▬▬▬▬▬ ▬▬▬ ▬▬ ▬▬▬▬ ▬▬▬ ▬▬▬▬▬ ▬▬▬ ▬▬▬▬ ▬▬ ▬▬▬▬▬ ▬▬▬ ▬▬▬▬ ▬▬ ▬▬▬▬▬ ▬▬▬ ▬▬▬▬ ▬▬▬ ▬▬▬▬▬ ▬▬ ▬▬▬▬ ▬▬▬ ▬▬▬▬▬ ▬▬▬ ▬▬ ▬▬▬▬ ▬▬▬▬ ▬▬▬ ▬▬▬▬▬ ▬▬ ▬▬▬ ▬▬▬▬ ▬▬▬▬▬ ▬▬▬ ▬▬ ▬▬▬▬ ▬▬▬ ▬▬▬▬▬ ▬▬▬ ▬▬▬▬ ▬▬ ▬▬▬▬▬ ▬▬▬ ▬▬▬▬ ▬▬ ▬▬▬▬▬ ▬▬▬ ▬▬▬▬ ▬▬▬ ▬▬▬▬▬ ▬▬ ▬▬▬▬ ▬▬▬ ▬▬▬▬▬ ▬▬▬ ▬▬ ▬▬▬▬ ▬▬▬▬ ▬▬▬ ▬▬▬▬▬ ▬▬ ▬▬▬ ▬▬▬▬ ▬▬▬▬▬ ▬▬▬ ▬▬ ▬▬▬▬ ▬▬▬ ▬▬▬▬▬ ▬▬▬ ▬▬▬▬ ▬▬ ▬▬▬▬▬ ▬▬▬ ▬▬▬▬ ▬▬ ▬▬▬▬▬ ▬▬▬ ▬▬▬▬ ▬▬▬ ▬▬▬▬▬ ▬▬ ▬▬▬▬ ▬▬▬ ▬▬▬▬▬ ▬▬▬ ▬▬ ▬▬▬▬ ▬▬▬▬ ▬▬▬ ▬▬▬▬▬ ▬▬ ▬▬▬ ▬▬▬▬ ▬▬▬▬▬ ▬▬▬ ▬▬ ▬▬▬▬ ▬▬▬ ▬▬▬▬▬ ▬▬▬ ▬▬▬▬ ▬▬ ▬▬▬▬▬ ▬▬▬ ▬▬▬▬ ▬▬ ▬▬▬▬▬ ▬▬▬ ▬▬▬▬ ▬▬▬ ▬▬▬▬▬ ▬▬ ▬▬▬▬ ▬▬▬ ▬▬▬▬▬ ▬▬▬ ▬▬ ▬▬▬▬ ▬▬▬▬ ▬▬▬ ▬▬▬▬▬ ▬▬ ▬▬▬ ▬▬▬▬ ▬▬▬▬▬ ▬▬▬ ▬▬ ▬▬▬▬ ▬▬▬ ▬▬▬▬▬ ▬▬▬ ▬▬▬▬ ▬▬ ▬▬▬▬▬ ▬▬▬ ▬▬▬▬ ▬▬ ▬▬▬▬▬ ▬▬▬ ▬▬▬▬ ▬▬▬ ▬▬▬▬▬ ▬▬ ▬▬▬▬ ▬▬▬ ▬▬▬▬▬ ▬▬▬ ▬▬ ▬▬▬▬ ▬▬▬▬ ▬▬▬ ▬▬▬▬▬ ▬▬ ▬▬▬ ▬▬▬▬ ▬▬▬▬▬ ▬▬▬ ▬▬ ▬▬▬▬ ▬▬▬ ▬▬▬▬▬ ▬▬▬ ▬▬▬▬ ▬▬ ▬▬▬▬▬ ▬▬▬ ▬▬▬▬ ▬▬ ▬▬▬▬▬ ▬▬▬ ▬▬▬▬ ▬▬▬ ▬▬▬▬▬ ▬▬ ▬▬▬▬ ▬▬▬ ▬▬▬▬▬ ▬▬▬ ▬▬ ▬▬▬▬ ▬▬▬▬ ▬▬▬ ▬▬▬▬▬ ▬▬ ▬▬▬ ▬▬▬▬ ▬▬▬▬▬ ▬▬▬ ▬▬ ▬▬▬▬ ▬▬▬ ▬▬▬▬▬ ▬▬▬ ▬▬▬▬ ▬▬ ▬▬▬▬▬ ▬▬▬ ▬▬▬▬ ▬▬ ▬▬▬▬▬ ▬▬▬ ▬▬▬▬ ▬▬▬ ▬▬▬▬▬ ▬▬ ▬▬▬▬ ▬▬▬ ▬▬▬▬▬ ▬▬▬ ▬▬ ▬▬▬▬
▬▬▬ ▬▬▬▬ ▬▬ ▬▬▬▬▬ ▬▬▬ ▬▬▬▬ ▬▬▬▬▬ ▬▬ ▬▬▬ ▬▬▬▬ ▬▬▬ ▬▬▬▬▬ ▬▬ ▬▬▬▬ ▬▬▬ ▬▬▬▬▬ ▬▬▬ ▬▬ ▬▬▬▬ ▬▬▬▬ ▬▬▬ ▬▬▬▬▬ ▬▬ ▬▬▬ ▬▬▬▬ ▬▬▬▬▬ ▬▬▬ ▬▬ ▬▬▬▬ ▬▬▬ ▬▬▬▬▬ ▬▬▬ ▬▬▬▬ ▬▬ ▬▬▬▬▬ ▬▬▬ ▬▬▬▬ ▬▬ ▬▬▬▬▬ ▬▬▬ ▬▬▬▬ ▬▬▬ ▬▬▬▬▬ ▬▬ ▬▬▬▬ ▬▬▬ ▬▬▬▬▬ ▬▬▬ ▬▬ ▬▬▬▬ ▬▬▬▬ ▬▬▬ ▬▬▬▬▬ ▬▬ ▬▬▬ ▬▬▬▬ ▬▬▬▬▬ ▬▬▬ ▬▬ ▬▬▬▬ ▬▬▬ ▬▬▬▬▬ ▬▬▬ ▬▬▬▬ ▬▬ ▬▬▬▬▬ ▬▬▬ ▬▬▬▬ ▬▬ ▬▬▬▬▬ ▬▬▬ ▬▬▬▬ ▬▬▬ ▬▬▬▬▬ ▬▬ ▬▬▬▬ ▬▬▬ ▬▬▬▬▬ ▬▬▬ ▬▬ ▬▬▬▬ ▬▬▬▬ ▬▬▬ ▬▬▬▬▬ ▬▬ ▬▬▬ ▬▬▬▬ ▬▬▬▬▬ ▬▬▬ ▬▬ ▬▬▬▬ ▬▬▬ ▬▬▬▬▬ ▬▬▬ ▬▬▬▬ ▬▬ ▬▬▬▬▬ ▬▬▬ ▬▬▬▬ ▬▬ ▬▬▬▬▬ ▬▬▬ ▬▬▬▬ ▬▬▬ ▬▬▬▬▬ ▬▬ ▬▬▬▬ ▬▬▬ ▬▬▬▬▬ ▬▬▬ ▬▬ ▬▬▬▬ ▬▬▬▬ ▬▬▬ ▬▬▬▬▬ ▬▬ ▬▬▬ ▬▬▬▬ ▬▬▬▬▬ ▬▬▬ ▬▬ ▬▬▬▬ ▬▬▬ ▬▬▬▬▬ ▬▬▬ ▬▬▬▬ ▬▬ ▬▬▬▬▬ ▬▬▬ ▬▬▬▬ ▬▬ ▬▬▬▬▬ ▬▬▬ ▬▬▬▬ ▬▬▬ ▬▬▬▬▬ ▬▬ ▬▬▬▬ ▬▬▬ ▬▬▬▬▬ ▬▬▬ ▬▬ ▬▬▬▬ ▬▬▬▬ ▬▬▬ ▬▬▬▬▬ ▬▬ ▬▬▬ ▬▬▬▬ ▬▬▬▬▬ ▬▬▬ ▬▬ ▬▬▬▬ ▬▬▬ ▬▬▬▬▬ ▬▬▬ ▬▬▬▬ ▬▬ ▬▬▬▬▬ ▬▬▬ ▬▬▬▬ ▬▬ ▬▬▬▬▬ ▬▬▬ ▬▬▬▬ ▬▬▬ ▬▬▬▬▬ ▬▬ ▬▬▬▬ ▬▬▬ ▬▬▬▬▬ ▬▬▬ ▬▬ ▬▬▬▬ ▬▬▬▬ ▬▬▬ ▬▬▬▬▬ ▬▬ ▬▬▬ ▬▬▬▬ ▬▬▬▬▬ ▬▬▬ ▬▬ ▬▬▬▬ ▬▬▬ ▬▬▬▬▬ ▬▬▬ ▬▬▬▬ ▬▬ ▬▬▬▬▬ ▬▬▬ ▬▬▬▬ ▬▬ ▬▬▬▬▬ ▬▬▬ ▬▬▬▬ ▬▬▬ ▬▬▬▬▬ ▬▬ ▬▬▬▬ ▬▬▬ ▬▬▬▬▬ ▬▬▬ ▬▬ ▬▬▬▬ ▬▬▬▬ ▬▬▬ ▬▬▬▬▬ ▬▬ ▬▬▬ ▬▬▬▬ ▬▬▬▬▬ ▬▬▬ ▬▬ ▬▬▬▬ ▬▬▬ ▬▬▬▬▬ ▬▬▬ ▬▬▬▬ ▬▬ ▬▬▬▬▬ ▬▬▬ ▬▬▬▬ ▬▬ ▬▬▬▬▬ ▬▬▬ ▬▬▬▬ ▬▬▬ ▬▬▬▬▬ ▬▬ ▬▬▬▬ ▬▬▬ ▬▬▬▬▬ ▬▬▬ ▬▬ ▬▬▬▬ ▬▬▬▬ ▬▬▬ ▬▬▬▬▬ ▬▬ ▬▬▬ ▬▬▬▬ ▬▬▬▬▬ ▬▬▬ ▬▬ ▬▬▬▬ ▬▬▬ ▬▬▬▬▬ ▬▬▬ ▬▬▬▬ ▬▬ ▬▬▬▬▬ ▬▬▬ ▬▬▬▬ ▬▬ ▬▬▬▬▬ ▬▬▬ ▬▬▬▬ ▬▬▬ ▬▬▬▬▬ ▬▬ ▬▬▬▬ ▬▬▬ ▬▬▬▬▬ ▬▬▬ ▬▬ ▬▬▬▬ ▬▬▬▬ ▬▬▬ ▬▬▬▬▬ ▬▬ ▬▬▬ ▬▬▬▬ ▬▬▬▬▬ ▬▬▬ ▬▬ ▬▬▬▬ ▬▬▬ ▬▬▬▬▬ ▬▬▬ ▬▬▬▬ ▬▬ ▬▬▬▬▬ ▬▬▬ ▬▬▬▬ ▬▬ ▬▬▬▬▬ ▬▬▬ ▬▬▬▬ ▬▬▬ ▬▬▬▬▬ ▬▬ ▬▬▬▬ ▬▬▬ ▬▬▬▬▬ ▬▬▬ ▬▬ ▬▬▬▬ ▬▬▬▬ ▬▬▬ ▬▬▬▬▬ ▬▬ ▬▬▬ ▬▬▬▬ ▬▬▬▬▬ ▬▬▬ ▬▬ ▬▬▬▬ ▬▬▬ ▬▬▬▬▬ ▬▬▬ ▬▬▬▬ ▬▬ ▬▬▬▬▬ ▬▬▬ ▬▬▬▬ ▬▬ ▬▬▬▬▬ ▬▬▬ ▬▬▬▬ ▬▬▬ ▬▬▬▬▬ ▬▬ ▬▬▬▬ ▬▬▬ ▬▬▬▬▬ ▬▬▬ ▬▬ ▬▬▬▬ ▬▬▬▬ ▬▬▬ ▬▬▬▬▬ ▬▬ ▬▬▬ ▬▬▬▬ ▬▬▬▬▬ ▬▬▬ ▬▬ ▬▬▬▬ ▬▬▬ ▬▬▬▬▬ ▬▬▬ ▬▬▬▬ ▬▬ ▬▬▬▬▬ ▬▬▬ ▬▬▬▬ ▬▬ ▬▬▬▬▬ ▬▬▬ ▬▬▬▬ ▬▬▬ ▬▬▬▬▬ ▬▬ ▬▬▬▬ ▬▬▬ ▬▬▬▬▬ ▬▬▬ ▬▬ ▬▬▬▬ ▬▬▬▬ ▬▬▬ ▬▬▬▬▬ ▬▬ ▬▬▬ ▬▬▬▬ ▬▬▬▬▬ ▬▬▬ ▬▬ ▬▬▬▬ ▬▬▬ ▬▬▬▬▬ ▬▬▬ ▬▬▬▬ ▬▬ ▬▬▬▬▬ ▬▬▬ ▬▬▬▬ ▬▬ ▬▬▬▬▬ ▬▬▬ ▬▬▬▬ ▬▬▬ ▬▬▬▬▬ ▬▬ ▬▬▬▬ ▬▬▬ ▬▬▬▬▬ ▬▬▬ ▬▬ ▬▬▬▬
ದೇಶ - ವಿದೇಶ
ಡೊನಾಲ್ಡ್ ಟ್ರಂಪ್ ಮೇಲಿನ ಮೂರನೇ ಕೊಲೆ ಯತ್ನ ವಿಫಲ
▬▬▬ ▬▬▬▬ ▬▬ ▬▬▬▬▬ ▬▬▬ ▬▬▬▬ ▬▬▬▬▬ ▬▬ ▬▬▬ ▬▬▬▬ ▬▬▬ ▬▬▬▬▬ ▬▬ ▬▬▬▬ ▬▬▬ ▬▬▬▬▬ ▬▬▬ ▬▬ ▬▬▬▬ ▬▬▬▬ ▬▬▬ ▬▬▬▬▬ ▬▬ ▬▬▬ ▬▬▬▬ ▬▬▬▬▬ ▬▬▬ ▬▬ ▬▬▬▬ ▬▬▬ ▬▬▬▬▬ ▬▬▬ ▬▬▬▬ ▬▬ ▬▬▬▬▬ ▬▬▬ ▬▬▬▬ ▬▬ ▬▬▬▬▬ ▬▬▬ ▬▬▬▬ ▬▬▬ ▬▬▬▬▬ ▬▬ ▬▬▬▬ ▬▬▬ ▬▬▬▬▬ ▬▬▬ ▬▬ ▬▬▬▬ ▬▬▬▬ ▬▬▬ ▬▬▬▬▬ ▬▬ ▬▬▬ ▬▬▬▬ ▬▬▬▬▬ ▬▬▬ ▬▬ ▬▬▬▬ ▬▬▬ ▬▬▬▬▬ ▬▬▬ ▬▬▬▬ ▬▬ ▬▬▬▬▬ ▬▬▬ ▬▬▬▬ ▬▬ ▬▬▬▬▬ ▬▬▬ ▬▬▬▬ ▬▬▬ ▬▬▬▬▬ ▬▬ ▬▬▬▬ ▬▬▬ ▬▬▬▬▬ ▬▬▬ ▬▬ ▬▬▬▬ ▬▬▬▬ ▬▬▬ ▬▬▬▬▬ ▬▬ ▬▬▬ ▬▬▬▬ ▬▬▬▬▬ ▬▬▬ ▬▬ ▬▬▬▬ ▬▬▬ ▬▬▬▬▬ ▬▬▬ ▬▬▬▬ ▬▬ ▬▬▬▬▬ ▬▬▬ ▬▬▬▬ ▬▬ ▬▬▬▬▬ ▬▬▬ ▬▬▬▬ ▬▬▬ ▬▬▬▬▬ ▬▬ ▬▬▬▬ ▬▬▬ ▬▬▬▬▬ ▬▬▬ ▬▬ ▬▬▬▬ ▬▬▬▬ ▬▬▬ ▬▬▬▬▬ ▬▬ ▬▬▬ ▬▬▬▬ ▬▬▬▬▬ ▬▬▬ ▬▬ ▬▬▬▬ ▬▬▬ ▬▬▬▬▬ ▬▬▬ ▬▬▬▬ ▬▬ ▬▬▬▬▬ ▬▬▬ ▬▬▬▬ ▬▬ ▬▬▬▬▬ ▬▬▬ ▬▬▬▬ ▬▬▬ ▬▬▬▬▬ ▬▬ ▬▬▬▬ ▬▬▬ ▬▬▬▬▬ ▬▬▬ ▬▬ ▬▬▬▬ ▬▬▬▬ ▬▬▬ ▬▬▬▬▬ ▬▬ ▬▬▬ ▬▬▬▬ ▬▬▬▬▬ ▬▬▬ ▬▬ ▬▬▬▬ ▬▬▬ ▬▬▬▬▬ ▬▬▬ ▬▬▬▬ ▬▬ ▬▬▬▬▬ ▬▬▬ ▬▬▬▬ ▬▬ ▬▬▬▬▬ ▬▬▬ ▬▬▬▬ ▬▬▬ ▬▬▬▬▬ ▬▬ ▬▬▬▬ ▬▬▬ ▬▬▬▬▬ ▬▬▬ ▬▬ ▬▬▬▬ ▬▬▬▬ ▬▬▬ ▬▬▬▬▬ ▬▬ ▬▬▬ ▬▬▬▬ ▬▬▬▬▬ ▬▬▬ ▬▬ ▬▬▬▬ ▬▬▬ ▬▬▬▬▬ ▬▬▬ ▬▬▬▬ ▬▬ ▬▬▬▬▬ ▬▬▬ ▬▬▬▬ ▬▬ ▬▬▬▬▬ ▬▬▬ ▬▬▬▬ ▬▬▬ ▬▬▬▬▬ ▬▬ ▬▬▬▬ ▬▬▬ ▬▬▬▬▬ ▬▬▬ ▬▬ ▬▬▬▬ ▬▬▬▬ ▬▬▬ ▬▬▬▬▬ ▬▬ ▬▬▬ ▬▬▬▬ ▬▬▬▬▬ ▬▬▬ ▬▬ ▬▬▬▬ ▬▬▬ ▬▬▬▬▬ ▬▬▬ ▬▬▬▬ ▬▬ ▬▬▬▬▬ ▬▬▬ ▬▬▬▬ ▬▬ ▬▬▬▬▬ ▬▬▬ ▬▬▬▬ ▬▬▬ ▬▬▬▬▬ ▬▬ ▬▬▬▬ ▬▬▬ ▬▬▬▬▬ ▬▬▬ ▬▬ ▬▬▬▬ ▬▬▬▬ ▬▬▬ ▬▬▬▬▬ ▬▬ ▬▬▬ ▬▬▬▬ ▬▬▬▬▬ ▬▬▬ ▬▬ ▬▬▬▬ ▬▬▬ ▬▬▬▬▬ ▬▬▬ ▬▬▬▬ ▬▬ ▬▬▬▬▬ ▬▬▬ ▬▬▬▬ ▬▬ ▬▬▬▬▬ ▬▬▬ ▬▬▬▬ ▬▬▬ ▬▬▬▬▬ ▬▬ ▬▬▬▬ ▬▬▬ ▬▬▬▬▬ ▬▬▬ ▬▬ ▬▬▬▬ ▬▬▬▬ ▬▬▬ ▬▬▬▬▬ ▬▬ ▬▬▬ ▬▬▬▬ ▬▬▬▬▬ ▬▬▬ ▬▬ ▬▬▬▬ ▬▬▬ ▬▬▬▬▬ ▬▬▬ ▬▬▬▬ ▬▬ ▬▬▬▬▬ ▬▬▬ ▬▬▬▬ ▬▬ ▬▬▬▬▬ ▬▬▬ ▬▬▬▬ ▬▬▬ ▬▬▬▬▬ ▬▬ ▬▬▬▬ ▬▬▬ ▬▬▬▬▬ ▬▬▬ ▬▬ ▬▬▬▬ ▬▬▬▬ ▬▬▬ ▬▬▬▬▬ ▬▬ ▬▬▬ ▬▬▬▬ ▬▬▬▬▬ ▬▬▬ ▬▬ ▬▬▬▬ ▬▬▬ ▬▬▬▬▬ ▬▬▬ ▬▬▬▬ ▬▬ ▬▬▬▬▬ ▬▬▬ ▬▬▬▬ ▬▬ ▬▬▬▬▬ ▬▬▬ ▬▬▬▬ ▬▬▬ ▬▬▬▬▬ ▬▬ ▬▬▬▬ ▬▬▬ ▬▬▬▬▬ ▬▬▬ ▬▬ ▬▬▬▬ ▬▬▬▬ ▬▬▬ ▬▬▬▬▬ ▬▬ ▬▬▬ ▬▬▬▬ ▬▬▬▬▬ ▬▬▬ ▬▬ ▬▬▬▬ ▬▬▬ ▬▬▬▬▬ ▬▬▬ ▬▬▬▬ ▬▬ ▬▬▬▬▬ ▬▬▬ ▬▬▬▬ ▬▬ ▬▬▬▬▬ ▬▬▬ ▬▬▬▬ ▬▬▬ ▬▬▬▬▬ ▬▬ ▬▬▬▬ ▬▬▬ ▬▬▬▬▬ ▬▬▬ ▬▬ ▬▬▬▬ ▬▬▬▬ ▬▬▬ ▬▬▬▬▬ ▬▬ ▬▬▬ ▬▬▬▬ ▬▬▬▬▬ ▬▬▬ ▬▬ ▬▬▬▬ ▬▬▬ ▬▬▬▬▬ ▬▬▬ ▬▬▬▬ ▬▬ ▬▬▬▬▬ ▬▬▬ ▬▬▬▬ ▬▬ ▬▬▬▬▬ ▬▬▬ ▬▬▬▬ ▬▬▬ ▬▬▬▬▬ ▬▬ ▬▬▬▬ ▬▬▬ ▬▬▬▬▬ ▬▬▬ ▬▬ ▬▬▬▬
▬▬▬ ▬▬▬▬ ▬▬ ▬▬▬▬▬ ▬▬▬ ▬▬▬▬ ▬▬▬▬▬ ▬▬ ▬▬▬ ▬▬▬▬ ▬▬▬ ▬▬▬▬▬ ▬▬ ▬▬▬▬ ▬▬▬ ▬▬▬▬▬ ▬▬▬ ▬▬ ▬▬▬▬ ▬▬▬▬ ▬▬▬ ▬▬▬▬▬ ▬▬ ▬▬▬ ▬▬▬▬ ▬▬▬▬▬ ▬▬▬ ▬▬ ▬▬▬▬ ▬▬▬ ▬▬▬▬▬ ▬▬▬ ▬▬▬▬ ▬▬ ▬▬▬▬▬ ▬▬▬ ▬▬▬▬ ▬▬ ▬▬▬▬▬ ▬▬▬ ▬▬▬▬ ▬▬▬ ▬▬▬▬▬ ▬▬ ▬▬▬▬ ▬▬▬ ▬▬▬▬▬ ▬▬▬ ▬▬ ▬▬▬▬ ▬▬▬▬ ▬▬▬ ▬▬▬▬▬ ▬▬ ▬▬▬ ▬▬▬▬ ▬▬▬▬▬ ▬▬▬ ▬▬ ▬▬▬▬ ▬▬▬ ▬▬▬▬▬ ▬▬▬ ▬▬▬▬ ▬▬ ▬▬▬▬▬ ▬▬▬ ▬▬▬▬ ▬▬ ▬▬▬▬▬ ▬▬▬ ▬▬▬▬ ▬▬▬ ▬▬▬▬▬ ▬▬ ▬▬▬▬ ▬▬▬ ▬▬▬▬▬ ▬▬▬ ▬▬ ▬▬▬▬ ▬▬▬▬ ▬▬▬ ▬▬▬▬▬ ▬▬ ▬▬▬ ▬▬▬▬ ▬▬▬▬▬ ▬▬▬ ▬▬ ▬▬▬▬ ▬▬▬ ▬▬▬▬▬ ▬▬▬ ▬▬▬▬ ▬▬ ▬▬▬▬▬ ▬▬▬ ▬▬▬▬ ▬▬ ▬▬▬▬▬ ▬▬▬ ▬▬▬▬ ▬▬▬ ▬▬▬▬▬ ▬▬ ▬▬▬▬ ▬▬▬ ▬▬▬▬▬ ▬▬▬ ▬▬ ▬▬▬▬ ▬▬▬▬ ▬▬▬ ▬▬▬▬▬ ▬▬ ▬▬▬ ▬▬▬▬ ▬▬▬▬▬ ▬▬▬ ▬▬ ▬▬▬▬ ▬▬▬ ▬▬▬▬▬ ▬▬▬ ▬▬▬▬ ▬▬ ▬▬▬▬▬ ▬▬▬ ▬▬▬▬ ▬▬ ▬▬▬▬▬ ▬▬▬ ▬▬▬▬ ▬▬▬ ▬▬▬▬▬ ▬▬ ▬▬▬▬ ▬▬▬ ▬▬▬▬▬ ▬▬▬ ▬▬ ▬▬▬▬ ▬▬▬▬ ▬▬▬ ▬▬▬▬▬ ▬▬ ▬▬▬ ▬▬▬▬ ▬▬▬▬▬ ▬▬▬ ▬▬ ▬▬▬▬ ▬▬▬ ▬▬▬▬▬ ▬▬▬ ▬▬▬▬ ▬▬ ▬▬▬▬▬ ▬▬▬ ▬▬▬▬ ▬▬ ▬▬▬▬▬ ▬▬▬ ▬▬▬▬ ▬▬▬ ▬▬▬▬▬ ▬▬ ▬▬▬▬ ▬▬▬ ▬▬▬▬▬ ▬▬▬ ▬▬ ▬▬▬▬ ▬▬▬▬ ▬▬▬ ▬▬▬▬▬ ▬▬ ▬▬▬ ▬▬▬▬ ▬▬▬▬▬ ▬▬▬ ▬▬ ▬▬▬▬ ▬▬▬ ▬▬▬▬▬ ▬▬▬ ▬▬▬▬ ▬▬ ▬▬▬▬▬ ▬▬▬ ▬▬▬▬ ▬▬ ▬▬▬▬▬ ▬▬▬ ▬▬▬▬ ▬▬▬ ▬▬▬▬▬ ▬▬ ▬▬▬▬ ▬▬▬ ▬▬▬▬▬ ▬▬▬ ▬▬ ▬▬▬▬ ▬▬▬▬ ▬▬▬ ▬▬▬▬▬ ▬▬ ▬▬▬ ▬▬▬▬ ▬▬▬▬▬ ▬▬▬ ▬▬ ▬▬▬▬ ▬▬▬ ▬▬▬▬▬ ▬▬▬ ▬▬▬▬ ▬▬ ▬▬▬▬▬ ▬▬▬ ▬▬▬▬ ▬▬ ▬▬▬▬▬ ▬▬▬ ▬▬▬▬ ▬▬▬ ▬▬▬▬▬ ▬▬ ▬▬▬▬ ▬▬▬ ▬▬▬▬▬ ▬▬▬ ▬▬ ▬▬▬▬ ▬▬▬▬ ▬▬▬ ▬▬▬▬▬ ▬▬ ▬▬▬ ▬▬▬▬ ▬▬▬▬▬ ▬▬▬ ▬▬ ▬▬▬▬ ▬▬▬ ▬▬▬▬▬ ▬▬▬ ▬▬▬▬ ▬▬ ▬▬▬▬▬ ▬▬▬ ▬▬▬▬ ▬▬ ▬▬▬▬▬ ▬▬▬ ▬▬▬▬ ▬▬▬ ▬▬▬▬▬ ▬▬ ▬▬▬▬ ▬▬▬ ▬▬▬▬▬ ▬▬▬ ▬▬ ▬▬▬▬ ▬▬▬▬ ▬▬▬ ▬▬▬▬▬ ▬▬ ▬▬▬ ▬▬▬▬ ▬▬▬▬▬ ▬▬▬ ▬▬ ▬▬▬▬ ▬▬▬ ▬▬▬▬▬ ▬▬▬ ▬▬▬▬ ▬▬ ▬▬▬▬▬ ▬▬▬ ▬▬▬▬ ▬▬ ▬▬▬▬▬ ▬▬▬ ▬▬▬▬ ▬▬▬ ▬▬▬▬▬ ▬▬ ▬▬▬▬ ▬▬▬ ▬▬▬▬▬ ▬▬▬ ▬▬ ▬▬▬▬ ▬▬▬▬ ▬▬▬ ▬▬▬▬▬ ▬▬ ▬▬▬ ▬▬▬▬ ▬▬▬▬▬ ▬▬▬ ▬▬ ▬▬▬▬ ▬▬▬ ▬▬▬▬▬ ▬▬▬ ▬▬▬▬ ▬▬ ▬▬▬▬▬ ▬▬▬ ▬▬▬▬ ▬▬ ▬▬▬▬▬ ▬▬▬ ▬▬▬▬ ▬▬▬ ▬▬▬▬▬ ▬▬ ▬▬▬▬ ▬▬▬ ▬▬▬▬▬ ▬▬▬ ▬▬ ▬▬▬▬ ▬▬▬▬ ▬▬▬ ▬▬▬▬▬ ▬▬ ▬▬▬ ▬▬▬▬ ▬▬▬▬▬ ▬▬▬ ▬▬ ▬▬▬▬ ▬▬▬ ▬▬▬▬▬ ▬▬▬ ▬▬▬▬ ▬▬ ▬▬▬▬▬ ▬▬▬ ▬▬▬▬ ▬▬ ▬▬▬▬▬ ▬▬▬ ▬▬▬▬ ▬▬▬ ▬▬▬▬▬ ▬▬ ▬▬▬▬ ▬▬▬ ▬▬▬▬▬ ▬▬▬ ▬▬ ▬▬▬▬ ▬▬▬▬ ▬▬▬ ▬▬▬▬▬ ▬▬ ▬▬▬ ▬▬▬▬ ▬▬▬▬▬ ▬▬▬ ▬▬ ▬▬▬▬ ▬▬▬ ▬▬▬▬▬ ▬▬▬ ▬▬▬▬ ▬▬ ▬▬▬▬▬ ▬▬▬ ▬▬▬▬ ▬▬ ▬▬▬▬▬ ▬▬▬ ▬▬▬▬ ▬▬▬ ▬▬▬▬▬ ▬▬ ▬▬▬▬ ▬▬▬ ▬▬▬▬▬ ▬▬▬ ▬▬ ▬▬▬▬
ಮೀನು ಕೊಡದ ಸ್ನೇಹಿತನನ್ನು ಕೊಂದ ನಾಲ್ವರು ಗೆಳೆಯರು
▬▬▬ ▬▬▬▬ ▬▬ ▬▬▬▬▬ ▬▬▬ ▬▬▬▬ ▬▬▬▬▬ ▬▬ ▬▬▬ ▬▬▬▬ ▬▬▬ ▬▬▬▬▬ ▬▬ ▬▬▬▬ ▬▬▬ ▬▬▬▬▬ ▬▬▬ ▬▬ ▬▬▬▬ ▬▬▬▬ ▬▬▬ ▬▬▬▬▬ ▬▬ ▬▬▬ ▬▬▬▬ ▬▬▬▬▬ ▬▬▬ ▬▬ ▬▬▬▬ ▬▬▬ ▬▬▬▬▬ ▬▬▬ ▬▬▬▬ ▬▬ ▬▬▬▬▬ ▬▬▬ ▬▬▬▬ ▬▬ ▬▬▬▬▬ ▬▬▬ ▬▬▬▬ ▬▬▬ ▬▬▬▬▬ ▬▬ ▬▬▬▬ ▬▬▬ ▬▬▬▬▬ ▬▬▬ ▬▬ ▬▬▬▬ ▬▬▬▬ ▬▬▬ ▬▬▬▬▬ ▬▬ ▬▬▬ ▬▬▬▬ ▬▬▬▬▬ ▬▬▬ ▬▬ ▬▬▬▬ ▬▬▬ ▬▬▬▬▬ ▬▬▬ ▬▬▬▬ ▬▬ ▬▬▬▬▬ ▬▬▬ ▬▬▬▬ ▬▬ ▬▬▬▬▬ ▬▬▬ ▬▬▬▬ ▬▬▬ ▬▬▬▬▬ ▬▬ ▬▬▬▬ ▬▬▬ ▬▬▬▬▬ ▬▬▬ ▬▬ ▬▬▬▬ ▬▬▬▬ ▬▬▬ ▬▬▬▬▬ ▬▬ ▬▬▬ ▬▬▬▬ ▬▬▬▬▬ ▬▬▬ ▬▬ ▬▬▬▬ ▬▬▬ ▬▬▬▬▬ ▬▬▬ ▬▬▬▬ ▬▬ ▬▬▬▬▬ ▬▬▬ ▬▬▬▬ ▬▬ ▬▬▬▬▬ ▬▬▬ ▬▬▬▬ ▬▬▬ ▬▬▬▬▬ ▬▬ ▬▬▬▬ ▬▬▬ ▬▬▬▬▬ ▬▬▬ ▬▬ ▬▬▬▬ ▬▬▬▬ ▬▬▬ ▬▬▬▬▬ ▬▬ ▬▬▬ ▬▬▬▬ ▬▬▬▬▬ ▬▬▬ ▬▬ ▬▬▬▬ ▬▬▬ ▬▬▬▬▬ ▬▬▬ ▬▬▬▬ ▬▬ ▬▬▬▬▬ ▬▬▬ ▬▬▬▬ ▬▬ ▬▬▬▬▬ ▬▬▬ ▬▬▬▬ ▬▬▬ ▬▬▬▬▬ ▬▬ ▬▬▬▬ ▬▬▬ ▬▬▬▬▬ ▬▬▬ ▬▬ ▬▬▬▬ ▬▬▬▬ ▬▬▬ ▬▬▬▬▬ ▬▬ ▬▬▬ ▬▬▬▬ ▬▬▬▬▬ ▬▬▬ ▬▬ ▬▬▬▬ ▬▬▬ ▬▬▬▬▬ ▬▬▬ ▬▬▬▬ ▬▬ ▬▬▬▬▬ ▬▬▬ ▬▬▬▬ ▬▬ ▬▬▬▬▬ ▬▬▬ ▬▬▬▬ ▬▬▬ ▬▬▬▬▬ ▬▬ ▬▬▬▬ ▬▬▬ ▬▬▬▬▬ ▬▬▬ ▬▬ ▬▬▬▬ ▬▬▬▬ ▬▬▬ ▬▬▬▬▬ ▬▬ ▬▬▬ ▬▬▬▬ ▬▬▬▬▬ ▬▬▬ ▬▬ ▬▬▬▬ ▬▬▬ ▬▬▬▬▬ ▬▬▬ ▬▬▬▬ ▬▬ ▬▬▬▬▬ ▬▬▬ ▬▬▬▬ ▬▬ ▬▬▬▬▬ ▬▬▬ ▬▬▬▬ ▬▬▬ ▬▬▬▬▬ ▬▬ ▬▬▬▬ ▬▬▬ ▬▬▬▬▬ ▬▬▬ ▬▬ ▬▬▬▬ ▬▬▬▬ ▬▬▬ ▬▬▬▬▬ ▬▬ ▬▬▬ ▬▬▬▬ ▬▬▬▬▬ ▬▬▬ ▬▬ ▬▬▬▬ ▬▬▬ ▬▬▬▬▬ ▬▬▬ ▬▬▬▬ ▬▬ ▬▬▬▬▬ ▬▬▬ ▬▬▬▬ ▬▬ ▬▬▬▬▬ ▬▬▬ ▬▬▬▬ ▬▬▬ ▬▬▬▬▬ ▬▬ ▬▬▬▬ ▬▬▬ ▬▬▬▬▬ ▬▬▬ ▬▬ ▬▬▬▬ ▬▬▬▬ ▬▬▬ ▬▬▬▬▬ ▬▬ ▬▬▬ ▬▬▬▬ ▬▬▬▬▬ ▬▬▬ ▬▬ ▬▬▬▬ ▬▬▬ ▬▬▬▬▬ ▬▬▬ ▬▬▬▬ ▬▬ ▬▬▬▬▬ ▬▬▬ ▬▬▬▬ ▬▬ ▬▬▬▬▬ ▬▬▬ ▬▬▬▬ ▬▬▬ ▬▬▬▬▬ ▬▬ ▬▬▬▬ ▬▬▬ ▬▬▬▬▬ ▬▬▬ ▬▬ ▬▬▬▬ ▬▬▬▬ ▬▬▬ ▬▬▬▬▬ ▬▬ ▬▬▬ ▬▬▬▬ ▬▬▬▬▬ ▬▬▬ ▬▬ ▬▬▬▬ ▬▬▬ ▬▬▬▬▬ ▬▬▬ ▬▬▬▬ ▬▬ ▬▬▬▬▬ ▬▬▬ ▬▬▬▬ ▬▬ ▬▬▬▬▬ ▬▬▬ ▬▬▬▬ ▬▬▬ ▬▬▬▬▬ ▬▬ ▬▬▬▬ ▬▬▬ ▬▬▬▬▬ ▬▬▬ ▬▬ ▬▬▬▬ ▬▬▬▬ ▬▬▬ ▬▬▬▬▬ ▬▬ ▬▬▬ ▬▬▬▬ ▬▬▬▬▬ ▬▬▬ ▬▬ ▬▬▬▬ ▬▬▬ ▬▬▬▬▬ ▬▬▬ ▬▬▬▬ ▬▬ ▬▬▬▬▬ ▬▬▬ ▬▬▬▬ ▬▬ ▬▬▬▬▬ ▬▬▬ ▬▬▬▬ ▬▬▬ ▬▬▬▬▬ ▬▬ ▬▬▬▬ ▬▬▬ ▬▬▬▬▬ ▬▬▬ ▬▬ ▬▬▬▬ ▬▬▬▬ ▬▬▬ ▬▬▬▬▬ ▬▬ ▬▬▬ ▬▬▬▬ ▬▬▬▬▬ ▬▬▬ ▬▬ ▬▬▬▬ ▬▬▬ ▬▬▬▬▬ ▬▬▬ ▬▬▬▬ ▬▬ ▬▬▬▬▬ ▬▬▬ ▬▬▬▬ ▬▬ ▬▬▬▬▬ ▬▬▬ ▬▬▬▬ ▬▬▬ ▬▬▬▬▬ ▬▬ ▬▬▬▬ ▬▬▬ ▬▬▬▬▬ ▬▬▬ ▬▬ ▬▬▬▬ ▬▬▬▬ ▬▬▬ ▬▬▬▬▬ ▬▬ ▬▬▬ ▬▬▬▬ ▬▬▬▬▬ ▬▬▬ ▬▬ ▬▬▬▬ ▬▬▬ ▬▬▬▬▬ ▬▬▬ ▬▬▬▬ ▬▬ ▬▬▬▬▬ ▬▬▬ ▬▬▬▬ ▬▬ ▬▬▬▬▬ ▬▬▬ ▬▬▬▬ ▬▬▬ ▬▬▬▬▬ ▬▬ ▬▬▬▬ ▬▬▬ ▬▬▬▬▬ ▬▬▬ ▬▬ ▬▬▬▬
ದ್ವೀಪರಾಷ್ಟ್ರ ತೈವಾನ್ ಸುತ್ತುವರಿದ ಚೀನಾ ಸೇನೆ
▬▬▬ ▬▬▬▬ ▬▬ ▬▬▬▬▬ ▬▬▬ ▬▬▬▬ ▬▬▬▬▬ ▬▬ ▬▬▬ ▬▬▬▬ ▬▬▬ ▬▬▬▬▬ ▬▬ ▬▬▬▬ ▬▬▬ ▬▬▬▬▬ ▬▬▬ ▬▬ ▬▬▬▬ ▬▬▬▬ ▬▬▬ ▬▬▬▬▬ ▬▬ ▬▬▬ ▬▬▬▬ ▬▬▬▬▬ ▬▬▬ ▬▬ ▬▬▬▬ ▬▬▬ ▬▬▬▬▬ ▬▬▬ ▬▬▬▬ ▬▬ ▬▬▬▬▬ ▬▬▬ ▬▬▬▬ ▬▬ ▬▬▬▬▬ ▬▬▬ ▬▬▬▬ ▬▬▬ ▬▬▬▬▬ ▬▬ ▬▬▬▬ ▬▬▬ ▬▬▬▬▬ ▬▬▬ ▬▬ ▬▬▬▬ ▬▬▬▬ ▬▬▬ ▬▬▬▬▬ ▬▬ ▬▬▬ ▬▬▬▬ ▬▬▬▬▬ ▬▬▬ ▬▬ ▬▬▬▬ ▬▬▬ ▬▬▬▬▬ ▬▬▬ ▬▬▬▬ ▬▬ ▬▬▬▬▬ ▬▬▬ ▬▬▬▬ ▬▬ ▬▬▬▬▬ ▬▬▬ ▬▬▬▬ ▬▬▬ ▬▬▬▬▬ ▬▬ ▬▬▬▬ ▬▬▬ ▬▬▬▬▬ ▬▬▬ ▬▬ ▬▬▬▬ ▬▬▬▬ ▬▬▬ ▬▬▬▬▬ ▬▬ ▬▬▬ ▬▬▬▬ ▬▬▬▬▬ ▬▬▬ ▬▬ ▬▬▬▬ ▬▬▬ ▬▬▬▬▬ ▬▬▬ ▬▬▬▬ ▬▬ ▬▬▬▬▬ ▬▬▬ ▬▬▬▬ ▬▬ ▬▬▬▬▬ ▬▬▬ ▬▬▬▬ ▬▬▬ ▬▬▬▬▬ ▬▬ ▬▬▬▬ ▬▬▬ ▬▬▬▬▬ ▬▬▬ ▬▬ ▬▬▬▬ ▬▬▬▬ ▬▬▬ ▬▬▬▬▬ ▬▬ ▬▬▬ ▬▬▬▬ ▬▬▬▬▬ ▬▬▬ ▬▬ ▬▬▬▬ ▬▬▬ ▬▬▬▬▬ ▬▬▬ ▬▬▬▬ ▬▬ ▬▬▬▬▬ ▬▬▬ ▬▬▬▬ ▬▬ ▬▬▬▬▬ ▬▬▬ ▬▬▬▬ ▬▬▬ ▬▬▬▬▬ ▬▬ ▬▬▬▬ ▬▬▬ ▬▬▬▬▬ ▬▬▬ ▬▬ ▬▬▬▬ ▬▬▬▬ ▬▬▬ ▬▬▬▬▬ ▬▬ ▬▬▬ ▬▬▬▬ ▬▬▬▬▬ ▬▬▬ ▬▬ ▬▬▬▬ ▬▬▬ ▬▬▬▬▬ ▬▬▬ ▬▬▬▬ ▬▬ ▬▬▬▬▬ ▬▬▬ ▬▬▬▬ ▬▬ ▬▬▬▬▬ ▬▬▬ ▬▬▬▬ ▬▬▬ ▬▬▬▬▬ ▬▬ ▬▬▬▬ ▬▬▬ ▬▬▬▬▬ ▬▬▬ ▬▬ ▬▬▬▬ ▬▬▬▬ ▬▬▬ ▬▬▬▬▬ ▬▬ ▬▬▬ ▬▬▬▬ ▬▬▬▬▬ ▬▬▬ ▬▬ ▬▬▬▬ ▬▬▬ ▬▬▬▬▬ ▬▬▬ ▬▬▬▬ ▬▬ ▬▬▬▬▬ ▬▬▬ ▬▬▬▬ ▬▬ ▬▬▬▬▬ ▬▬▬ ▬▬▬▬ ▬▬▬ ▬▬▬▬▬ ▬▬ ▬▬▬▬ ▬▬▬ ▬▬▬▬▬ ▬▬▬ ▬▬ ▬▬▬▬ ▬▬▬▬ ▬▬▬ ▬▬▬▬▬ ▬▬ ▬▬▬ ▬▬▬▬ ▬▬▬▬▬ ▬▬▬ ▬▬ ▬▬▬▬ ▬▬▬ ▬▬▬▬▬ ▬▬▬ ▬▬▬▬ ▬▬ ▬▬▬▬▬ ▬▬▬ ▬▬▬▬ ▬▬ ▬▬▬▬▬ ▬▬▬ ▬▬▬▬ ▬▬▬ ▬▬▬▬▬ ▬▬ ▬▬▬▬ ▬▬▬ ▬▬▬▬▬ ▬▬▬ ▬▬ ▬▬▬▬ ▬▬▬▬ ▬▬▬ ▬▬▬▬▬ ▬▬ ▬▬▬ ▬▬▬▬ ▬▬▬▬▬ ▬▬▬ ▬▬ ▬▬▬▬ ▬▬▬ ▬▬▬▬▬ ▬▬▬ ▬▬▬▬ ▬▬ ▬▬▬▬▬ ▬▬▬ ▬▬▬▬ ▬▬ ▬▬▬▬▬ ▬▬▬ ▬▬▬▬ ▬▬▬ ▬▬▬▬▬ ▬▬ ▬▬▬▬ ▬▬▬ ▬▬▬▬▬ ▬▬▬ ▬▬ ▬▬▬▬ ▬▬▬▬ ▬▬▬ ▬▬▬▬▬ ▬▬ ▬▬▬ ▬▬▬▬ ▬▬▬▬▬ ▬▬▬ ▬▬ ▬▬▬▬ ▬▬▬ ▬▬▬▬▬ ▬▬▬ ▬▬▬▬ ▬▬ ▬▬▬▬▬ ▬▬▬ ▬▬▬▬ ▬▬ ▬▬▬▬▬ ▬▬▬ ▬▬▬▬ ▬▬▬ ▬▬▬▬▬ ▬▬ ▬▬▬▬ ▬▬▬ ▬▬▬▬▬ ▬▬▬ ▬▬ ▬▬▬▬ ▬▬▬▬ ▬▬▬ ▬▬▬▬▬ ▬▬ ▬▬▬ ▬▬▬▬ ▬▬▬▬▬ ▬▬▬ ▬▬ ▬▬▬▬ ▬▬▬ ▬▬▬▬▬ ▬▬▬ ▬▬▬▬ ▬▬ ▬▬▬▬▬ ▬▬▬ ▬▬▬▬ ▬▬ ▬▬▬▬▬ ▬▬▬ ▬▬▬▬ ▬▬▬ ▬▬▬▬▬ ▬▬ ▬▬▬▬ ▬▬▬ ▬▬▬▬▬ ▬▬▬ ▬▬ ▬▬▬▬ ▬▬▬▬ ▬▬▬ ▬▬▬▬▬ ▬▬ ▬▬▬ ▬▬▬▬ ▬▬▬▬▬ ▬▬▬ ▬▬ ▬▬▬▬ ▬▬▬ ▬▬▬▬▬ ▬▬▬ ▬▬▬▬ ▬▬ ▬▬▬▬▬ ▬▬▬ ▬▬▬▬ ▬▬ ▬▬▬▬▬ ▬▬▬ ▬▬▬▬ ▬▬▬ ▬▬▬▬▬ ▬▬ ▬▬▬▬ ▬▬▬ ▬▬▬▬▬ ▬▬▬ ▬▬ ▬▬▬▬ ▬▬▬▬ ▬▬▬ ▬▬▬▬▬ ▬▬ ▬▬▬ ▬▬▬▬ ▬▬▬▬▬ ▬▬▬ ▬▬ ▬▬▬▬ ▬▬▬ ▬▬▬▬▬ ▬▬▬ ▬▬▬▬ ▬▬ ▬▬▬▬▬ ▬▬▬ ▬▬▬▬ ▬▬ ▬▬▬▬▬ ▬▬▬ ▬▬▬▬ ▬▬▬ ▬▬▬▬▬ ▬▬ ▬▬▬▬ ▬▬▬ ▬▬▬▬▬ ▬▬▬ ▬▬ ▬▬▬▬
▬▬▬ ▬▬▬▬ ▬▬ ▬▬▬▬▬ ▬▬▬ ▬▬▬▬ ▬▬▬▬▬ ▬▬ ▬▬▬ ▬▬▬▬ ▬▬▬ ▬▬▬▬▬ ▬▬ ▬▬▬▬ ▬▬▬ ▬▬▬▬▬ ▬▬▬ ▬▬ ▬▬▬▬ ▬▬▬▬ ▬▬▬ ▬▬▬▬▬ ▬▬ ▬▬▬ ▬▬▬▬ ▬▬▬▬▬ ▬▬▬ ▬▬ ▬▬▬▬ ▬▬▬ ▬▬▬▬▬ ▬▬▬ ▬▬▬▬ ▬▬ ▬▬▬▬▬ ▬▬▬ ▬▬▬▬ ▬▬ ▬▬▬▬▬ ▬▬▬ ▬▬▬▬ ▬▬▬ ▬▬▬▬▬ ▬▬ ▬▬▬▬ ▬▬▬ ▬▬▬▬▬ ▬▬▬ ▬▬ ▬▬▬▬ ▬▬▬▬ ▬▬▬ ▬▬▬▬▬ ▬▬ ▬▬▬ ▬▬▬▬ ▬▬▬▬▬ ▬▬▬ ▬▬ ▬▬▬▬ ▬▬▬ ▬▬▬▬▬ ▬▬▬ ▬▬▬▬ ▬▬ ▬▬▬▬▬ ▬▬▬ ▬▬▬▬ ▬▬ ▬▬▬▬▬ ▬▬▬ ▬▬▬▬ ▬▬▬ ▬▬▬▬▬ ▬▬ ▬▬▬▬ ▬▬▬ ▬▬▬▬▬ ▬▬▬ ▬▬ ▬▬▬▬ ▬▬▬▬ ▬▬▬ ▬▬▬▬▬ ▬▬ ▬▬▬ ▬▬▬▬ ▬▬▬▬▬ ▬▬▬ ▬▬ ▬▬▬▬ ▬▬▬ ▬▬▬▬▬ ▬▬▬ ▬▬▬▬ ▬▬ ▬▬▬▬▬ ▬▬▬ ▬▬▬▬ ▬▬ ▬▬▬▬▬ ▬▬▬ ▬▬▬▬ ▬▬▬ ▬▬▬▬▬ ▬▬ ▬▬▬▬ ▬▬▬ ▬▬▬▬▬ ▬▬▬ ▬▬ ▬▬▬▬ ▬▬▬▬ ▬▬▬ ▬▬▬▬▬ ▬▬ ▬▬▬ ▬▬▬▬ ▬▬▬▬▬ ▬▬▬ ▬▬ ▬▬▬▬ ▬▬▬ ▬▬▬▬▬ ▬▬▬ ▬▬▬▬ ▬▬ ▬▬▬▬▬ ▬▬▬ ▬▬▬▬ ▬▬ ▬▬▬▬▬ ▬▬▬ ▬▬▬▬ ▬▬▬ ▬▬▬▬▬ ▬▬ ▬▬▬▬ ▬▬▬ ▬▬▬▬▬ ▬▬▬ ▬▬ ▬▬▬▬ ▬▬▬▬ ▬▬▬ ▬▬▬▬▬ ▬▬ ▬▬▬ ▬▬▬▬ ▬▬▬▬▬ ▬▬▬ ▬▬ ▬▬▬▬ ▬▬▬ ▬▬▬▬▬ ▬▬▬ ▬▬▬▬ ▬▬ ▬▬▬▬▬ ▬▬▬ ▬▬▬▬ ▬▬ ▬▬▬▬▬ ▬▬▬ ▬▬▬▬ ▬▬▬ ▬▬▬▬▬ ▬▬ ▬▬▬▬ ▬▬▬ ▬▬▬▬▬ ▬▬▬ ▬▬ ▬▬▬▬ ▬▬▬▬ ▬▬▬ ▬▬▬▬▬ ▬▬ ▬▬▬ ▬▬▬▬ ▬▬▬▬▬ ▬▬▬ ▬▬ ▬▬▬▬ ▬▬▬ ▬▬▬▬▬ ▬▬▬ ▬▬▬▬ ▬▬ ▬▬▬▬▬ ▬▬▬ ▬▬▬▬ ▬▬ ▬▬▬▬▬ ▬▬▬ ▬▬▬▬ ▬▬▬ ▬▬▬▬▬ ▬▬ ▬▬▬▬ ▬▬▬ ▬▬▬▬▬ ▬▬▬ ▬▬ ▬▬▬▬ ▬▬▬▬ ▬▬▬ ▬▬▬▬▬ ▬▬ ▬▬▬ ▬▬▬▬ ▬▬▬▬▬ ▬▬▬ ▬▬ ▬▬▬▬ ▬▬▬ ▬▬▬▬▬ ▬▬▬ ▬▬▬▬ ▬▬ ▬▬▬▬▬ ▬▬▬ ▬▬▬▬ ▬▬ ▬▬▬▬▬ ▬▬▬ ▬▬▬▬ ▬▬▬ ▬▬▬▬▬ ▬▬ ▬▬▬▬ ▬▬▬ ▬▬▬▬▬ ▬▬▬ ▬▬ ▬▬▬▬ ▬▬▬▬ ▬▬▬ ▬▬▬▬▬ ▬▬ ▬▬▬ ▬▬▬▬ ▬▬▬▬▬ ▬▬▬ ▬▬ ▬▬▬▬ ▬▬▬ ▬▬▬▬▬ ▬▬▬ ▬▬▬▬ ▬▬ ▬▬▬▬▬ ▬▬▬ ▬▬▬▬ ▬▬ ▬▬▬▬▬ ▬▬▬ ▬▬▬▬ ▬▬▬ ▬▬▬▬▬ ▬▬ ▬▬▬▬ ▬▬▬ ▬▬▬▬▬ ▬▬▬ ▬▬ ▬▬▬▬ ▬▬▬▬ ▬▬▬ ▬▬▬▬▬ ▬▬ ▬▬▬ ▬▬▬▬ ▬▬▬▬▬ ▬▬▬ ▬▬ ▬▬▬▬ ▬▬▬ ▬▬▬▬▬ ▬▬▬ ▬▬▬▬ ▬▬ ▬▬▬▬▬ ▬▬▬ ▬▬▬▬ ▬▬ ▬▬▬▬▬ ▬▬▬ ▬▬▬▬ ▬▬▬ ▬▬▬▬▬ ▬▬ ▬▬▬▬ ▬▬▬ ▬▬▬▬▬ ▬▬▬ ▬▬ ▬▬▬▬ ▬▬▬▬ ▬▬▬ ▬▬▬▬▬ ▬▬ ▬▬▬ ▬▬▬▬ ▬▬▬▬▬ ▬▬▬ ▬▬ ▬▬▬▬ ▬▬▬ ▬▬▬▬▬ ▬▬▬ ▬▬▬▬ ▬▬ ▬▬▬▬▬ ▬▬▬ ▬▬▬▬ ▬▬ ▬▬▬▬▬ ▬▬▬ ▬▬▬▬ ▬▬▬ ▬▬▬▬▬ ▬▬ ▬▬▬▬ ▬▬▬ ▬▬▬▬▬ ▬▬▬ ▬▬ ▬▬▬▬ ▬▬▬▬ ▬▬▬ ▬▬▬▬▬ ▬▬ ▬▬▬ ▬▬▬▬ ▬▬▬▬▬ ▬▬▬ ▬▬ ▬▬▬▬ ▬▬▬ ▬▬▬▬▬ ▬▬▬ ▬▬▬▬ ▬▬ ▬▬▬▬▬ ▬▬▬ ▬▬▬▬ ▬▬ ▬▬▬▬▬ ▬▬▬ ▬▬▬▬ ▬▬▬ ▬▬▬▬▬ ▬▬ ▬▬▬▬ ▬▬▬ ▬▬▬▬▬ ▬▬▬ ▬▬ ▬▬▬▬ ▬▬▬▬ ▬▬▬ ▬▬▬▬▬ ▬▬ ▬▬▬ ▬▬▬▬ ▬▬▬▬▬ ▬▬▬ ▬▬ ▬▬▬▬ ▬▬▬ ▬▬▬▬▬ ▬▬▬ ▬▬▬▬ ▬▬ ▬▬▬▬▬ ▬▬▬ ▬▬▬▬ ▬▬ ▬▬▬▬▬ ▬▬▬ ▬▬▬▬ ▬▬▬ ▬▬▬▬▬ ▬▬ ▬▬▬▬ ▬▬▬ ▬▬▬▬▬ ▬▬▬ ▬▬ ▬▬▬▬	ಕೆನಡಾದಿಂದ ಹೈಕಮಿಷನರ್ ಹಿಂಪಡೆದ ಭಾರತ
▬▬▬ ▬▬▬▬ ▬▬ ▬▬▬▬▬ ▬▬▬ ▬▬▬▬ ▬▬▬▬▬ ▬▬ ▬▬▬ ▬▬▬▬ ▬▬▬ ▬▬▬▬▬ ▬▬ ▬▬▬▬ ▬▬▬ ▬▬▬▬▬ ▬▬▬ ▬▬ ▬▬▬▬ ▬▬▬▬ ▬▬▬ ▬▬▬▬▬ ▬▬ ▬▬▬ ▬▬▬▬ ▬▬▬▬▬ ▬▬▬ ▬▬ ▬▬▬▬ ▬▬▬ ▬▬▬▬▬ ▬▬▬ ▬▬▬▬ ▬▬ ▬▬▬▬▬ ▬▬▬ ▬▬▬▬ ▬▬ ▬▬▬▬▬ ▬▬▬ ▬▬▬▬ ▬▬▬ ▬▬▬▬▬ ▬▬ ▬▬▬▬ ▬▬▬ ▬▬▬▬▬ ▬▬▬ ▬▬ ▬▬▬▬ ▬▬▬▬ ▬▬▬ ▬▬▬▬▬ ▬▬ ▬▬▬ ▬▬▬▬ ▬▬▬▬▬ ▬▬▬ ▬▬ ▬▬▬▬ ▬▬▬ ▬▬▬▬▬ ▬▬▬ ▬▬▬▬ ▬▬ ▬▬▬▬▬ ▬▬▬ ▬▬▬▬ ▬▬ ▬▬▬▬▬ ▬▬▬ ▬▬▬▬ ▬▬▬ ▬▬▬▬▬ ▬▬ ▬▬▬▬ ▬▬▬ ▬▬▬▬▬ ▬▬▬ ▬▬ ▬▬▬▬ ▬▬▬▬ ▬▬▬ ▬▬▬▬▬ ▬▬ ▬▬▬ ▬▬▬▬ ▬▬▬▬▬ ▬▬▬ ▬▬ ▬▬▬▬ ▬▬▬ ▬▬▬▬▬ ▬▬▬ ▬▬▬▬ ▬▬ ▬▬▬▬▬ ▬▬▬ ▬▬▬▬ ▬▬ ▬▬▬▬▬ ▬▬▬ ▬▬▬▬ ▬▬▬ ▬▬▬▬▬ ▬▬ ▬▬▬▬ ▬▬▬ ▬▬▬▬▬ ▬▬▬ ▬▬ ▬▬▬▬ ▬▬▬▬ ▬▬▬ ▬▬▬▬▬ ▬▬ ▬▬▬ ▬▬▬▬ ▬▬▬▬▬ ▬▬▬ ▬▬ ▬▬▬▬ ▬▬▬ ▬▬▬▬▬ ▬▬▬ ▬▬▬▬ ▬▬ ▬▬▬▬▬ ▬▬▬ ▬▬▬▬ ▬▬ ▬▬▬▬▬ ▬▬▬ ▬▬▬▬ ▬▬▬ ▬▬▬▬▬ ▬▬ ▬▬▬▬ ▬▬▬ ▬▬▬▬▬ ▬▬▬ ▬▬ ▬▬▬▬ ▬▬▬▬ ▬▬▬ ▬▬▬▬▬ ▬▬ ▬▬▬ ▬▬▬▬ ▬▬▬▬▬ ▬▬▬ ▬▬ ▬▬▬▬ ▬▬▬ ▬▬▬▬▬ ▬▬▬ ▬▬▬▬ ▬▬ ▬▬▬▬▬ ▬▬▬ ▬▬▬▬ ▬▬ ▬▬▬▬▬ ▬▬▬ ▬▬▬▬ ▬▬▬ ▬▬▬▬▬ ▬▬ ▬▬▬▬ ▬▬▬ ▬▬▬▬▬ ▬▬▬ ▬▬ ▬▬▬▬ ▬▬▬▬ ▬▬▬ ▬▬▬▬▬ ▬▬ ▬▬▬ ▬▬▬▬ ▬▬▬▬▬ ▬▬▬ ▬▬ ▬▬▬▬ ▬▬▬ ▬▬▬▬▬ ▬▬▬ ▬▬▬▬ ▬▬ ▬▬▬▬▬ ▬▬▬ ▬▬▬▬ ▬▬ ▬▬▬▬▬ ▬▬▬ ▬▬▬▬ ▬▬▬ ▬▬▬▬▬ ▬▬ ▬▬▬▬ ▬▬▬ ▬▬▬▬▬ ▬▬▬ ▬▬ ▬▬▬▬ ▬▬▬▬ ▬▬▬ ▬▬▬▬▬ ▬▬ ▬▬▬ ▬▬▬▬ ▬▬▬▬▬ ▬▬▬ ▬▬ ▬▬▬▬ ▬▬▬ ▬▬▬▬▬ ▬▬▬ ▬▬▬▬ ▬▬ ▬▬▬▬▬ ▬▬▬ ▬▬▬▬ ▬▬ ▬▬▬▬▬ ▬▬▬ ▬▬▬▬ ▬▬▬ ▬▬▬▬▬ ▬▬ ▬▬▬▬ ▬▬▬ ▬▬▬▬▬ ▬▬▬ ▬▬ ▬▬▬▬ ▬▬▬▬ ▬▬▬ ▬▬▬▬▬ ▬▬ ▬▬▬ ▬▬▬▬ ▬▬▬▬▬ ▬▬▬ ▬▬ ▬▬▬▬ ▬▬▬ ▬▬▬▬▬ ▬▬▬ ▬▬▬▬ ▬▬ ▬▬▬▬▬ ▬▬▬ ▬▬▬▬ ▬▬ ▬▬▬▬▬ ▬▬▬ ▬▬▬▬ ▬▬▬ ▬▬▬▬▬ ▬▬ ▬▬▬▬ ▬▬▬ ▬▬▬▬▬ ▬▬▬ ▬▬ ▬▬▬▬ ▬▬▬▬ ▬▬▬ ▬▬▬▬▬ ▬▬ ▬▬▬ ▬▬▬▬ ▬▬▬▬▬ ▬▬▬ ▬▬ ▬▬▬▬ ▬▬▬ ▬▬▬▬▬ ▬▬▬ ▬▬▬▬ ▬▬ ▬▬▬▬▬ ▬▬▬ ▬▬▬▬ ▬▬ ▬▬▬▬▬ ▬▬▬ ▬▬▬▬ ▬▬▬ ▬▬▬▬▬ ▬▬ ▬▬▬▬ ▬▬▬ ▬▬▬▬▬ ▬▬▬ ▬▬ ▬▬▬▬ ▬▬▬▬ ▬▬▬ ▬▬▬▬▬ ▬▬ ▬▬▬ ▬▬▬▬ ▬▬▬▬▬ ▬▬▬ ▬▬ ▬▬▬▬ ▬▬▬ ▬▬▬▬▬ ▬▬▬ ▬▬▬▬ ▬▬ ▬▬▬▬▬ ▬▬▬ ▬▬▬▬ ▬▬ ▬▬▬▬▬ ▬▬▬ ▬▬▬▬ ▬▬▬ ▬▬▬▬▬ ▬▬ ▬▬▬▬ ▬▬▬ ▬▬▬▬▬ ▬▬▬ ▬▬ ▬▬▬▬ ▬▬▬▬ ▬▬▬ ▬▬▬▬▬ ▬▬ ▬▬▬ ▬▬▬▬ ▬▬▬▬▬ ▬▬▬ ▬▬ ▬▬▬▬ ▬▬▬ ▬▬▬▬▬ ▬▬▬ ▬▬▬▬ ▬▬ ▬▬▬▬▬ ▬▬▬ ▬▬▬▬ ▬▬ ▬▬▬▬▬ ▬▬▬ ▬▬▬▬ ▬▬▬ ▬▬▬▬▬ ▬▬ ▬▬▬▬ ▬▬▬ ▬▬▬▬▬ ▬▬▬ ▬▬ ▬▬▬▬ ▬▬▬▬ ▬▬▬ ▬▬▬▬▬ ▬▬ ▬▬▬ ▬▬▬▬ ▬▬▬▬▬ ▬▬▬ ▬▬ ▬▬▬▬ ▬▬▬ ▬▬▬▬▬ ▬▬▬ ▬▬▬▬ ▬▬ ▬▬▬▬▬ ▬▬▬ ▬▬▬▬ ▬▬ ▬▬▬▬▬ ▬▬▬ ▬▬▬▬ ▬▬▬ ▬▬▬▬▬ ▬▬ ▬▬▬▬ ▬▬▬ ▬▬▬▬▬ ▬▬▬ ▬▬ ▬▬▬▬
MEA
ಮುಂಬೈನಿಂದ ಹೊರಡುವ 2 ಇಂಡಿಗೋ ವಿಮಾನಗಳಿಗೆ ಬಾಂಬ್ ಬೆದರಿಕೆ
▬▬▬ ▬▬▬▬ ▬▬ ▬▬▬▬▬ ▬▬▬ ▬▬▬▬ ▬▬▬▬▬ ▬▬ ▬▬▬ ▬▬▬▬ ▬▬▬ ▬▬▬▬▬ ▬▬ ▬▬▬▬ ▬▬▬ ▬▬▬▬▬ ▬▬▬ ▬▬ ▬▬▬▬ ▬▬▬▬ ▬▬▬ ▬▬▬▬▬ ▬▬ ▬▬▬ ▬▬▬▬ ▬▬▬▬▬ ▬▬▬ ▬▬ ▬▬▬▬ ▬▬▬ ▬▬▬▬▬ ▬▬▬ ▬▬▬▬ ▬▬ ▬▬▬▬▬ ▬▬▬ ▬▬▬▬ ▬▬ ▬▬▬▬▬ ▬▬▬ ▬▬▬▬ ▬▬▬ ▬▬▬▬▬ ▬▬ ▬▬▬▬ ▬▬▬ ▬▬▬▬▬ ▬▬▬ ▬▬ ▬▬▬▬ ▬▬▬▬ ▬▬▬ ▬▬▬▬▬ ▬▬ ▬▬▬ ▬▬▬▬ ▬▬▬▬▬ ▬▬▬ ▬▬ ▬▬▬▬ ▬▬▬ ▬▬▬▬▬ ▬▬▬ ▬▬▬▬ ▬▬ ▬▬▬▬▬ ▬▬▬ ▬▬▬▬ ▬▬ ▬▬▬▬▬ ▬▬▬ ▬▬▬▬ ▬▬▬ ▬▬▬▬▬ ▬▬ ▬▬▬▬ ▬▬▬ ▬▬▬▬▬ ▬▬▬ ▬▬ ▬▬▬▬ ▬▬▬▬ ▬▬▬ ▬▬▬▬▬ ▬▬ ▬▬▬ ▬▬▬▬ ▬▬▬▬▬ ▬▬▬ ▬▬ ▬▬▬▬ ▬▬▬ ▬▬▬▬▬ ▬▬▬ ▬▬▬▬ ▬▬ ▬▬▬▬▬ ▬▬▬ ▬▬▬▬ ▬▬ ▬▬▬▬▬ ▬▬▬ ▬▬▬▬ ▬▬▬ ▬▬▬▬▬ ▬▬ ▬▬▬▬ ▬▬▬ ▬▬▬▬▬ ▬▬▬ ▬▬ ▬▬▬▬ ▬▬▬▬ ▬▬▬ ▬▬▬▬▬ ▬▬ ▬▬▬ ▬▬▬▬ ▬▬▬▬▬ ▬▬▬ ▬▬ ▬▬▬▬ ▬▬▬ ▬▬▬▬▬ ▬▬▬ ▬▬▬▬ ▬▬ ▬▬▬▬▬ ▬▬▬ ▬▬▬▬ ▬▬ ▬▬▬▬▬ ▬▬▬ ▬▬▬▬ ▬▬▬ ▬▬▬▬▬ ▬▬ ▬▬▬▬ ▬▬▬ ▬▬▬▬▬ ▬▬▬ ▬▬ ▬▬▬▬ ▬▬▬▬ ▬▬▬ ▬▬▬▬▬ ▬▬ ▬▬▬ ▬▬▬▬ ▬▬▬▬▬ ▬▬▬ ▬▬ ▬▬▬▬ ▬▬▬ ▬▬▬▬▬ ▬▬▬ ▬▬▬▬ ▬▬ ▬▬▬▬▬ ▬▬▬ ▬▬▬▬ ▬▬ ▬▬▬▬▬ ▬▬▬ ▬▬▬▬ ▬▬▬ ▬▬▬▬▬ ▬▬ ▬▬▬▬ ▬▬▬ ▬▬▬▬▬ ▬▬▬ ▬▬ ▬▬▬▬ ▬▬▬▬ ▬▬▬ ▬▬▬▬▬ ▬▬ ▬▬▬ ▬▬▬▬ ▬▬▬▬▬ ▬▬▬ ▬▬ ▬▬▬▬ ▬▬▬ ▬▬▬▬▬ ▬▬▬ ▬▬▬▬ ▬▬ ▬▬▬▬▬ ▬▬▬ ▬▬▬▬ ▬▬ ▬▬▬▬▬ ▬▬▬ ▬▬▬▬ ▬▬▬ ▬▬▬▬▬ ▬▬ ▬▬▬▬ ▬▬▬ ▬▬▬▬▬ ▬▬▬ ▬▬ ▬▬▬▬ ▬▬▬▬ ▬▬▬ ▬▬▬▬▬ ▬▬ ▬▬▬ ▬▬▬▬ ▬▬▬▬▬ ▬▬▬ ▬▬ ▬▬▬▬ ▬▬▬ ▬▬▬▬▬ ▬▬▬ ▬▬▬▬ ▬▬ ▬▬▬▬▬ ▬▬▬ ▬▬▬▬ ▬▬ ▬▬▬▬▬ ▬▬▬ ▬▬▬▬ ▬▬▬ ▬▬▬▬▬ ▬▬ ▬▬▬▬ ▬▬▬ ▬▬▬▬▬ ▬▬▬ ▬▬ ▬▬▬▬ ▬▬▬▬ ▬▬▬ ▬▬▬▬▬ ▬▬ ▬▬▬ ▬▬▬▬ ▬▬▬▬▬ ▬▬▬ ▬▬ ▬▬▬▬ ▬▬▬ ▬▬▬▬▬ ▬▬▬ ▬▬▬▬ ▬▬ ▬▬▬▬▬ ▬▬▬ ▬▬▬▬ ▬▬ ▬▬▬▬▬ ▬▬▬ ▬▬▬▬ ▬▬▬ ▬▬▬▬▬ ▬▬ ▬▬▬▬ ▬▬▬ ▬▬▬▬▬ ▬▬▬ ▬▬ ▬▬▬▬ ▬▬▬▬ ▬▬▬ ▬▬▬▬▬ ▬▬ ▬▬▬ ▬▬▬▬ ▬▬▬▬▬ ▬▬▬ ▬▬ ▬▬▬▬ ▬▬▬ ▬▬▬▬▬ ▬▬▬ ▬▬▬▬ ▬▬ ▬▬▬▬▬ ▬▬▬ ▬▬▬▬ ▬▬ ▬▬▬▬▬ ▬▬▬ ▬▬▬▬ ▬▬▬ ▬▬▬▬▬ ▬▬ ▬▬▬▬ ▬▬▬ ▬▬▬▬▬ ▬▬▬ ▬▬ ▬▬▬▬ ▬▬▬▬ ▬▬▬ ▬▬▬▬▬ ▬▬ ▬▬▬ ▬▬▬▬ ▬▬▬▬▬ ▬▬▬ ▬▬ ▬▬▬▬ ▬▬▬ ▬▬▬▬▬ ▬▬▬ ▬▬▬▬ ▬▬ ▬▬▬▬▬ ▬▬▬ ▬▬▬▬ ▬▬ ▬▬▬▬▬ ▬▬▬ ▬▬▬▬ ▬▬▬ ▬▬▬▬▬ ▬▬ ▬▬▬▬ ▬▬▬ ▬▬▬▬▬ ▬▬▬ ▬▬ ▬▬▬▬ ▬▬▬▬ ▬▬▬ ▬▬▬▬▬ ▬▬ ▬▬▬ ▬▬▬▬ ▬▬▬▬▬ ▬▬▬ ▬▬ ▬▬▬▬ ▬▬▬ ▬▬▬▬▬ ▬▬▬ ▬▬▬▬ ▬▬ ▬▬▬▬▬ ▬▬▬ ▬▬▬▬ ▬▬ ▬▬▬▬▬ ▬▬▬ ▬▬▬▬ ▬▬▬ ▬▬▬▬▬ ▬▬ ▬▬▬▬ ▬▬▬ ▬▬▬▬▬ ▬▬▬ ▬▬ ▬▬▬▬ ▬▬▬▬ ▬▬▬ ▬▬▬▬▬ ▬▬ ▬▬▬ ▬▬▬▬ ▬▬▬▬▬ ▬▬▬ ▬▬ ▬▬▬▬ ▬▬▬ ▬▬▬▬▬ ▬▬▬ ▬▬▬▬ ▬▬ ▬▬▬▬▬ ▬▬▬ ▬▬▬▬ ▬▬ ▬▬▬▬▬ ▬▬▬ ▬▬▬▬ ▬▬▬ ▬▬▬▬▬ ▬▬ ▬▬▬▬ ▬▬▬ ▬▬▬▬▬ ▬▬▬ ▬▬ ▬▬▬▬
▬▬▬ ▬▬▬▬ ▬▬ ▬▬▬▬▬ ▬▬▬ ▬▬▬▬ ▬▬▬▬▬ ▬▬ ▬▬▬ ▬▬▬▬ ▬▬▬ ▬▬▬▬▬ ▬▬ ▬▬▬▬ ▬▬▬ ▬▬▬▬▬ ▬▬▬ ▬▬ ▬▬▬▬ ▬▬▬▬ ▬▬▬ ▬▬▬▬▬ ▬▬ ▬▬▬ ▬▬▬▬ ▬▬▬▬▬ ▬▬▬ ▬▬ ▬▬▬▬ ▬▬▬ ▬▬▬▬▬ ▬▬▬ ▬▬▬▬ ▬▬ ▬▬▬▬▬ ▬▬▬ ▬▬▬▬ ▬▬ ▬▬▬▬▬ ▬▬▬ ▬▬▬▬ ▬▬▬ ▬▬▬▬▬ ▬▬ ▬▬▬▬ ▬▬▬ ▬▬▬▬▬ ▬▬▬ ▬▬ ▬▬▬▬ ▬▬▬▬ ▬▬▬ ▬▬▬▬▬ ▬▬ ▬▬▬ ▬▬▬▬ ▬▬▬▬▬ ▬▬▬ ▬▬ ▬▬▬▬ ▬▬▬ ▬▬▬▬▬ ▬▬▬ ▬▬▬▬ ▬▬ ▬▬▬▬▬ ▬▬▬ ▬▬▬▬ ▬▬ ▬▬▬▬▬ ▬▬▬ ▬▬▬▬ ▬▬▬ ▬▬▬▬▬ ▬▬ ▬▬▬▬ ▬▬▬ ▬▬▬▬▬ ▬▬▬ ▬▬ ▬▬▬▬ ▬▬▬▬ ▬▬▬ ▬▬▬▬▬ ▬▬ ▬▬▬ ▬▬▬▬ ▬▬▬▬▬ ▬▬▬ ▬▬ ▬▬▬▬ ▬▬▬ ▬▬▬▬▬ ▬▬▬ ▬▬▬▬ ▬▬ ▬▬▬▬▬ ▬▬▬ ▬▬▬▬ ▬▬ ▬▬▬▬▬ ▬▬▬ ▬▬▬▬ ▬▬▬ ▬▬▬▬▬ ▬▬ ▬▬▬▬ ▬▬▬ ▬▬▬▬▬ ▬▬▬ ▬▬ ▬▬▬▬ ▬▬▬▬ ▬▬▬ ▬▬▬▬▬ ▬▬ ▬▬▬ ▬▬▬▬ ▬▬▬▬▬ ▬▬▬ ▬▬ ▬▬▬▬ ▬▬▬ ▬▬▬▬▬ ▬▬▬ ▬▬▬▬ ▬▬ ▬▬▬▬▬ ▬▬▬ ▬▬▬▬ ▬▬ ▬▬▬▬▬ ▬▬▬ ▬▬▬▬ ▬▬▬ ▬▬▬▬▬ ▬▬ ▬▬▬▬ ▬▬▬ ▬▬▬▬▬ ▬▬▬ ▬▬ ▬▬▬▬ ▬▬▬▬ ▬▬▬ ▬▬▬▬▬ ▬▬ ▬▬▬ ▬▬▬▬ ▬▬▬▬▬ ▬▬▬ ▬▬ ▬▬▬▬ ▬▬▬ ▬▬▬▬▬ ▬▬▬ ▬▬▬▬ ▬▬ ▬▬▬▬▬ ▬▬▬ ▬▬▬▬ ▬▬ ▬▬▬▬▬ ▬▬▬ ▬▬▬▬ ▬▬▬ ▬▬▬▬▬ ▬▬ ▬▬▬▬ ▬▬▬ ▬▬▬▬▬ ▬▬▬ ▬▬ ▬▬▬▬ ▬▬▬▬ ▬▬▬ ▬▬▬▬▬ ▬▬ ▬▬▬ ▬▬▬▬ ▬▬▬▬▬ ▬▬▬ ▬▬ ▬▬▬▬ ▬▬▬ ▬▬▬▬▬ ▬▬▬ ▬▬▬▬ ▬▬ ▬▬▬▬▬ ▬▬▬ ▬▬▬▬ ▬▬ ▬▬▬▬▬ ▬▬▬ ▬▬▬▬ ▬▬▬ ▬▬▬▬▬ ▬▬ ▬▬▬▬ ▬▬▬ ▬▬▬▬▬ ▬▬▬ ▬▬ ▬▬▬▬ ▬▬▬▬ ▬▬▬ ▬▬▬▬▬ ▬▬ ▬▬▬ ▬▬▬▬ ▬▬▬▬▬ ▬▬▬ ▬▬ ▬▬▬▬ ▬▬▬ ▬▬▬▬▬ ▬▬▬ ▬▬▬▬ ▬▬ ▬▬▬▬▬ ▬▬▬ ▬▬▬▬ ▬▬ ▬▬▬▬▬ ▬▬▬ ▬▬▬▬ ▬▬▬ ▬▬▬▬▬ ▬▬ ▬▬▬▬ ▬▬▬ ▬▬▬▬▬ ▬▬▬ ▬▬ ▬▬▬▬ ▬▬▬▬ ▬▬▬ ▬▬▬▬▬ ▬▬ ▬▬▬ ▬▬▬▬ ▬▬▬▬▬ ▬▬▬ ▬▬ ▬▬▬▬ ▬▬▬ ▬▬▬▬▬ ▬▬▬ ▬▬▬▬ ▬▬ ▬▬▬▬▬ ▬▬▬ ▬▬▬▬ ▬▬ ▬▬▬▬▬ ▬▬▬ ▬▬▬▬ ▬▬▬ ▬▬▬▬▬ ▬▬ ▬▬▬▬ ▬▬▬ ▬▬▬▬▬ ▬▬▬ ▬▬ ▬▬▬▬ ▬▬▬▬ ▬▬▬ ▬▬▬▬▬ ▬▬ ▬▬▬ ▬▬▬▬ ▬▬▬▬▬ ▬▬▬ ▬▬ ▬▬▬▬ ▬▬▬ ▬▬▬▬▬ ▬▬▬ ▬▬▬▬ ▬▬ ▬▬▬▬▬ ▬▬▬ ▬▬▬▬ ▬▬ ▬▬▬▬▬ ▬▬▬ ▬▬▬▬ ▬▬▬ ▬▬▬▬▬ ▬▬ ▬▬▬▬ ▬▬▬ ▬▬▬▬▬ ▬▬▬ ▬▬ ▬▬▬▬ ▬▬▬▬ ▬▬▬ ▬▬▬▬▬ ▬▬ ▬▬▬ ▬▬▬▬ ▬▬▬▬▬ ▬▬▬ ▬▬ ▬▬▬▬ ▬▬▬ ▬▬▬▬▬ ▬▬▬ ▬▬▬▬ ▬▬ ▬▬▬▬▬ ▬▬▬ ▬▬▬▬ ▬▬ ▬▬▬▬▬ ▬▬▬ ▬▬▬▬ ▬▬▬ ▬▬▬▬▬ ▬▬ ▬▬▬▬ ▬▬▬ ▬▬▬▬▬ ▬▬▬ ▬▬ ▬▬▬▬ ▬▬▬▬ ▬▬▬ ▬▬▬▬▬ ▬▬ ▬▬▬ ▬▬▬▬ ▬▬▬▬▬ ▬▬▬ ▬▬ ▬▬▬▬ ▬▬▬ ▬▬▬▬▬ ▬▬▬ ▬▬▬▬ ▬▬ ▬▬▬▬▬ ▬▬▬ ▬▬▬▬ ▬▬ ▬▬▬▬▬ ▬▬▬ ▬▬▬▬ ▬▬▬ ▬▬▬▬▬ ▬▬ ▬▬▬▬ ▬▬▬ ▬▬▬▬▬ ▬▬▬ ▬▬ ▬▬▬▬ ▬▬▬▬ ▬▬▬ ▬▬▬▬▬ ▬▬ ▬▬▬ ▬▬▬▬ ▬▬▬▬▬ ▬▬▬ ▬▬ ▬▬▬▬ ▬▬▬ ▬▬▬▬▬ ▬▬▬ ▬▬▬▬ ▬▬ ▬▬▬▬▬ ▬▬▬ ▬▬▬▬ ▬▬ ▬▬▬▬▬ ▬▬▬ ▬▬▬▬ ▬▬▬ ▬▬▬▬▬ ▬▬ ▬▬▬▬ ▬▬▬ ▬▬▬▬▬ ▬▬▬ ▬▬ ▬▬▬▬
